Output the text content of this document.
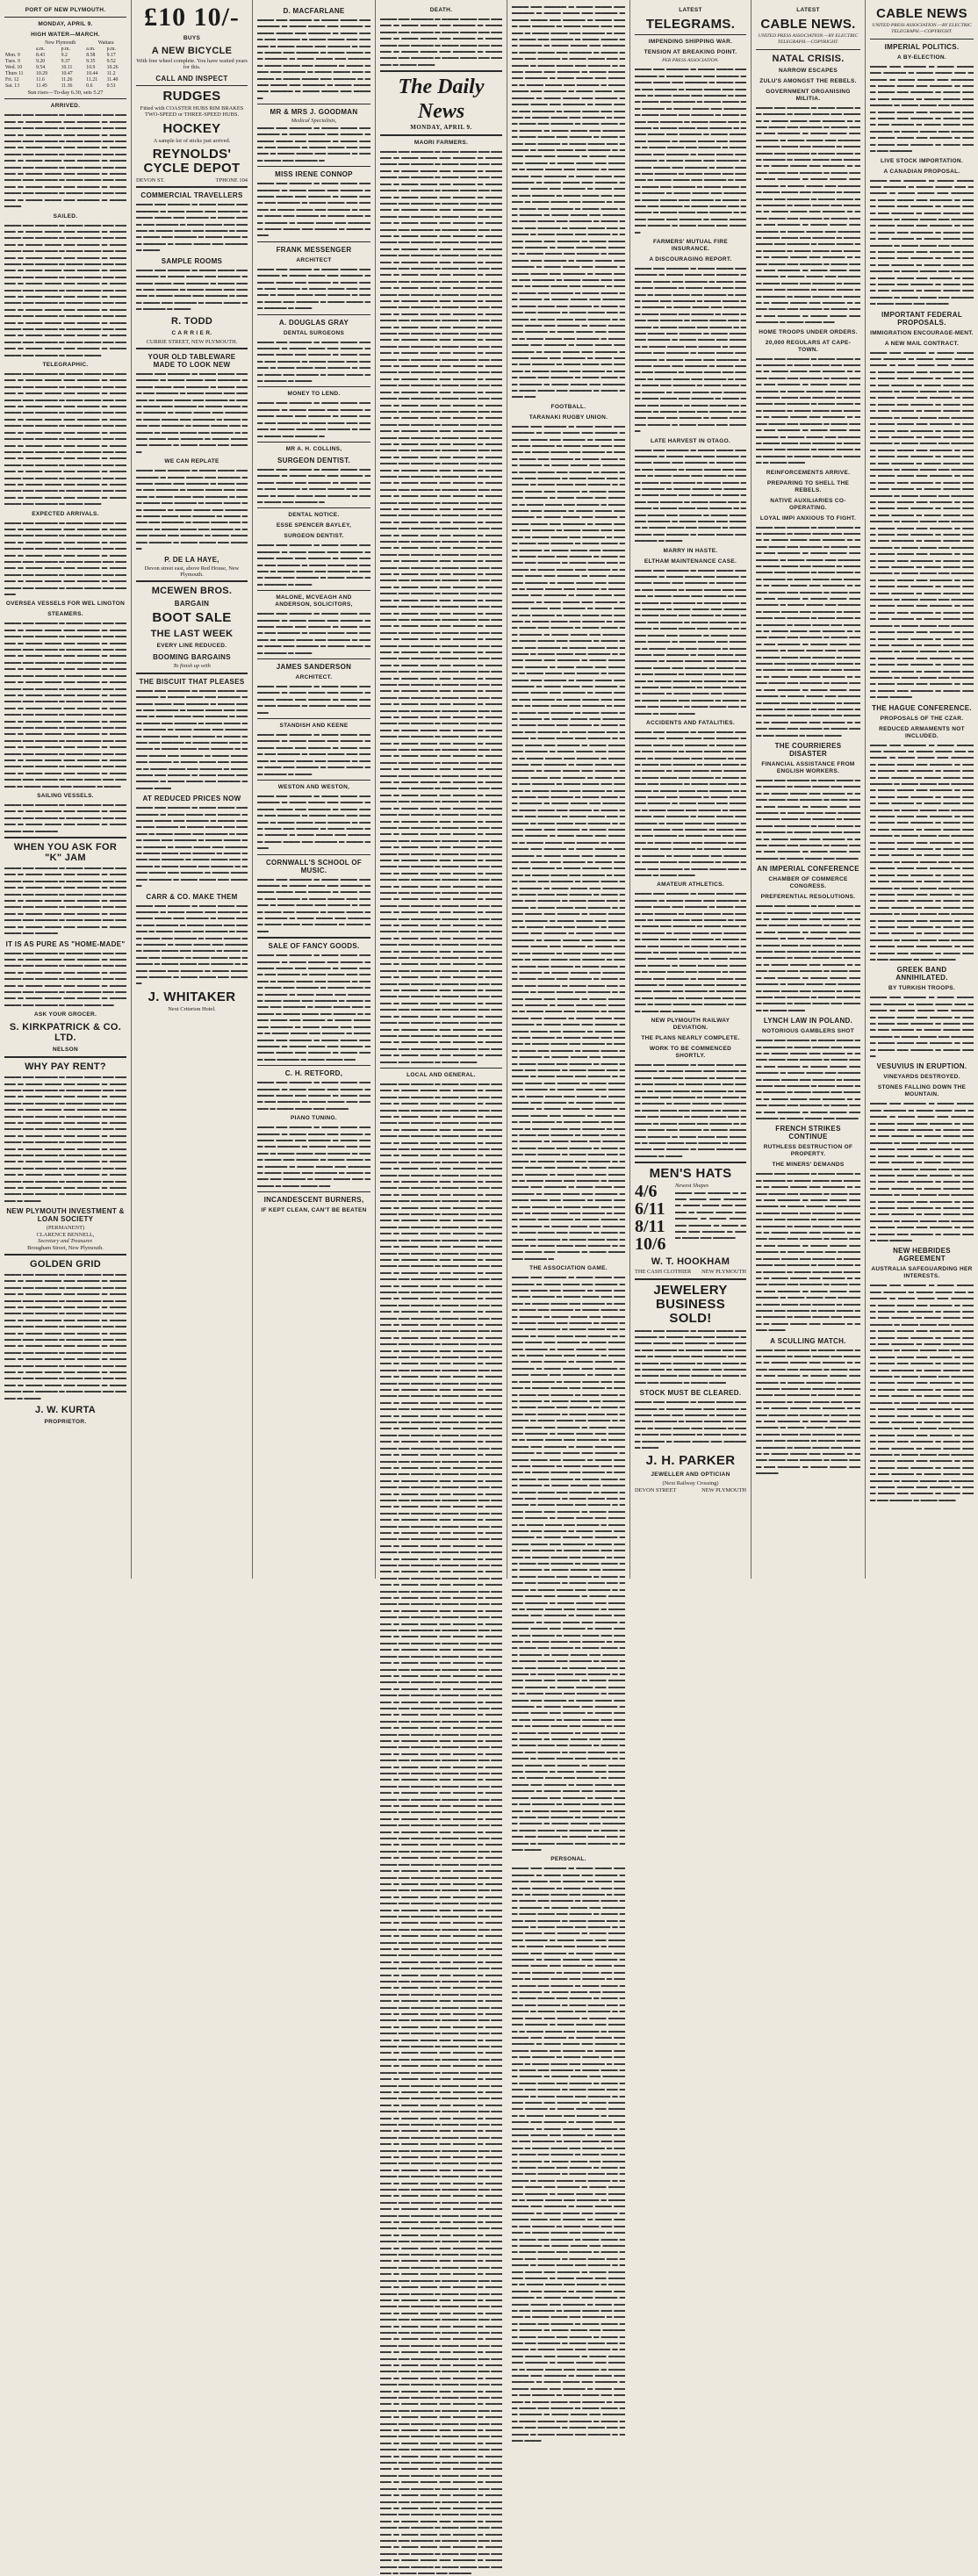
PORT OF NEW PLYMOUTH.
MONDAY, APRIL 9.
HIGH WATER—MARCH.
	New Plymouth		Waitara	
	a.m.	p.m.	a.m.	p.m.
Mon. 9	8.43	9.2	8.58	9.17
Tues. 9	9.20	9.37	9.35	9.52
Wed. 10	9.54	10.11	10.9	10.26
Thurs 11	10.29	10.47	10.44	11.2
Fri. 12	11.6	11.26	11.21	11.40
Sat. 13	11.45	11.36	0.6	0.51
Sun rises—To-day 6.30, sets 5.27
ARRIVED.

▬▬▬ ▬▬ ▬▬▬▬ ▬ ▬▬▬ ▬▬▬ ▬▬ ▬▬▬▬ ▬ ▬▬▬ ▬▬▬ ▬▬ ▬▬▬▬ ▬ ▬▬▬ ▬▬▬ ▬▬ ▬▬▬▬ ▬ ▬▬▬ ▬▬▬ ▬▬ ▬▬▬▬ ▬ ▬▬▬ ▬▬▬ ▬▬ ▬▬▬▬ ▬ ▬▬▬ ▬▬▬ ▬▬ ▬▬▬▬ ▬ ▬▬▬ ▬▬▬ ▬▬ ▬▬▬▬ ▬ ▬▬▬ ▬▬▬ ▬▬ ▬▬▬▬ ▬ ▬▬▬ ▬▬▬ ▬▬ ▬▬▬▬ ▬ ▬▬▬ ▬▬▬ ▬▬ ▬▬▬▬ ▬ ▬▬▬ ▬▬▬ ▬▬ ▬▬▬▬ ▬ ▬▬▬ ▬▬▬ ▬▬ ▬▬▬▬ ▬ ▬▬▬ ▬▬▬ ▬▬ ▬▬▬▬ ▬ ▬▬▬ ▬▬▬ ▬▬ ▬▬▬▬ ▬ ▬▬▬ ▬▬▬ ▬▬ ▬▬▬▬ ▬ ▬▬▬ ▬▬▬ ▬▬ ▬▬▬▬ ▬ ▬▬▬ ▬▬▬ ▬▬ ▬▬▬▬ ▬ ▬▬▬ ▬▬▬ ▬▬ ▬▬▬▬ ▬ ▬▬▬ ▬▬▬ ▬▬ ▬▬▬▬ ▬ ▬▬▬ ▬▬▬ ▬▬ ▬▬▬▬ ▬ ▬▬▬ ▬▬▬

SAILED.

▬▬▬ ▬▬ ▬▬▬▬ ▬ ▬▬▬ ▬▬▬ ▬▬ ▬▬▬▬ ▬ ▬▬▬ ▬▬▬ ▬▬ ▬▬▬▬ ▬ ▬▬▬ ▬▬▬ ▬▬ ▬▬▬▬ ▬ ▬▬▬ ▬▬▬ ▬▬ ▬▬▬▬ ▬ ▬▬▬ ▬▬▬ ▬▬ ▬▬▬▬ ▬ ▬▬▬ ▬▬▬ ▬▬ ▬▬▬▬ ▬ ▬▬▬ ▬▬▬ ▬▬ ▬▬▬▬ ▬ ▬▬▬ ▬▬▬ ▬▬ ▬▬▬▬ ▬ ▬▬▬ ▬▬▬ ▬▬ ▬▬▬▬ ▬ ▬▬▬ ▬▬▬ ▬▬ ▬▬▬▬ ▬ ▬▬▬ ▬▬▬ ▬▬ ▬▬▬▬ ▬ ▬▬▬ ▬▬▬ ▬▬ ▬▬▬▬ ▬ ▬▬▬ ▬▬▬ ▬▬ ▬▬▬▬ ▬ ▬▬▬ ▬▬▬ ▬▬ ▬▬▬▬ ▬ ▬▬▬ ▬▬▬ ▬▬ ▬▬▬▬ ▬ ▬▬▬ ▬▬▬ ▬▬ ▬▬▬▬ ▬ ▬▬▬ ▬▬▬ ▬▬ ▬▬▬▬ ▬ ▬▬▬ ▬▬▬ ▬▬ ▬▬▬▬ ▬ ▬▬▬ ▬▬▬ ▬▬ ▬▬▬▬ ▬ ▬▬▬ ▬▬▬ ▬▬ ▬▬▬▬ ▬ ▬▬▬ ▬▬▬ ▬▬ ▬▬▬▬ ▬ ▬▬▬ ▬▬▬ ▬▬ ▬▬▬▬ ▬ ▬▬▬ ▬▬▬ ▬▬ ▬▬▬▬ ▬ ▬▬▬ ▬▬▬ ▬▬ ▬▬▬▬ ▬ ▬▬▬ ▬▬▬ ▬▬ ▬▬▬▬ ▬ ▬▬▬ ▬▬▬ ▬▬ ▬▬▬▬ ▬ ▬▬▬ ▬▬▬ ▬▬ ▬▬▬▬ ▬ ▬▬▬ ▬▬▬ ▬▬ ▬▬▬▬ ▬ ▬▬▬ ▬▬▬ ▬▬ ▬▬▬▬ ▬ ▬▬▬ ▬▬▬ ▬▬ ▬▬▬▬ ▬ ▬▬▬ ▬▬▬

TELEGRAPHIC.

▬▬▬ ▬▬ ▬▬▬▬ ▬ ▬▬▬ ▬▬▬ ▬▬ ▬▬▬▬ ▬ ▬▬▬ ▬▬▬ ▬▬ ▬▬▬▬ ▬ ▬▬▬ ▬▬▬ ▬▬ ▬▬▬▬ ▬ ▬▬▬ ▬▬▬ ▬▬ ▬▬▬▬ ▬ ▬▬▬ ▬▬▬ ▬▬ ▬▬▬▬ ▬ ▬▬▬ ▬▬▬ ▬▬ ▬▬▬▬ ▬ ▬▬▬ ▬▬▬ ▬▬ ▬▬▬▬ ▬ ▬▬▬ ▬▬▬ ▬▬ ▬▬▬▬ ▬ ▬▬▬ ▬▬▬ ▬▬ ▬▬▬▬ ▬ ▬▬▬ ▬▬▬ ▬▬ ▬▬▬▬ ▬ ▬▬▬ ▬▬▬ ▬▬ ▬▬▬▬ ▬ ▬▬▬ ▬▬▬ ▬▬ ▬▬▬▬ ▬ ▬▬▬ ▬▬▬ ▬▬ ▬▬▬▬ ▬ ▬▬▬ ▬▬▬ ▬▬ ▬▬▬▬ ▬ ▬▬▬ ▬▬▬ ▬▬ ▬▬▬▬ ▬ ▬▬▬ ▬▬▬ ▬▬ ▬▬▬▬ ▬ ▬▬▬ ▬▬▬ ▬▬ ▬▬▬▬ ▬ ▬▬▬ ▬▬▬ ▬▬ ▬▬▬▬ ▬ ▬▬▬ ▬▬▬ ▬▬ ▬▬▬▬ ▬ ▬▬▬ ▬▬▬ ▬▬ ▬▬▬▬ ▬ ▬▬▬ ▬▬▬ ▬▬ ▬▬▬▬ ▬ ▬▬▬ ▬▬▬ ▬▬ ▬▬▬▬ ▬ ▬▬▬ ▬▬▬ ▬▬ ▬▬▬▬ ▬ ▬▬▬ ▬▬▬ ▬▬ ▬▬▬▬ ▬ ▬▬▬ ▬▬▬ ▬▬ ▬▬▬▬ ▬ ▬▬▬ ▬▬▬ ▬▬ ▬▬▬▬ ▬ ▬▬▬ ▬▬▬ ▬▬ ▬▬▬▬ ▬ ▬▬▬ ▬▬▬ ▬▬ ▬▬▬▬ ▬ ▬▬▬ ▬▬▬ ▬▬ ▬▬▬▬ ▬ ▬▬▬ ▬▬▬ ▬▬ ▬▬▬▬ ▬ ▬▬▬ ▬▬▬

EXPECTED ARRIVALS.

▬▬▬ ▬▬ ▬▬▬▬ ▬ ▬▬▬ ▬▬▬ ▬▬ ▬▬▬▬ ▬ ▬▬▬ ▬▬▬ ▬▬ ▬▬▬▬ ▬ ▬▬▬ ▬▬▬ ▬▬ ▬▬▬▬ ▬ ▬▬▬ ▬▬▬ ▬▬ ▬▬▬▬ ▬ ▬▬▬ ▬▬▬ ▬▬ ▬▬▬▬ ▬ ▬▬▬ ▬▬▬ ▬▬ ▬▬▬▬ ▬ ▬▬▬ ▬▬▬ ▬▬ ▬▬▬▬ ▬ ▬▬▬ ▬▬▬ ▬▬ ▬▬▬▬ ▬ ▬▬▬ ▬▬▬ ▬▬ ▬▬▬▬ ▬ ▬▬▬ ▬▬▬ ▬▬ ▬▬▬▬ ▬ ▬▬▬ ▬▬▬ ▬▬ ▬▬▬▬ ▬ ▬▬▬ ▬▬▬ ▬▬ ▬▬▬▬ ▬ ▬▬▬ ▬▬▬ ▬▬ ▬▬▬▬ ▬ ▬▬▬ ▬▬▬ ▬▬ ▬▬▬▬ ▬ ▬▬▬ ▬▬▬ ▬▬ ▬▬▬▬ ▬ ▬▬▬ ▬▬▬ ▬▬ ▬▬▬▬

OVERSEA VESSELS FOR WEL LINGTON
STEAMERS.

▬▬▬ ▬▬ ▬▬▬▬ ▬ ▬▬▬ ▬▬▬ ▬▬ ▬▬▬▬ ▬ ▬▬▬ ▬▬▬ ▬▬ ▬▬▬▬ ▬ ▬▬▬ ▬▬▬ ▬▬ ▬▬▬▬ ▬ ▬▬▬ ▬▬▬ ▬▬ ▬▬▬▬ ▬ ▬▬▬ ▬▬▬ ▬▬ ▬▬▬▬ ▬ ▬▬▬ ▬▬▬ ▬▬ ▬▬▬▬ ▬ ▬▬▬ ▬▬▬ ▬▬ ▬▬▬▬ ▬ ▬▬▬ ▬▬▬ ▬▬ ▬▬▬▬ ▬ ▬▬▬ ▬▬▬ ▬▬ ▬▬▬▬ ▬ ▬▬▬ ▬▬▬ ▬▬ ▬▬▬▬ ▬ ▬▬▬ ▬▬▬ ▬▬ ▬▬▬▬ ▬ ▬▬▬ ▬▬▬ ▬▬ ▬▬▬▬ ▬ ▬▬▬ ▬▬▬ ▬▬ ▬▬▬▬ ▬ ▬▬▬ ▬▬▬ ▬▬ ▬▬▬▬ ▬ ▬▬▬ ▬▬▬ ▬▬ ▬▬▬▬ ▬ ▬▬▬ ▬▬▬ ▬▬ ▬▬▬▬ ▬ ▬▬▬ ▬▬▬ ▬▬ ▬▬▬▬ ▬ ▬▬▬ ▬▬▬ ▬▬ ▬▬▬▬ ▬ ▬▬▬ ▬▬▬ ▬▬ ▬▬▬▬ ▬ ▬▬▬ ▬▬▬ ▬▬ ▬▬▬▬ ▬ ▬▬▬ ▬▬▬ ▬▬ ▬▬▬▬ ▬ ▬▬▬ ▬▬▬ ▬▬ ▬▬▬▬ ▬ ▬▬▬ ▬▬▬ ▬▬ ▬▬▬▬ ▬ ▬▬▬ ▬▬▬ ▬▬ ▬▬▬▬ ▬ ▬▬▬ ▬▬▬ ▬▬ ▬▬▬▬ ▬ ▬▬▬ ▬▬▬ ▬▬ ▬▬▬▬ ▬ ▬▬▬ ▬▬▬ ▬▬ ▬▬▬▬ ▬ ▬▬▬ ▬▬▬ ▬▬ ▬▬▬▬ ▬ ▬▬▬ ▬▬▬ ▬▬ ▬▬▬▬ ▬ ▬▬▬ ▬▬▬ ▬▬ ▬▬▬▬ ▬ ▬▬▬ ▬▬▬ ▬▬ ▬▬▬▬ ▬ ▬▬▬ ▬▬▬ ▬▬ ▬▬▬▬ ▬ ▬▬▬ ▬▬▬ ▬▬ ▬▬▬▬ ▬ ▬▬▬ ▬▬▬ ▬▬ ▬▬▬▬ ▬ ▬▬▬ ▬▬▬ ▬▬ ▬▬▬▬ ▬ ▬▬▬ ▬▬▬ ▬▬ ▬▬▬▬ ▬ ▬▬▬ ▬▬▬ ▬▬ ▬▬▬▬ ▬ ▬▬▬ ▬▬▬ ▬▬ ▬▬▬▬ ▬ ▬▬▬

SAILING VESSELS.

▬▬▬ ▬▬ ▬▬▬▬ ▬ ▬▬▬ ▬▬▬ ▬▬ ▬▬▬▬ ▬ ▬▬▬ ▬▬▬ ▬▬ ▬▬▬▬ ▬ ▬▬▬ ▬▬▬ ▬▬ ▬▬▬▬ ▬ ▬▬▬ ▬▬▬ ▬▬ ▬▬▬▬ ▬ ▬▬▬ ▬▬▬ ▬▬ ▬▬▬▬ ▬ ▬▬▬ ▬▬▬ ▬▬ ▬▬▬▬

WHEN YOU ASK FOR "K" JAM

▬▬▬ ▬▬ ▬▬▬▬ ▬ ▬▬▬ ▬▬▬ ▬▬ ▬▬▬▬ ▬ ▬▬▬ ▬▬▬ ▬▬ ▬▬▬▬ ▬ ▬▬▬ ▬▬▬ ▬▬ ▬▬▬▬ ▬ ▬▬▬ ▬▬▬ ▬▬ ▬▬▬▬ ▬ ▬▬▬ ▬▬▬ ▬▬ ▬▬▬▬ ▬ ▬▬▬ ▬▬▬ ▬▬ ▬▬▬▬ ▬ ▬▬▬ ▬▬▬ ▬▬ ▬▬▬▬ ▬ ▬▬▬ ▬▬▬ ▬▬ ▬▬▬▬ ▬ ▬▬▬ ▬▬▬ ▬▬ ▬▬▬▬ ▬ ▬▬▬ ▬▬▬ ▬▬ ▬▬▬▬ ▬ ▬▬▬ ▬▬▬ ▬▬ ▬▬▬▬ ▬ ▬▬▬ ▬▬▬ ▬▬ ▬▬▬▬ ▬ ▬▬▬ ▬▬▬ ▬▬ ▬▬▬▬ ▬ ▬▬▬ ▬▬▬ ▬▬ ▬▬▬▬ ▬ ▬▬▬ ▬▬▬ ▬▬ ▬▬▬▬

IT IS AS PURE AS "HOME-MADE"

▬▬▬ ▬▬ ▬▬▬▬ ▬ ▬▬▬ ▬▬▬ ▬▬ ▬▬▬▬ ▬ ▬▬▬ ▬▬▬ ▬▬ ▬▬▬▬ ▬ ▬▬▬ ▬▬▬ ▬▬ ▬▬▬▬ ▬ ▬▬▬ ▬▬▬ ▬▬ ▬▬▬▬ ▬ ▬▬▬ ▬▬▬ ▬▬ ▬▬▬▬ ▬ ▬▬▬ ▬▬▬ ▬▬ ▬▬▬▬ ▬ ▬▬▬ ▬▬▬ ▬▬ ▬▬▬▬ ▬ ▬▬▬ ▬▬▬ ▬▬ ▬▬▬▬ ▬ ▬▬▬ ▬▬▬ ▬▬ ▬▬▬▬ ▬ ▬▬▬ ▬▬▬ ▬▬ ▬▬▬▬ ▬ ▬▬▬ ▬▬▬ ▬▬ ▬▬▬▬ ▬ ▬▬▬ ▬▬▬ ▬▬ ▬▬▬▬ ▬ ▬▬▬ ▬▬▬ ▬▬

ASK YOUR GROCER.
S. KIRKPATRICK & CO. LTD.
NELSON
WHY PAY RENT?

▬▬▬ ▬▬ ▬▬▬▬ ▬ ▬▬▬ ▬▬▬ ▬▬ ▬▬▬▬ ▬ ▬▬▬ ▬▬▬ ▬▬ ▬▬▬▬ ▬ ▬▬▬ ▬▬▬ ▬▬ ▬▬▬▬ ▬ ▬▬▬ ▬▬▬ ▬▬ ▬▬▬▬ ▬ ▬▬▬ ▬▬▬ ▬▬ ▬▬▬▬ ▬ ▬▬▬ ▬▬▬ ▬▬ ▬▬▬▬ ▬ ▬▬▬ ▬▬▬ ▬▬ ▬▬▬▬ ▬ ▬▬▬ ▬▬▬ ▬▬ ▬▬▬▬ ▬ ▬▬▬ ▬▬▬ ▬▬ ▬▬▬▬ ▬ ▬▬▬ ▬▬▬ ▬▬ ▬▬▬▬ ▬ ▬▬▬ ▬▬▬ ▬▬ ▬▬▬▬ ▬ ▬▬▬ ▬▬▬ ▬▬ ▬▬▬▬ ▬ ▬▬▬ ▬▬▬ ▬▬ ▬▬▬▬ ▬ ▬▬▬ ▬▬▬ ▬▬ ▬▬▬▬ ▬ ▬▬▬ ▬▬▬ ▬▬ ▬▬▬▬ ▬ ▬▬▬ ▬▬▬ ▬▬ ▬▬▬▬ ▬ ▬▬▬ ▬▬▬ ▬▬ ▬▬▬▬ ▬ ▬▬▬ ▬▬▬ ▬▬ ▬▬▬▬ ▬ ▬▬▬ ▬▬▬ ▬▬ ▬▬▬▬ ▬ ▬▬▬ ▬▬▬ ▬▬ ▬▬▬▬ ▬ ▬▬▬ ▬▬▬ ▬▬ ▬▬▬▬ ▬ ▬▬▬ ▬▬▬ ▬▬ ▬▬▬▬ ▬ ▬▬▬ ▬▬▬ ▬▬ ▬▬▬▬ ▬ ▬▬▬ ▬▬▬ ▬▬ ▬▬▬▬ ▬ ▬▬▬ ▬▬▬ ▬▬ ▬▬▬▬ ▬ ▬▬▬ ▬▬▬ ▬▬ ▬▬▬▬ ▬ ▬▬▬ ▬▬▬ ▬▬ ▬▬▬▬ ▬ ▬▬▬ ▬▬▬ ▬▬ ▬▬▬▬ ▬ ▬▬▬

NEW PLYMOUTH INVESTMENT & LOAN SOCIETY
(PERMANENT)
CLARENCE BENNELL,
Secretary and Treasurer.
Brougham Street, New Plymouth.
GOLDEN GRID

▬▬▬ ▬▬ ▬▬▬▬ ▬ ▬▬▬ ▬▬▬ ▬▬ ▬▬▬▬ ▬ ▬▬▬ ▬▬▬ ▬▬ ▬▬▬▬ ▬ ▬▬▬ ▬▬▬ ▬▬ ▬▬▬▬ ▬ ▬▬▬ ▬▬▬ ▬▬ ▬▬▬▬ ▬ ▬▬▬ ▬▬▬ ▬▬ ▬▬▬▬ ▬ ▬▬▬ ▬▬▬ ▬▬ ▬▬▬▬ ▬ ▬▬▬ ▬▬▬ ▬▬ ▬▬▬▬ ▬ ▬▬▬ ▬▬▬ ▬▬ ▬▬▬▬ ▬ ▬▬▬ ▬▬▬ ▬▬ ▬▬▬▬ ▬ ▬▬▬ ▬▬▬ ▬▬ ▬▬▬▬ ▬ ▬▬▬ ▬▬▬ ▬▬ ▬▬▬▬ ▬ ▬▬▬ ▬▬▬ ▬▬ ▬▬▬▬ ▬ ▬▬▬ ▬▬▬ ▬▬ ▬▬▬▬ ▬ ▬▬▬ ▬▬▬ ▬▬ ▬▬▬▬ ▬ ▬▬▬ ▬▬▬ ▬▬ ▬▬▬▬ ▬ ▬▬▬ ▬▬▬ ▬▬ ▬▬▬▬ ▬ ▬▬▬ ▬▬▬ ▬▬ ▬▬▬▬ ▬ ▬▬▬ ▬▬▬ ▬▬ ▬▬▬▬ ▬ ▬▬▬ ▬▬▬ ▬▬ ▬▬▬▬ ▬ ▬▬▬ ▬▬▬ ▬▬ ▬▬▬▬ ▬ ▬▬▬ ▬▬▬ ▬▬ ▬▬▬▬ ▬ ▬▬▬ ▬▬▬ ▬▬ ▬▬▬▬ ▬ ▬▬▬ ▬▬▬ ▬▬ ▬▬▬▬ ▬ ▬▬▬ ▬▬▬ ▬▬ ▬▬▬▬ ▬ ▬▬▬ ▬▬▬ ▬▬ ▬▬▬▬ ▬ ▬▬▬ ▬▬▬ ▬▬ ▬▬▬▬ ▬ ▬▬▬ ▬▬▬ ▬▬ ▬▬▬▬ ▬ ▬▬▬ ▬▬▬ ▬▬ ▬▬▬▬ ▬ ▬▬▬

J. W. KURTA
PROPRIETOR.
£10 10/-
BUYS
A NEW BICYCLE
With free wheel complete. You have waited years for this.
CALL AND INSPECT
RUDGES
Fitted with COASTER HUBS RIM BRAKES TWO-SPEED or THREE-SPEED HUBS.
HOCKEY
A sample lot of sticks just arrived.
REYNOLDS' CYCLE DEPOT
DEVON ST.	TPHONE 104
COMMERCIAL TRAVELLERS

▬▬▬ ▬▬ ▬▬▬▬ ▬ ▬▬▬ ▬▬▬ ▬▬ ▬▬▬▬ ▬ ▬▬▬ ▬▬▬ ▬▬ ▬▬▬▬ ▬ ▬▬▬ ▬▬▬ ▬▬ ▬▬▬▬ ▬ ▬▬▬ ▬▬▬ ▬▬ ▬▬▬▬ ▬ ▬▬▬ ▬▬▬ ▬▬ ▬▬▬▬ ▬ ▬▬▬ ▬▬▬ ▬▬ ▬▬▬▬ ▬ ▬▬▬ ▬▬▬ ▬▬ ▬▬▬▬ ▬ ▬▬▬ ▬▬▬ ▬▬ ▬▬▬▬ ▬ ▬▬▬ ▬▬▬ ▬▬ ▬▬▬▬ ▬ ▬▬▬

SAMPLE ROOMS

▬▬▬ ▬▬ ▬▬▬▬ ▬ ▬▬▬ ▬▬▬ ▬▬ ▬▬▬▬ ▬ ▬▬▬ ▬▬▬ ▬▬ ▬▬▬▬ ▬ ▬▬▬ ▬▬▬ ▬▬ ▬▬▬▬ ▬ ▬▬▬ ▬▬▬ ▬▬ ▬▬▬▬ ▬ ▬▬▬ ▬▬▬ ▬▬ ▬▬▬▬ ▬ ▬▬▬ ▬▬▬ ▬▬ ▬▬▬▬ ▬ ▬▬▬ ▬▬▬ ▬▬ ▬▬▬▬ ▬ ▬▬▬ ▬▬▬ ▬▬ ▬▬▬▬ ▬ ▬▬▬

R. TODD
C A R R I E R.
CURRIE STREET, NEW PLYMOUTH.
YOUR OLD TABLEWARE MADE TO LOOK NEW

▬▬▬ ▬▬ ▬▬▬▬ ▬ ▬▬▬ ▬▬▬ ▬▬ ▬▬▬▬ ▬ ▬▬▬ ▬▬▬ ▬▬ ▬▬▬▬ ▬ ▬▬▬ ▬▬▬ ▬▬ ▬▬▬▬ ▬ ▬▬▬ ▬▬▬ ▬▬ ▬▬▬▬ ▬ ▬▬▬ ▬▬▬ ▬▬ ▬▬▬▬ ▬ ▬▬▬ ▬▬▬ ▬▬ ▬▬▬▬ ▬ ▬▬▬ ▬▬▬ ▬▬ ▬▬▬▬ ▬ ▬▬▬ ▬▬▬ ▬▬ ▬▬▬▬ ▬ ▬▬▬ ▬▬▬ ▬▬ ▬▬▬▬ ▬ ▬▬▬ ▬▬▬ ▬▬ ▬▬▬▬ ▬ ▬▬▬ ▬▬▬ ▬▬ ▬▬▬▬ ▬ ▬▬▬ ▬▬▬ ▬▬ ▬▬▬▬ ▬ ▬▬▬ ▬▬▬ ▬▬ ▬▬▬▬ ▬ ▬▬▬ ▬▬▬ ▬▬ ▬▬▬▬ ▬ ▬▬▬ ▬▬▬ ▬▬ ▬▬▬▬ ▬ ▬▬▬ ▬▬▬ ▬▬ ▬▬▬▬

WE CAN REPLATE

▬▬▬ ▬▬ ▬▬▬▬ ▬ ▬▬▬ ▬▬▬ ▬▬ ▬▬▬▬ ▬ ▬▬▬ ▬▬▬ ▬▬ ▬▬▬▬ ▬ ▬▬▬ ▬▬▬ ▬▬ ▬▬▬▬ ▬ ▬▬▬ ▬▬▬ ▬▬ ▬▬▬▬ ▬ ▬▬▬ ▬▬▬ ▬▬ ▬▬▬▬ ▬ ▬▬▬ ▬▬▬ ▬▬ ▬▬▬▬ ▬ ▬▬▬ ▬▬▬ ▬▬ ▬▬▬▬ ▬ ▬▬▬ ▬▬▬ ▬▬ ▬▬▬▬ ▬ ▬▬▬ ▬▬▬ ▬▬ ▬▬▬▬ ▬ ▬▬▬ ▬▬▬ ▬▬ ▬▬▬▬ ▬ ▬▬▬ ▬▬▬ ▬▬ ▬▬▬▬ ▬ ▬▬▬ ▬▬▬ ▬▬ ▬▬▬▬ ▬ ▬▬▬ ▬▬▬ ▬▬ ▬▬▬▬ ▬ ▬▬▬ ▬▬▬ ▬▬ ▬▬▬▬ ▬ ▬▬▬ ▬▬▬ ▬▬ ▬▬▬▬ ▬ ▬▬▬ ▬▬▬ ▬▬ ▬▬▬▬

P. DE LA HAYE,
Devon street east, above Red House, New Plymouth.
MCEWEN BROS.
BARGAIN
BOOT SALE
THE LAST WEEK
EVERY LINE REDUCED.
BOOMING BARGAINS
To finish up with
THE BISCUIT THAT PLEASES

▬▬▬ ▬▬ ▬▬▬▬ ▬ ▬▬▬ ▬▬▬ ▬▬ ▬▬▬▬ ▬ ▬▬▬ ▬▬▬ ▬▬ ▬▬▬▬ ▬ ▬▬▬ ▬▬▬ ▬▬ ▬▬▬▬ ▬ ▬▬▬ ▬▬▬ ▬▬ ▬▬▬▬ ▬ ▬▬▬ ▬▬▬ ▬▬ ▬▬▬▬ ▬ ▬▬▬ ▬▬▬ ▬▬ ▬▬▬▬ ▬ ▬▬▬ ▬▬▬ ▬▬ ▬▬▬▬ ▬ ▬▬▬ ▬▬▬ ▬▬ ▬▬▬▬ ▬ ▬▬▬ ▬▬▬ ▬▬ ▬▬▬▬ ▬ ▬▬▬ ▬▬▬ ▬▬ ▬▬▬▬ ▬ ▬▬▬ ▬▬▬ ▬▬ ▬▬▬▬ ▬ ▬▬▬ ▬▬▬ ▬▬ ▬▬▬▬ ▬ ▬▬▬ ▬▬▬ ▬▬ ▬▬▬▬ ▬ ▬▬▬ ▬▬▬ ▬▬ ▬▬▬▬ ▬ ▬▬▬ ▬▬▬ ▬▬ ▬▬▬▬ ▬ ▬▬▬ ▬▬▬ ▬▬ ▬▬▬▬ ▬ ▬▬▬ ▬▬▬ ▬▬ ▬▬▬▬ ▬ ▬▬▬ ▬▬▬ ▬▬ ▬▬▬▬ ▬ ▬▬▬ ▬▬▬ ▬▬ ▬▬▬▬ ▬ ▬▬▬ ▬▬▬ ▬▬ ▬▬▬▬ ▬ ▬▬▬ ▬▬▬

AT REDUCED PRICES NOW

▬▬▬ ▬▬ ▬▬▬▬ ▬ ▬▬▬ ▬▬▬ ▬▬ ▬▬▬▬ ▬ ▬▬▬ ▬▬▬ ▬▬ ▬▬▬▬ ▬ ▬▬▬ ▬▬▬ ▬▬ ▬▬▬▬ ▬ ▬▬▬ ▬▬▬ ▬▬ ▬▬▬▬ ▬ ▬▬▬ ▬▬▬ ▬▬ ▬▬▬▬ ▬ ▬▬▬ ▬▬▬ ▬▬ ▬▬▬▬ ▬ ▬▬▬ ▬▬▬ ▬▬ ▬▬▬▬ ▬ ▬▬▬ ▬▬▬ ▬▬ ▬▬▬▬ ▬ ▬▬▬ ▬▬▬ ▬▬ ▬▬▬▬ ▬ ▬▬▬ ▬▬▬ ▬▬ ▬▬▬▬ ▬ ▬▬▬ ▬▬▬ ▬▬ ▬▬▬▬ ▬ ▬▬▬ ▬▬▬ ▬▬ ▬▬▬▬ ▬ ▬▬▬ ▬▬▬ ▬▬ ▬▬▬▬ ▬ ▬▬▬ ▬▬▬ ▬▬ ▬▬▬▬ ▬ ▬▬▬ ▬▬▬ ▬▬ ▬▬▬▬ ▬ ▬▬▬ ▬▬▬ ▬▬ ▬▬▬▬

CARR & CO. MAKE THEM

▬▬▬ ▬▬ ▬▬▬▬ ▬ ▬▬▬ ▬▬▬ ▬▬ ▬▬▬▬ ▬ ▬▬▬ ▬▬▬ ▬▬ ▬▬▬▬ ▬ ▬▬▬ ▬▬▬ ▬▬ ▬▬▬▬ ▬ ▬▬▬ ▬▬▬ ▬▬ ▬▬▬▬ ▬ ▬▬▬ ▬▬▬ ▬▬ ▬▬▬▬ ▬ ▬▬▬ ▬▬▬ ▬▬ ▬▬▬▬ ▬ ▬▬▬ ▬▬▬ ▬▬ ▬▬▬▬ ▬ ▬▬▬ ▬▬▬ ▬▬ ▬▬▬▬ ▬ ▬▬▬ ▬▬▬ ▬▬ ▬▬▬▬ ▬ ▬▬▬ ▬▬▬ ▬▬ ▬▬▬▬ ▬ ▬▬▬ ▬▬▬ ▬▬ ▬▬▬▬ ▬ ▬▬▬ ▬▬▬ ▬▬ ▬▬▬▬ ▬ ▬▬▬ ▬▬▬ ▬▬ ▬▬▬▬ ▬ ▬▬▬ ▬▬▬ ▬▬ ▬▬▬▬ ▬ ▬▬▬ ▬▬▬ ▬▬ ▬▬▬▬ ▬ ▬▬▬ ▬▬▬ ▬▬ ▬▬▬▬

J. WHITAKER
Next Criterion Hotel.
D. MACFARLANE

▬▬▬ ▬▬ ▬▬▬▬ ▬ ▬▬▬ ▬▬▬ ▬▬ ▬▬▬▬ ▬ ▬▬▬ ▬▬▬ ▬▬ ▬▬▬▬ ▬ ▬▬▬ ▬▬▬ ▬▬ ▬▬▬▬ ▬ ▬▬▬ ▬▬▬ ▬▬ ▬▬▬▬ ▬ ▬▬▬ ▬▬▬ ▬▬ ▬▬▬▬ ▬ ▬▬▬ ▬▬▬ ▬▬ ▬▬▬▬ ▬ ▬▬▬ ▬▬▬ ▬▬ ▬▬▬▬ ▬ ▬▬▬ ▬▬▬ ▬▬ ▬▬▬▬ ▬ ▬▬▬ ▬▬▬ ▬▬ ▬▬▬▬ ▬ ▬▬▬ ▬▬▬ ▬▬ ▬▬▬▬ ▬ ▬▬▬ ▬▬▬ ▬▬ ▬▬▬▬ ▬ ▬▬▬ ▬▬▬ ▬▬ ▬▬▬▬ ▬ ▬▬▬ ▬▬▬ ▬▬ ▬▬▬▬ ▬ ▬▬▬ ▬▬▬ ▬▬ ▬▬▬▬ ▬ ▬▬▬ ▬▬▬ ▬▬ ▬▬▬▬ ▬ ▬▬▬ ▬▬▬ ▬▬ ▬▬▬▬

MR & MRS J. GOODMAN
Medical Specialists,

▬▬▬ ▬▬ ▬▬▬▬ ▬ ▬▬▬ ▬▬▬ ▬▬ ▬▬▬▬ ▬ ▬▬▬ ▬▬▬ ▬▬ ▬▬▬▬ ▬ ▬▬▬ ▬▬▬ ▬▬ ▬▬▬▬ ▬ ▬▬▬ ▬▬▬ ▬▬ ▬▬▬▬ ▬ ▬▬▬ ▬▬▬ ▬▬ ▬▬▬▬ ▬ ▬▬▬ ▬▬▬ ▬▬ ▬▬▬▬ ▬ ▬▬▬ ▬▬▬ ▬▬ ▬▬▬▬ ▬

MISS IRENE CONNOP

▬▬▬ ▬▬ ▬▬▬▬ ▬ ▬▬▬ ▬▬▬ ▬▬ ▬▬▬▬ ▬ ▬▬▬ ▬▬▬ ▬▬ ▬▬▬▬ ▬ ▬▬▬ ▬▬▬ ▬▬ ▬▬▬▬ ▬ ▬▬▬ ▬▬▬ ▬▬ ▬▬▬▬ ▬ ▬▬▬ ▬▬▬ ▬▬ ▬▬▬▬ ▬ ▬▬▬ ▬▬▬ ▬▬ ▬▬▬▬ ▬ ▬▬▬ ▬▬▬ ▬▬ ▬▬▬▬ ▬ ▬▬▬ ▬▬▬ ▬▬ ▬▬▬▬ ▬ ▬▬▬ ▬▬▬ ▬▬ ▬▬▬▬ ▬ ▬▬▬ ▬▬▬ ▬▬ ▬▬▬▬ ▬ ▬▬▬ ▬▬▬

FRANK MESSENGER
ARCHITECT

▬▬▬ ▬▬ ▬▬▬▬ ▬ ▬▬▬ ▬▬▬ ▬▬ ▬▬▬▬ ▬ ▬▬▬ ▬▬▬ ▬▬ ▬▬▬▬ ▬ ▬▬▬ ▬▬▬ ▬▬ ▬▬▬▬ ▬ ▬▬▬ ▬▬▬ ▬▬ ▬▬▬▬ ▬ ▬▬▬ ▬▬▬ ▬▬ ▬▬▬▬ ▬ ▬▬▬ ▬▬▬ ▬▬ ▬▬▬▬ ▬ ▬▬▬ ▬▬▬ ▬▬ ▬▬▬▬ ▬ ▬▬▬ ▬▬▬ ▬▬ ▬▬▬▬ ▬ ▬▬▬

A. DOUGLAS GRAY
DENTAL SURGEONS

▬▬▬ ▬▬ ▬▬▬▬ ▬ ▬▬▬ ▬▬▬ ▬▬ ▬▬▬▬ ▬ ▬▬▬ ▬▬▬ ▬▬ ▬▬▬▬ ▬ ▬▬▬ ▬▬▬ ▬▬ ▬▬▬▬ ▬ ▬▬▬ ▬▬▬ ▬▬ ▬▬▬▬ ▬ ▬▬▬ ▬▬▬ ▬▬ ▬▬▬▬ ▬ ▬▬▬ ▬▬▬ ▬▬ ▬▬▬▬ ▬ ▬▬▬ ▬▬▬ ▬▬ ▬▬▬▬ ▬ ▬▬▬ ▬▬▬ ▬▬ ▬▬▬▬ ▬ ▬▬▬

MONEY TO LEND.

▬▬▬ ▬▬ ▬▬▬▬ ▬ ▬▬▬ ▬▬▬ ▬▬ ▬▬▬▬ ▬ ▬▬▬ ▬▬▬ ▬▬ ▬▬▬▬ ▬ ▬▬▬ ▬▬▬ ▬▬ ▬▬▬▬ ▬ ▬▬▬ ▬▬▬ ▬▬ ▬▬▬▬ ▬ ▬▬▬ ▬▬▬ ▬▬ ▬▬▬▬ ▬ ▬▬▬ ▬▬▬ ▬▬ ▬▬▬▬ ▬ ▬▬▬ ▬▬▬ ▬▬ ▬▬▬▬ ▬

MR A. H. COLLINS,
SURGEON DENTIST.

▬▬▬ ▬▬ ▬▬▬▬ ▬ ▬▬▬ ▬▬▬ ▬▬ ▬▬▬▬ ▬ ▬▬▬ ▬▬▬ ▬▬ ▬▬▬▬ ▬ ▬▬▬ ▬▬▬ ▬▬ ▬▬▬▬ ▬ ▬▬▬ ▬▬▬ ▬▬ ▬▬▬▬ ▬ ▬▬▬ ▬▬▬ ▬▬ ▬▬▬▬ ▬ ▬▬▬ ▬▬▬ ▬▬ ▬▬▬▬ ▬ ▬▬▬ ▬▬▬ ▬▬ ▬▬▬▬ ▬

DENTAL NOTICE.
ESSE SPENCER BAYLEY,
SURGEON DENTIST.

▬▬▬ ▬▬ ▬▬▬▬ ▬ ▬▬▬ ▬▬▬ ▬▬ ▬▬▬▬ ▬ ▬▬▬ ▬▬▬ ▬▬ ▬▬▬▬ ▬ ▬▬▬ ▬▬▬ ▬▬ ▬▬▬▬ ▬ ▬▬▬ ▬▬▬ ▬▬ ▬▬▬▬ ▬ ▬▬▬ ▬▬▬ ▬▬ ▬▬▬▬ ▬ ▬▬▬ ▬▬▬ ▬▬ ▬▬▬▬ ▬ ▬▬▬ ▬▬▬ ▬▬ ▬▬▬▬ ▬ ▬▬▬ ▬▬▬ ▬▬ ▬▬▬▬ ▬ ▬▬▬

MALONE, MCVEAGH AND ANDERSON, SOLICITORS,

▬▬▬ ▬▬ ▬▬▬▬ ▬ ▬▬▬ ▬▬▬ ▬▬ ▬▬▬▬ ▬ ▬▬▬ ▬▬▬ ▬▬ ▬▬▬▬ ▬ ▬▬▬ ▬▬▬ ▬▬ ▬▬▬▬ ▬ ▬▬▬ ▬▬▬ ▬▬ ▬▬▬▬ ▬ ▬▬▬ ▬▬▬ ▬▬ ▬▬▬▬ ▬ ▬▬▬ ▬▬▬ ▬▬ ▬▬▬▬ ▬ ▬▬▬ ▬▬▬ ▬▬ ▬▬▬▬ ▬ ▬▬▬ ▬▬▬ ▬▬ ▬▬▬▬ ▬ ▬▬▬

JAMES SANDERSON
ARCHITECT.

▬▬▬ ▬▬ ▬▬▬▬ ▬ ▬▬▬ ▬▬▬ ▬▬ ▬▬▬▬ ▬ ▬▬▬ ▬▬▬ ▬▬ ▬▬▬▬ ▬ ▬▬▬ ▬▬▬ ▬▬ ▬▬▬▬ ▬ ▬▬▬ ▬▬▬ ▬▬ ▬▬▬▬ ▬ ▬▬▬ ▬▬▬ ▬▬ ▬▬▬▬

STANDISH AND KEENE

▬▬▬ ▬▬ ▬▬▬▬ ▬ ▬▬▬ ▬▬▬ ▬▬ ▬▬▬▬ ▬ ▬▬▬ ▬▬▬ ▬▬ ▬▬▬▬ ▬ ▬▬▬ ▬▬▬ ▬▬ ▬▬▬▬ ▬ ▬▬▬ ▬▬▬ ▬▬ ▬▬▬▬ ▬ ▬▬▬ ▬▬▬ ▬▬ ▬▬▬▬ ▬ ▬▬▬ ▬▬▬ ▬▬ ▬▬▬▬ ▬ ▬▬▬ ▬▬▬ ▬▬ ▬▬▬▬ ▬ ▬▬▬ ▬▬▬ ▬▬ ▬▬▬▬ ▬ ▬▬▬

WESTON AND WESTON,

▬▬▬ ▬▬ ▬▬▬▬ ▬ ▬▬▬ ▬▬▬ ▬▬ ▬▬▬▬ ▬ ▬▬▬ ▬▬▬ ▬▬ ▬▬▬▬ ▬ ▬▬▬ ▬▬▬ ▬▬ ▬▬▬▬ ▬ ▬▬▬ ▬▬▬ ▬▬ ▬▬▬▬ ▬ ▬▬▬ ▬▬▬ ▬▬ ▬▬▬▬ ▬ ▬▬▬ ▬▬▬ ▬▬ ▬▬▬▬ ▬ ▬▬▬ ▬▬▬ ▬▬ ▬▬▬▬ ▬ ▬▬▬ ▬▬▬ ▬▬ ▬▬▬▬ ▬ ▬▬▬ ▬▬▬ ▬▬ ▬▬▬▬ ▬ ▬▬▬ ▬▬▬ ▬▬ ▬▬▬▬ ▬ ▬▬▬ ▬▬▬

CORNWALL'S SCHOOL OF MUSIC.

▬▬▬ ▬▬ ▬▬▬▬ ▬ ▬▬▬ ▬▬▬ ▬▬ ▬▬▬▬ ▬ ▬▬▬ ▬▬▬ ▬▬ ▬▬▬▬ ▬ ▬▬▬ ▬▬▬ ▬▬ ▬▬▬▬ ▬ ▬▬▬ ▬▬▬ ▬▬ ▬▬▬▬ ▬ ▬▬▬ ▬▬▬ ▬▬ ▬▬▬▬ ▬ ▬▬▬ ▬▬▬ ▬▬ ▬▬▬▬ ▬ ▬▬▬ ▬▬▬ ▬▬ ▬▬▬▬ ▬ ▬▬▬ ▬▬▬ ▬▬ ▬▬▬▬ ▬ ▬▬▬ ▬▬▬ ▬▬ ▬▬▬▬ ▬ ▬▬▬ ▬▬▬ ▬▬ ▬▬▬▬ ▬ ▬▬▬ ▬▬▬

SALE OF FANCY GOODS.

▬▬▬ ▬▬ ▬▬▬▬ ▬ ▬▬▬ ▬▬▬ ▬▬ ▬▬▬▬ ▬ ▬▬▬ ▬▬▬ ▬▬ ▬▬▬▬ ▬ ▬▬▬ ▬▬▬ ▬▬ ▬▬▬▬ ▬ ▬▬▬ ▬▬▬ ▬▬ ▬▬▬▬ ▬ ▬▬▬ ▬▬▬ ▬▬ ▬▬▬▬ ▬ ▬▬▬ ▬▬▬ ▬▬ ▬▬▬▬ ▬ ▬▬▬ ▬▬▬ ▬▬ ▬▬▬▬ ▬ ▬▬▬ ▬▬▬ ▬▬ ▬▬▬▬ ▬ ▬▬▬ ▬▬▬ ▬▬ ▬▬▬▬ ▬ ▬▬▬ ▬▬▬ ▬▬ ▬▬▬▬ ▬ ▬▬▬ ▬▬▬ ▬▬ ▬▬▬▬ ▬ ▬▬▬ ▬▬▬ ▬▬ ▬▬▬▬ ▬ ▬▬▬ ▬▬▬ ▬▬ ▬▬▬▬ ▬ ▬▬▬ ▬▬▬ ▬▬ ▬▬▬▬ ▬ ▬▬▬ ▬▬▬ ▬▬ ▬▬▬▬ ▬ ▬▬▬ ▬▬▬ ▬▬ ▬▬▬▬ ▬ ▬▬▬ ▬▬▬ ▬▬ ▬▬▬▬ ▬ ▬▬▬ ▬▬▬ ▬▬ ▬▬▬▬ ▬ ▬▬▬ ▬▬▬ ▬▬ ▬▬▬▬ ▬ ▬▬▬ ▬▬▬ ▬▬ ▬▬▬▬ ▬ ▬▬▬ ▬▬▬ ▬▬ ▬▬▬▬ ▬ ▬▬▬ ▬▬▬ ▬▬ ▬▬▬▬ ▬ ▬▬▬ ▬▬▬ ▬▬

C. H. RETFORD,

▬▬▬ ▬▬ ▬▬▬▬ ▬ ▬▬▬ ▬▬▬ ▬▬ ▬▬▬▬ ▬ ▬▬▬ ▬▬▬ ▬▬ ▬▬▬▬ ▬ ▬▬▬ ▬▬▬ ▬▬ ▬▬▬▬ ▬ ▬▬▬ ▬▬▬ ▬▬ ▬▬▬▬ ▬ ▬▬▬ ▬▬▬ ▬▬ ▬▬▬▬ ▬ ▬▬▬ ▬▬▬ ▬▬ ▬▬▬▬

PIANO TUNING.

▬▬▬ ▬▬ ▬▬▬▬ ▬ ▬▬▬ ▬▬▬ ▬▬ ▬▬▬▬ ▬ ▬▬▬ ▬▬▬ ▬▬ ▬▬▬▬ ▬ ▬▬▬ ▬▬▬ ▬▬ ▬▬▬▬ ▬ ▬▬▬ ▬▬▬ ▬▬ ▬▬▬▬ ▬ ▬▬▬ ▬▬▬ ▬▬ ▬▬▬▬ ▬ ▬▬▬ ▬▬▬ ▬▬ ▬▬▬▬ ▬ ▬▬▬ ▬▬▬ ▬▬ ▬▬▬▬ ▬ ▬▬▬ ▬▬▬ ▬▬ ▬▬▬▬ ▬ ▬▬▬ ▬▬▬ ▬▬ ▬▬▬▬ ▬ ▬▬▬ ▬▬▬ ▬▬ ▬▬▬▬ ▬ ▬▬▬ ▬▬▬ ▬▬ ▬▬▬▬ ▬ ▬▬▬ ▬▬▬ ▬▬ ▬▬▬▬ ▬ ▬▬▬ ▬▬▬ ▬▬

INCANDESCENT BURNERS,
IF KEPT CLEAN, CAN'T BE BEATEN
DEATH.

▬▬▬ ▬▬ ▬▬▬▬ ▬ ▬▬▬ ▬▬▬ ▬▬ ▬▬▬▬ ▬ ▬▬▬ ▬▬▬ ▬▬ ▬▬▬▬ ▬ ▬▬▬ ▬▬▬ ▬▬ ▬▬▬▬ ▬ ▬▬▬ ▬▬▬ ▬▬ ▬▬▬▬ ▬ ▬▬▬ ▬▬▬ ▬▬ ▬▬▬▬ ▬ ▬▬▬ ▬▬▬ ▬▬ ▬▬▬▬ ▬ ▬▬▬ ▬▬▬ ▬▬ ▬▬▬▬ ▬ ▬▬▬ ▬▬▬ ▬▬ ▬▬▬▬ ▬ ▬▬▬ ▬▬▬ ▬▬ ▬▬▬▬ ▬ ▬▬▬ ▬▬▬ ▬▬ ▬▬▬▬ ▬ ▬▬▬ ▬▬▬

The Daily News
MONDAY, APRIL 9.
MAORI FARMERS.

▬▬▬ ▬▬ ▬▬▬▬ ▬ ▬▬▬ ▬▬▬ ▬▬ ▬▬▬▬ ▬ ▬▬▬ ▬▬▬ ▬▬ ▬▬▬▬ ▬ ▬▬▬ ▬▬▬ ▬▬ ▬▬▬▬ ▬ ▬▬▬ ▬▬▬ ▬▬ ▬▬▬▬ ▬ ▬▬▬ ▬▬▬ ▬▬ ▬▬▬▬ ▬ ▬▬▬ ▬▬▬ ▬▬ ▬▬▬▬ ▬ ▬▬▬ ▬▬▬ ▬▬ ▬▬▬▬ ▬ ▬▬▬ ▬▬▬ ▬▬ ▬▬▬▬ ▬ ▬▬▬ ▬▬▬ ▬▬ ▬▬▬▬ ▬ ▬▬▬ ▬▬▬ ▬▬ ▬▬▬▬ ▬ ▬▬▬ ▬▬▬ ▬▬ ▬▬▬▬ ▬ ▬▬▬ ▬▬▬ ▬▬ ▬▬▬▬ ▬ ▬▬▬ ▬▬▬ ▬▬ ▬▬▬▬ ▬ ▬▬▬ ▬▬▬ ▬▬ ▬▬▬▬ ▬ ▬▬▬ ▬▬▬ ▬▬ ▬▬▬▬ ▬ ▬▬▬ ▬▬▬ ▬▬ ▬▬▬▬ ▬ ▬▬▬ ▬▬▬ ▬▬ ▬▬▬▬ ▬ ▬▬▬ ▬▬▬ ▬▬ ▬▬▬▬ ▬ ▬▬▬ ▬▬▬ ▬▬ ▬▬▬▬ ▬ ▬▬▬ ▬▬▬ ▬▬ ▬▬▬▬ ▬ ▬▬▬ ▬▬▬ ▬▬ ▬▬▬▬ ▬ ▬▬▬ ▬▬▬ ▬▬ ▬▬▬▬ ▬ ▬▬▬ ▬▬▬ ▬▬ ▬▬▬▬ ▬ ▬▬▬ ▬▬▬ ▬▬ ▬▬▬▬ ▬ ▬▬▬ ▬▬▬ ▬▬ ▬▬▬▬ ▬ ▬▬▬ ▬▬▬ ▬▬ ▬▬▬▬ ▬ ▬▬▬ ▬▬▬ ▬▬ ▬▬▬▬ ▬ ▬▬▬ ▬▬▬ ▬▬ ▬▬▬▬ ▬ ▬▬▬ ▬▬▬ ▬▬ ▬▬▬▬ ▬ ▬▬▬ ▬▬▬ ▬▬ ▬▬▬▬ ▬ ▬▬▬ ▬▬▬ ▬▬ ▬▬▬▬ ▬ ▬▬▬ ▬▬▬ ▬▬ ▬▬▬▬ ▬ ▬▬▬ ▬▬▬ ▬▬ ▬▬▬▬ ▬ ▬▬▬ ▬▬▬ ▬▬ ▬▬▬▬ ▬ ▬▬▬ ▬▬▬ ▬▬ ▬▬▬▬ ▬ ▬▬▬ ▬▬▬ ▬▬ ▬▬▬▬ ▬ ▬▬▬ ▬▬▬ ▬▬ ▬▬▬▬ ▬ ▬▬▬ ▬▬▬ ▬▬ ▬▬▬▬ ▬ ▬▬▬ ▬▬▬ ▬▬ ▬▬▬▬ ▬ ▬▬▬ ▬▬▬ ▬▬ ▬▬▬▬ ▬ ▬▬▬ ▬▬▬ ▬▬ ▬▬▬▬ ▬ ▬▬▬ ▬▬▬ ▬▬ ▬▬▬▬ ▬ ▬▬▬ ▬▬▬ ▬▬ ▬▬▬▬ ▬ ▬▬▬ ▬▬▬ ▬▬ ▬▬▬▬ ▬ ▬▬▬ ▬▬▬ ▬▬ ▬▬▬▬ ▬ ▬▬▬ ▬▬▬ ▬▬ ▬▬▬▬ ▬ ▬▬▬ ▬▬▬ ▬▬ ▬▬▬▬ ▬ ▬▬▬ ▬▬▬ ▬▬ ▬▬▬▬ ▬ ▬▬▬ ▬▬▬ ▬▬ ▬▬▬▬ ▬ ▬▬▬ ▬▬▬ ▬▬ ▬▬▬▬ ▬ ▬▬▬ ▬▬▬ ▬▬ ▬▬▬▬ ▬ ▬▬▬ ▬▬▬ ▬▬ ▬▬▬▬ ▬ ▬▬▬ ▬▬▬ ▬▬ ▬▬▬▬ ▬ ▬▬▬ ▬▬▬ ▬▬ ▬▬▬▬ ▬ ▬▬▬ ▬▬▬ ▬▬ ▬▬▬▬ ▬ ▬▬▬ ▬▬▬ ▬▬ ▬▬▬▬ ▬ ▬▬▬ ▬▬▬ ▬▬ ▬▬▬▬ ▬ ▬▬▬ ▬▬▬ ▬▬ ▬▬▬▬ ▬ ▬▬▬ ▬▬▬ ▬▬ ▬▬▬▬ ▬ ▬▬▬ ▬▬▬ ▬▬ ▬▬▬▬ ▬ ▬▬▬ ▬▬▬ ▬▬ ▬▬▬▬ ▬ ▬▬▬ ▬▬▬ ▬▬ ▬▬▬▬ ▬ ▬▬▬ ▬▬▬ ▬▬ ▬▬▬▬ ▬ ▬▬▬ ▬▬▬ ▬▬ ▬▬▬▬ ▬ ▬▬▬ ▬▬▬ ▬▬ ▬▬▬▬ ▬ ▬▬▬ ▬▬▬ ▬▬ ▬▬▬▬ ▬ ▬▬▬ ▬▬▬ ▬▬ ▬▬▬▬ ▬ ▬▬▬ ▬▬▬ ▬▬ ▬▬▬▬ ▬ ▬▬▬ ▬▬▬ ▬▬ ▬▬▬▬ ▬ ▬▬▬ ▬▬▬ ▬▬ ▬▬▬▬ ▬ ▬▬▬ ▬▬▬ ▬▬ ▬▬▬▬ ▬ ▬▬▬ ▬▬▬ ▬▬ ▬▬▬▬ ▬ ▬▬▬ ▬▬▬ ▬▬ ▬▬▬▬ ▬ ▬▬▬ ▬▬▬ ▬▬ ▬▬▬▬ ▬ ▬▬▬ ▬▬▬ ▬▬ ▬▬▬▬ ▬ ▬▬▬ ▬▬▬ ▬▬ ▬▬▬▬ ▬ ▬▬▬ ▬▬▬ ▬▬ ▬▬▬▬ ▬ ▬▬▬ ▬▬▬ ▬▬ ▬▬▬▬ ▬ ▬▬▬ ▬▬▬ ▬▬ ▬▬▬▬ ▬ ▬▬▬ ▬▬▬ ▬▬ ▬▬▬▬ ▬ ▬▬▬ ▬▬▬ ▬▬ ▬▬▬▬ ▬ ▬▬▬ ▬▬▬ ▬▬ ▬▬▬▬ ▬ ▬▬▬ ▬▬▬ ▬▬ ▬▬▬▬ ▬ ▬▬▬ ▬▬▬ ▬▬ ▬▬▬▬ ▬ ▬▬▬ ▬▬▬ ▬▬ ▬▬▬▬ ▬ ▬▬▬ ▬▬▬ ▬▬ ▬▬▬▬ ▬ ▬▬▬ ▬▬▬ ▬▬ ▬▬▬▬ ▬ ▬▬▬ ▬▬▬ ▬▬ ▬▬▬▬ ▬ ▬▬▬ ▬▬▬ ▬▬ ▬▬▬▬ ▬ ▬▬▬ ▬▬▬ ▬▬ ▬▬▬▬ ▬ ▬▬▬ ▬▬▬ ▬▬ ▬▬▬▬ ▬ ▬▬▬ ▬▬▬ ▬▬ ▬▬▬▬ ▬ ▬▬▬ ▬▬▬ ▬▬ ▬▬▬▬ ▬ ▬▬▬ ▬▬▬ ▬▬ ▬▬▬▬ ▬ ▬▬▬ ▬▬▬ ▬▬ ▬▬▬▬ ▬ ▬▬▬ ▬▬▬ ▬▬ ▬▬▬▬ ▬ ▬▬▬ ▬▬▬ ▬▬ ▬▬▬▬ ▬ ▬▬▬ ▬▬▬ ▬▬ ▬▬▬▬ ▬ ▬▬▬ ▬▬▬ ▬▬ ▬▬▬▬ ▬ ▬▬▬ ▬▬▬ ▬▬ ▬▬▬▬ ▬ ▬▬▬ ▬▬▬ ▬▬ ▬▬▬▬ ▬ ▬▬▬ ▬▬▬ ▬▬ ▬▬▬▬ ▬ ▬▬▬ ▬▬▬ ▬▬ ▬▬▬▬ ▬ ▬▬▬ ▬▬▬ ▬▬ ▬▬▬▬ ▬ ▬▬▬ ▬▬▬ ▬▬ ▬▬▬▬ ▬ ▬▬▬ ▬▬▬ ▬▬ ▬▬▬▬ ▬ ▬▬▬ ▬▬▬ ▬▬ ▬▬▬▬ ▬ ▬▬▬ ▬▬▬ ▬▬ ▬▬▬▬ ▬ ▬▬▬ ▬▬▬ ▬▬ ▬▬▬▬ ▬ ▬▬▬ ▬▬▬ ▬▬ ▬▬▬▬ ▬ ▬▬▬ ▬▬▬ ▬▬ ▬▬▬▬ ▬ ▬▬▬ ▬▬▬ ▬▬ ▬▬▬▬ ▬ ▬▬▬ ▬▬▬ ▬▬ ▬▬▬▬ ▬ ▬▬▬ ▬▬▬ ▬▬ ▬▬▬▬ ▬ ▬▬▬ ▬▬▬ ▬▬ ▬▬▬▬ ▬ ▬▬▬ ▬▬▬ ▬▬ ▬▬▬▬ ▬ ▬▬▬ ▬▬▬ ▬▬ ▬▬▬▬ ▬ ▬▬▬ ▬▬▬ ▬▬ ▬▬▬▬ ▬ ▬▬▬ ▬▬▬ ▬▬ ▬▬▬▬ ▬ ▬▬▬ ▬▬▬ ▬▬ ▬▬▬▬ ▬ ▬▬▬ ▬▬▬ ▬▬ ▬▬▬▬ ▬ ▬▬▬ ▬▬▬ ▬▬ ▬▬▬▬ ▬ ▬▬▬ ▬▬▬ ▬▬ ▬▬▬▬ ▬ ▬▬▬ ▬▬▬ ▬▬ ▬▬▬▬ ▬ ▬▬▬ ▬▬▬ ▬▬ ▬▬▬▬ ▬ ▬▬▬ ▬▬▬ ▬▬ ▬▬▬▬ ▬ ▬▬▬ ▬▬▬ ▬▬ ▬▬▬▬ ▬ ▬▬▬ ▬▬▬ ▬▬ ▬▬▬▬ ▬ ▬▬▬ ▬▬▬ ▬▬ ▬▬▬▬ ▬ ▬▬▬ ▬▬▬ ▬▬ ▬▬▬▬ ▬ ▬▬▬ ▬▬▬ ▬▬ ▬▬▬▬ ▬ ▬▬▬ ▬▬▬ ▬▬ ▬▬▬▬ ▬ ▬▬▬ ▬▬▬ ▬▬ ▬▬▬▬ ▬ ▬▬▬ ▬▬▬ ▬▬ ▬▬▬▬ ▬ ▬▬▬ ▬▬▬ ▬▬ ▬▬▬▬ ▬ ▬▬▬ ▬▬▬ ▬▬ ▬▬▬▬ ▬ ▬▬▬ ▬▬▬ ▬▬ ▬▬▬▬ ▬ ▬▬▬ ▬▬▬ ▬▬ ▬▬▬▬ ▬ ▬▬▬ ▬▬▬ ▬▬ ▬▬▬▬ ▬ ▬▬▬ ▬▬▬ ▬▬ ▬▬▬▬ ▬ ▬▬▬ ▬▬▬ ▬▬ ▬▬▬▬ ▬ ▬▬▬ ▬▬▬ ▬▬ ▬▬▬▬ ▬ ▬▬▬ ▬▬▬ ▬▬ ▬▬▬▬ ▬ ▬▬▬ ▬▬▬ ▬▬ ▬▬▬▬ ▬ ▬▬▬ ▬▬▬ ▬▬ ▬▬▬▬ ▬ ▬▬▬ ▬▬▬ ▬▬ ▬▬▬▬ ▬ ▬▬▬ ▬▬▬ ▬▬ ▬▬▬▬ ▬ ▬▬▬ ▬▬▬ ▬▬ ▬▬▬▬ ▬ ▬▬▬ ▬▬▬ ▬▬ ▬▬▬▬ ▬ ▬▬▬ ▬▬▬ ▬▬ ▬▬▬▬ ▬ ▬▬▬ ▬▬▬ ▬▬ ▬▬▬▬ ▬ ▬▬▬ ▬▬▬ ▬▬ ▬▬▬▬ ▬ ▬▬▬ ▬▬▬ ▬▬ ▬▬▬▬ ▬ ▬▬▬ ▬▬▬ ▬▬ ▬▬▬▬ ▬ ▬▬▬ ▬▬▬ ▬▬ ▬▬▬▬ ▬ ▬▬▬ ▬▬▬ ▬▬ ▬▬▬▬ ▬ ▬▬▬ ▬▬▬ ▬▬ ▬▬▬▬ ▬ ▬▬▬ ▬▬▬ ▬▬ ▬▬▬▬ ▬ ▬▬▬ ▬▬▬ ▬▬ ▬▬▬▬ ▬ ▬▬▬ ▬▬▬ ▬▬ ▬▬▬▬ ▬ ▬▬▬ ▬▬▬ ▬▬ ▬▬▬▬ ▬ ▬▬▬ ▬▬▬ ▬▬ ▬▬▬▬ ▬ ▬▬▬ ▬▬▬ ▬▬ ▬▬▬▬ ▬ ▬▬▬ ▬▬▬ ▬▬ ▬▬▬▬ ▬ ▬▬▬ ▬▬▬ ▬▬ ▬▬▬▬ ▬ ▬▬▬ ▬▬▬ ▬▬ ▬▬▬▬ ▬ ▬▬▬ ▬▬▬ ▬▬ ▬▬▬▬ ▬ ▬▬▬ ▬▬▬ ▬▬ ▬▬▬▬ ▬ ▬▬▬ ▬▬▬ ▬▬ ▬▬▬▬ ▬ ▬▬▬ ▬▬▬ ▬▬ ▬▬▬▬ ▬ ▬▬▬ ▬▬▬ ▬▬ ▬▬▬▬ ▬ ▬▬▬ ▬▬▬ ▬▬ ▬▬▬▬ ▬ ▬▬▬ ▬▬▬ ▬▬ ▬▬▬▬ ▬ ▬▬▬ ▬▬▬ ▬▬ ▬▬▬▬ ▬ ▬▬▬ ▬▬▬ ▬▬ ▬▬▬▬ ▬ ▬▬▬ ▬▬▬ ▬▬ ▬▬▬▬ ▬ ▬▬▬ ▬▬▬ ▬▬ ▬▬▬▬ ▬ ▬▬▬ ▬▬▬ ▬▬ ▬▬▬▬ ▬ ▬▬▬ ▬▬▬ ▬▬ ▬▬▬▬ ▬ ▬▬▬ ▬▬▬ ▬▬ ▬▬▬▬ ▬ ▬▬▬ ▬▬▬ ▬▬ ▬▬▬▬ ▬ ▬▬▬ ▬▬▬ ▬▬ ▬▬▬▬ ▬ ▬▬▬ ▬▬▬ ▬▬ ▬▬▬▬ ▬ ▬▬▬ ▬▬▬ ▬▬ ▬▬▬▬ ▬ ▬▬▬ ▬▬▬ ▬▬ ▬▬▬▬ ▬ ▬▬▬ ▬▬▬ ▬▬ ▬▬▬▬ ▬ ▬▬▬ ▬▬▬ ▬▬ ▬▬▬▬ ▬ ▬▬▬ ▬▬▬ ▬▬ ▬▬▬▬ ▬ ▬▬▬ ▬▬▬ ▬▬ ▬▬▬▬ ▬ ▬▬▬ ▬▬▬ ▬▬ ▬▬▬▬ ▬ ▬▬▬ ▬▬▬ ▬▬ ▬▬▬▬ ▬ ▬▬▬ ▬▬▬ ▬▬ ▬▬▬▬ ▬ ▬▬▬ ▬▬▬ ▬▬ ▬▬▬▬ ▬ ▬▬▬ ▬▬▬ ▬▬ ▬▬▬▬ ▬ ▬▬▬ ▬▬▬ ▬▬ ▬▬▬▬ ▬ ▬▬▬ ▬▬▬ ▬▬ ▬▬▬▬ ▬ ▬▬▬ ▬▬▬ ▬▬ ▬▬▬▬ ▬ ▬▬▬ ▬▬▬ ▬▬ ▬▬▬▬ ▬ ▬▬▬ ▬▬▬ ▬▬ ▬▬▬▬ ▬ ▬▬▬ ▬▬▬ ▬▬ ▬▬▬▬ ▬ ▬▬▬ ▬▬▬ ▬▬ ▬▬▬▬ ▬ ▬▬▬ ▬▬▬ ▬▬ ▬▬▬▬ ▬ ▬▬▬ ▬▬▬ ▬▬ ▬▬▬▬ ▬ ▬▬▬ ▬▬▬ ▬▬ ▬▬▬▬ ▬ ▬▬▬ ▬▬▬ ▬▬ ▬▬▬▬ ▬ ▬▬▬ ▬▬▬ ▬▬ ▬▬▬▬ ▬ ▬▬▬ ▬▬▬ ▬▬ ▬▬▬▬ ▬ ▬▬▬ ▬▬▬ ▬▬ ▬▬▬▬ ▬ ▬▬▬ ▬▬▬ ▬▬ ▬▬▬▬ ▬ ▬▬▬ ▬▬▬ ▬▬ ▬▬▬▬ ▬ ▬▬▬ ▬▬▬

LOCAL AND GENERAL.

▬▬▬ ▬▬ ▬▬▬▬ ▬ ▬▬▬ ▬▬▬ ▬▬ ▬▬▬▬ ▬ ▬▬▬ ▬▬▬ ▬▬ ▬▬▬▬ ▬ ▬▬▬ ▬▬▬ ▬▬ ▬▬▬▬ ▬ ▬▬▬ ▬▬▬ ▬▬ ▬▬▬▬ ▬ ▬▬▬ ▬▬▬ ▬▬ ▬▬▬▬ ▬ ▬▬▬ ▬▬▬ ▬▬ ▬▬▬▬ ▬ ▬▬▬ ▬▬▬ ▬▬ ▬▬▬▬ ▬ ▬▬▬ ▬▬▬ ▬▬ ▬▬▬▬ ▬ ▬▬▬ ▬▬▬ ▬▬ ▬▬▬▬ ▬ ▬▬▬ ▬▬▬ ▬▬ ▬▬▬▬ ▬ ▬▬▬ ▬▬▬ ▬▬ ▬▬▬▬ ▬ ▬▬▬ ▬▬▬ ▬▬ ▬▬▬▬ ▬ ▬▬▬ ▬▬▬ ▬▬ ▬▬▬▬ ▬ ▬▬▬ ▬▬▬ ▬▬ ▬▬▬▬ ▬ ▬▬▬ ▬▬▬ ▬▬ ▬▬▬▬ ▬ ▬▬▬ ▬▬▬ ▬▬ ▬▬▬▬ ▬ ▬▬▬ ▬▬▬ ▬▬ ▬▬▬▬ ▬ ▬▬▬ ▬▬▬ ▬▬ ▬▬▬▬ ▬ ▬▬▬ ▬▬▬ ▬▬ ▬▬▬▬ ▬ ▬▬▬ ▬▬▬ ▬▬ ▬▬▬▬ ▬ ▬▬▬ ▬▬▬ ▬▬ ▬▬▬▬ ▬ ▬▬▬ ▬▬▬ ▬▬ ▬▬▬▬ ▬ ▬▬▬ ▬▬▬ ▬▬ ▬▬▬▬ ▬ ▬▬▬ ▬▬▬ ▬▬ ▬▬▬▬ ▬ ▬▬▬ ▬▬▬ ▬▬ ▬▬▬▬ ▬ ▬▬▬ ▬▬▬ ▬▬ ▬▬▬▬ ▬ ▬▬▬ ▬▬▬ ▬▬ ▬▬▬▬ ▬ ▬▬▬ ▬▬▬ ▬▬ ▬▬▬▬ ▬ ▬▬▬ ▬▬▬ ▬▬ ▬▬▬▬ ▬ ▬▬▬ ▬▬▬ ▬▬ ▬▬▬▬ ▬ ▬▬▬ ▬▬▬ ▬▬ ▬▬▬▬ ▬ ▬▬▬ ▬▬▬ ▬▬ ▬▬▬▬ ▬ ▬▬▬ ▬▬▬ ▬▬ ▬▬▬▬ ▬ ▬▬▬ ▬▬▬ ▬▬ ▬▬▬▬ ▬ ▬▬▬ ▬▬▬ ▬▬ ▬▬▬▬ ▬ ▬▬▬ ▬▬▬ ▬▬ ▬▬▬▬ ▬ ▬▬▬ ▬▬▬ ▬▬ ▬▬▬▬ ▬ ▬▬▬ ▬▬▬ ▬▬ ▬▬▬▬ ▬ ▬▬▬ ▬▬▬ ▬▬ ▬▬▬▬ ▬ ▬▬▬ ▬▬▬ ▬▬ ▬▬▬▬ ▬ ▬▬▬ ▬▬▬ ▬▬ ▬▬▬▬ ▬ ▬▬▬ ▬▬▬ ▬▬ ▬▬▬▬ ▬ ▬▬▬ ▬▬▬ ▬▬ ▬▬▬▬ ▬ ▬▬▬ ▬▬▬ ▬▬ ▬▬▬▬ ▬ ▬▬▬ ▬▬▬ ▬▬ ▬▬▬▬ ▬ ▬▬▬ ▬▬▬ ▬▬ ▬▬▬▬ ▬ ▬▬▬ ▬▬▬ ▬▬ ▬▬▬▬ ▬ ▬▬▬ ▬▬▬ ▬▬ ▬▬▬▬ ▬ ▬▬▬ ▬▬▬ ▬▬ ▬▬▬▬ ▬ ▬▬▬ ▬▬▬ ▬▬ ▬▬▬▬ ▬ ▬▬▬ ▬▬▬ ▬▬ ▬▬▬▬ ▬ ▬▬▬ ▬▬▬ ▬▬ ▬▬▬▬ ▬ ▬▬▬ ▬▬▬ ▬▬ ▬▬▬▬ ▬ ▬▬▬ ▬▬▬ ▬▬ ▬▬▬▬ ▬ ▬▬▬ ▬▬▬ ▬▬ ▬▬▬▬ ▬ ▬▬▬ ▬▬▬ ▬▬ ▬▬▬▬ ▬ ▬▬▬ ▬▬▬ ▬▬ ▬▬▬▬ ▬ ▬▬▬ ▬▬▬ ▬▬ ▬▬▬▬ ▬ ▬▬▬ ▬▬▬ ▬▬ ▬▬▬▬ ▬ ▬▬▬ ▬▬▬ ▬▬ ▬▬▬▬ ▬ ▬▬▬ ▬▬▬ ▬▬ ▬▬▬▬ ▬ ▬▬▬ ▬▬▬ ▬▬ ▬▬▬▬ ▬ ▬▬▬ ▬▬▬ ▬▬ ▬▬▬▬ ▬ ▬▬▬ ▬▬▬ ▬▬ ▬▬▬▬ ▬ ▬▬▬ ▬▬▬ ▬▬ ▬▬▬▬ ▬ ▬▬▬ ▬▬▬ ▬▬ ▬▬▬▬ ▬ ▬▬▬ ▬▬▬ ▬▬ ▬▬▬▬ ▬ ▬▬▬ ▬▬▬ ▬▬ ▬▬▬▬ ▬ ▬▬▬ ▬▬▬ ▬▬ ▬▬▬▬ ▬ ▬▬▬ ▬▬▬ ▬▬ ▬▬▬▬ ▬ ▬▬▬ ▬▬▬ ▬▬ ▬▬▬▬ ▬ ▬▬▬ ▬▬▬ ▬▬ ▬▬▬▬ ▬ ▬▬▬ ▬▬▬ ▬▬ ▬▬▬▬ ▬ ▬▬▬ ▬▬▬ ▬▬ ▬▬▬▬ ▬ ▬▬▬ ▬▬▬ ▬▬ ▬▬▬▬ ▬ ▬▬▬ ▬▬▬ ▬▬ ▬▬▬▬ ▬ ▬▬▬ ▬▬▬ ▬▬ ▬▬▬▬ ▬ ▬▬▬ ▬▬▬ ▬▬ ▬▬▬▬ ▬ ▬▬▬ ▬▬▬ ▬▬ ▬▬▬▬ ▬ ▬▬▬ ▬▬▬ ▬▬ ▬▬▬▬ ▬ ▬▬▬ ▬▬▬ ▬▬ ▬▬▬▬ ▬ ▬▬▬ ▬▬▬ ▬▬ ▬▬▬▬ ▬ ▬▬▬ ▬▬▬ ▬▬ ▬▬▬▬ ▬ ▬▬▬ ▬▬▬ ▬▬ ▬▬▬▬ ▬ ▬▬▬ ▬▬▬ ▬▬ ▬▬▬▬ ▬ ▬▬▬ ▬▬▬ ▬▬ ▬▬▬▬ ▬ ▬▬▬ ▬▬▬ ▬▬ ▬▬▬▬ ▬ ▬▬▬ ▬▬▬ ▬▬ ▬▬▬▬ ▬ ▬▬▬ ▬▬▬ ▬▬ ▬▬▬▬ ▬ ▬▬▬ ▬▬▬ ▬▬ ▬▬▬▬ ▬ ▬▬▬ ▬▬▬ ▬▬ ▬▬▬▬ ▬ ▬▬▬ ▬▬▬ ▬▬ ▬▬▬▬ ▬ ▬▬▬ ▬▬▬ ▬▬ ▬▬▬▬ ▬ ▬▬▬ ▬▬▬ ▬▬ ▬▬▬▬ ▬ ▬▬▬ ▬▬▬ ▬▬ ▬▬▬▬ ▬ ▬▬▬ ▬▬▬ ▬▬ ▬▬▬▬ ▬ ▬▬▬ ▬▬▬ ▬▬ ▬▬▬▬ ▬ ▬▬▬ ▬▬▬ ▬▬ ▬▬▬▬ ▬ ▬▬▬ ▬▬▬ ▬▬ ▬▬▬▬ ▬ ▬▬▬ ▬▬▬ ▬▬ ▬▬▬▬ ▬ ▬▬▬ ▬▬▬ ▬▬ ▬▬▬▬ ▬ ▬▬▬ ▬▬▬ ▬▬ ▬▬▬▬ ▬ ▬▬▬ ▬▬▬ ▬▬ ▬▬▬▬ ▬ ▬▬▬ ▬▬▬ ▬▬ ▬▬▬▬ ▬ ▬▬▬ ▬▬▬ ▬▬ ▬▬▬▬ ▬ ▬▬▬ ▬▬▬ ▬▬ ▬▬▬▬ ▬ ▬▬▬ ▬▬▬ ▬▬ ▬▬▬▬ ▬ ▬▬▬ ▬▬▬ ▬▬ ▬▬▬▬ ▬ ▬▬▬ ▬▬▬ ▬▬ ▬▬▬▬ ▬ ▬▬▬ ▬▬▬ ▬▬ ▬▬▬▬ ▬ ▬▬▬ ▬▬▬ ▬▬ ▬▬▬▬ ▬ ▬▬▬ ▬▬▬ ▬▬ ▬▬▬▬ ▬ ▬▬▬ ▬▬▬ ▬▬ ▬▬▬▬ ▬ ▬▬▬ ▬▬▬ ▬▬ ▬▬▬▬ ▬ ▬▬▬ ▬▬▬ ▬▬ ▬▬▬▬ ▬ ▬▬▬ ▬▬▬ ▬▬ ▬▬▬▬ ▬ ▬▬▬ ▬▬▬ ▬▬ ▬▬▬▬ ▬ ▬▬▬ ▬▬▬ ▬▬ ▬▬▬▬ ▬ ▬▬▬ ▬▬▬ ▬▬ ▬▬▬▬ ▬ ▬▬▬ ▬▬▬ ▬▬ ▬▬▬▬ ▬ ▬▬▬ ▬▬▬ ▬▬ ▬▬▬▬ ▬ ▬▬▬ ▬▬▬ ▬▬ ▬▬▬▬ ▬ ▬▬▬ ▬▬▬ ▬▬ ▬▬▬▬ ▬ ▬▬▬ ▬▬▬ ▬▬ ▬▬▬▬ ▬ ▬▬▬ ▬▬▬ ▬▬ ▬▬▬▬ ▬ ▬▬▬ ▬▬▬ ▬▬ ▬▬▬▬ ▬ ▬▬▬ ▬▬▬ ▬▬ ▬▬▬▬ ▬ ▬▬▬ ▬▬▬ ▬▬ ▬▬▬▬ ▬ ▬▬▬ ▬▬▬ ▬▬ ▬▬▬▬ ▬ ▬▬▬ ▬▬▬ ▬▬ ▬▬▬▬ ▬ ▬▬▬ ▬▬▬ ▬▬ ▬▬▬▬ ▬ ▬▬▬ ▬▬▬ ▬▬ ▬▬▬▬ ▬ ▬▬▬ ▬▬▬ ▬▬ ▬▬▬▬ ▬ ▬▬▬ ▬▬▬ ▬▬ ▬▬▬▬ ▬ ▬▬▬ ▬▬▬ ▬▬ ▬▬▬▬ ▬ ▬▬▬ ▬▬▬ ▬▬ ▬▬▬▬ ▬ ▬▬▬ ▬▬▬ ▬▬ ▬▬▬▬ ▬ ▬▬▬ ▬▬▬ ▬▬ ▬▬▬▬ ▬ ▬▬▬ ▬▬▬ ▬▬ ▬▬▬▬ ▬ ▬▬▬ ▬▬▬ ▬▬ ▬▬▬▬ ▬ ▬▬▬ ▬▬▬ ▬▬ ▬▬▬▬ ▬ ▬▬▬ ▬▬▬ ▬▬ ▬▬▬▬ ▬ ▬▬▬ ▬▬▬ ▬▬ ▬▬▬▬ ▬ ▬▬▬ ▬▬▬ ▬▬ ▬▬▬▬ ▬ ▬▬▬ ▬▬▬ ▬▬ ▬▬▬▬ ▬ ▬▬▬ ▬▬▬ ▬▬ ▬▬▬▬ ▬ ▬▬▬ ▬▬▬ ▬▬ ▬▬▬▬ ▬ ▬▬▬ ▬▬▬ ▬▬ ▬▬▬▬ ▬ ▬▬▬ ▬▬▬ ▬▬ ▬▬▬▬ ▬ ▬▬▬ ▬▬▬ ▬▬ ▬▬▬▬ ▬ ▬▬▬ ▬▬▬ ▬▬ ▬▬▬▬ ▬ ▬▬▬ ▬▬▬ ▬▬ ▬▬▬▬ ▬ ▬▬▬ ▬▬▬ ▬▬ ▬▬▬▬ ▬ ▬▬▬ ▬▬▬ ▬▬ ▬▬▬▬ ▬ ▬▬▬ ▬▬▬ ▬▬ ▬▬▬▬ ▬ ▬▬▬ ▬▬▬ ▬▬ ▬▬▬▬ ▬ ▬▬▬ ▬▬▬ ▬▬ ▬▬▬▬ ▬ ▬▬▬ ▬▬▬ ▬▬ ▬▬▬▬ ▬ ▬▬▬ ▬▬▬ ▬▬ ▬▬▬▬ ▬ ▬▬▬ ▬▬▬ ▬▬ ▬▬▬▬ ▬ ▬▬▬ ▬▬▬ ▬▬ ▬▬▬▬ ▬ ▬▬▬ ▬▬▬ ▬▬ ▬▬▬▬ ▬ ▬▬▬ ▬▬▬ ▬▬ ▬▬▬▬ ▬ ▬▬▬ ▬▬▬ ▬▬ ▬▬▬▬ ▬ ▬▬▬ ▬▬▬ ▬▬ ▬▬▬▬ ▬ ▬▬▬ ▬▬▬ ▬▬ ▬▬▬▬ ▬ ▬▬▬ ▬▬▬ ▬▬ ▬▬▬▬ ▬ ▬▬▬ ▬▬▬ ▬▬ ▬▬▬▬ ▬ ▬▬▬ ▬▬▬ ▬▬ ▬▬▬▬ ▬ ▬▬▬ ▬▬▬ ▬▬ ▬▬▬▬ ▬ ▬▬▬ ▬▬▬ ▬▬ ▬▬▬▬ ▬ ▬▬▬ ▬▬▬ ▬▬ ▬▬▬▬ ▬ ▬▬▬ ▬▬▬ ▬▬ ▬▬▬▬ ▬ ▬▬▬ ▬▬▬ ▬▬ ▬▬▬▬ ▬ ▬▬▬ ▬▬▬ ▬▬ ▬▬▬▬ ▬ ▬▬▬ ▬▬▬ ▬▬ ▬▬▬▬ ▬ ▬▬▬ ▬▬▬ ▬▬ ▬▬▬▬ ▬ ▬▬▬ ▬▬▬ ▬▬ ▬▬▬▬ ▬ ▬▬▬ ▬▬▬ ▬▬ ▬▬▬▬ ▬ ▬▬▬ ▬▬▬ ▬▬ ▬▬▬▬ ▬ ▬▬▬ ▬▬▬ ▬▬ ▬▬▬▬ ▬ ▬▬▬ ▬▬▬ ▬▬ ▬▬▬▬ ▬ ▬▬▬ ▬▬▬ ▬▬ ▬▬▬▬ ▬ ▬▬▬ ▬▬▬ ▬▬ ▬▬▬▬ ▬ ▬▬▬ ▬▬▬ ▬▬ ▬▬▬▬ ▬ ▬▬▬ ▬▬▬ ▬▬ ▬▬▬▬ ▬ ▬▬▬ ▬▬▬ ▬▬ ▬▬▬▬ ▬ ▬▬▬ ▬▬▬ ▬▬ ▬▬▬▬ ▬ ▬▬▬ ▬▬▬ ▬▬ ▬▬▬▬ ▬ ▬▬▬ ▬▬▬ ▬▬ ▬▬▬▬ ▬ ▬▬▬ ▬▬▬ ▬▬ ▬▬▬▬ ▬ ▬▬▬ ▬▬▬ ▬▬ ▬▬▬▬ ▬ ▬▬▬ ▬▬▬ ▬▬ ▬▬▬▬ ▬ ▬▬▬ ▬▬▬ ▬▬ ▬▬▬▬ ▬ ▬▬▬ ▬▬▬ ▬▬ ▬▬▬▬ ▬ ▬▬▬ ▬▬▬ ▬▬ ▬▬▬▬ ▬ ▬▬▬ ▬▬▬ ▬▬ ▬▬▬▬ ▬ ▬▬▬ ▬▬▬ ▬▬ ▬▬▬▬ ▬ ▬▬▬ ▬▬▬ ▬▬ ▬▬▬▬ ▬ ▬▬▬ ▬▬▬ ▬▬ ▬▬▬▬ ▬ ▬▬▬ ▬▬▬ ▬▬ ▬▬▬▬ ▬ ▬▬▬ ▬▬▬ ▬▬ ▬▬▬▬ ▬ ▬▬▬ ▬▬▬ ▬▬ ▬▬▬▬ ▬ ▬▬▬ ▬▬▬ ▬▬ ▬▬▬▬ ▬ ▬▬▬ ▬▬▬ ▬▬ ▬▬▬▬ ▬ ▬▬▬ ▬▬▬ ▬▬ ▬▬▬▬ ▬ ▬▬▬ ▬▬▬ ▬▬ ▬▬▬▬ ▬ ▬▬▬ ▬▬▬ ▬▬ ▬▬▬▬ ▬ ▬▬▬ ▬▬▬ ▬▬ ▬▬▬▬ ▬ ▬▬▬ ▬▬▬ ▬▬ ▬▬▬▬ ▬ ▬▬▬ ▬▬▬ ▬▬ ▬▬▬▬ ▬ ▬▬▬ ▬▬▬ ▬▬ ▬▬▬▬ ▬ ▬▬▬ ▬▬▬ ▬▬ ▬▬▬▬ ▬ ▬▬▬ ▬▬▬ ▬▬ ▬▬▬▬ ▬ ▬▬▬ ▬▬▬ ▬▬ ▬▬▬▬ ▬ ▬▬▬ ▬▬▬ ▬▬ ▬▬▬▬ ▬ ▬▬▬ ▬▬▬ ▬▬ ▬▬▬▬ ▬ ▬▬▬ ▬▬▬ ▬▬ ▬▬▬▬ ▬ ▬▬▬ ▬▬▬ ▬▬ ▬▬▬▬ ▬ ▬▬▬ ▬▬▬ ▬▬ ▬▬▬▬ ▬ ▬▬▬ ▬▬▬ ▬▬ ▬▬▬▬ ▬ ▬▬▬ ▬▬▬ ▬▬ ▬▬▬▬ ▬ ▬▬▬ ▬▬▬ ▬▬ ▬▬▬▬ ▬ ▬▬▬ ▬▬▬ ▬▬ ▬▬▬▬ ▬ ▬▬▬ ▬▬▬ ▬▬ ▬▬▬▬ ▬ ▬▬▬ ▬▬▬ ▬▬ ▬▬▬▬ ▬ ▬▬▬ ▬▬▬ ▬▬ ▬▬▬▬ ▬ ▬▬▬ ▬▬▬ ▬▬ ▬▬▬▬ ▬ ▬▬▬ ▬▬▬ ▬▬ ▬▬▬▬ ▬ ▬▬▬ ▬▬▬ ▬▬ ▬▬▬▬ ▬ ▬▬▬ ▬▬▬ ▬▬ ▬▬▬▬ ▬ ▬▬▬ ▬▬▬ ▬▬ ▬▬▬▬ ▬ ▬▬▬ ▬▬▬ ▬▬ ▬▬▬▬ ▬ ▬▬▬ ▬▬▬ ▬▬ ▬▬▬▬ ▬ ▬▬▬ ▬▬▬ ▬▬ ▬▬▬▬ ▬ ▬▬▬ ▬▬▬ ▬▬ ▬▬▬▬ ▬ ▬▬▬ ▬▬▬ ▬▬ ▬▬▬▬ ▬ ▬▬▬ ▬▬▬ ▬▬ ▬▬▬▬ ▬ ▬▬▬ ▬▬▬ ▬▬ ▬▬▬▬ ▬ ▬▬▬ ▬▬▬ ▬▬ ▬▬▬▬ ▬ ▬▬▬ ▬▬▬ ▬▬ ▬▬▬▬ ▬ ▬▬▬ ▬▬▬ ▬▬ ▬▬▬▬ ▬ ▬▬▬ ▬▬▬ ▬▬ ▬▬▬▬ ▬ ▬▬▬ ▬▬▬ ▬▬ ▬▬▬▬ ▬ ▬▬▬ ▬▬▬ ▬▬ ▬▬▬▬ ▬ ▬▬▬ ▬▬▬ ▬▬ ▬▬▬▬ ▬ ▬▬▬ ▬▬▬ ▬▬ ▬▬▬▬ ▬ ▬▬▬ ▬▬▬ ▬▬ ▬▬▬▬ ▬ ▬▬▬ ▬▬▬ ▬▬ ▬▬▬▬ ▬ ▬▬▬ ▬▬▬ ▬▬ ▬▬▬▬ ▬ ▬▬▬ ▬▬▬ ▬▬ ▬▬▬▬ ▬ ▬▬▬ ▬▬▬ ▬▬ ▬▬▬▬ ▬ ▬▬▬ ▬▬▬ ▬▬ ▬▬▬▬ ▬ ▬▬▬ ▬▬▬ ▬▬ ▬▬▬▬ ▬ ▬▬▬ ▬▬▬ ▬▬ ▬▬▬▬ ▬ ▬▬▬ ▬▬▬ ▬▬ ▬▬▬▬ ▬ ▬▬▬ ▬▬▬ ▬▬ ▬▬▬▬ ▬ ▬▬▬ ▬▬▬ ▬▬ ▬▬▬▬ ▬ ▬▬▬ ▬▬▬ ▬▬ ▬▬▬▬ ▬ ▬▬▬ ▬▬▬ ▬▬ ▬▬▬▬ ▬ ▬▬▬ ▬▬▬ ▬▬ ▬▬▬▬ ▬ ▬▬▬ ▬▬▬ ▬▬ ▬▬▬▬ ▬ ▬▬▬ ▬▬▬ ▬▬ ▬▬▬▬ ▬ ▬▬▬ ▬▬▬ ▬▬ ▬▬▬▬ ▬ ▬▬▬ ▬▬▬ ▬▬ ▬▬▬▬ ▬ ▬▬▬ ▬▬▬ ▬▬ ▬▬▬▬ ▬ ▬▬▬ ▬▬▬ ▬▬ ▬▬▬▬ ▬ ▬▬▬ ▬▬▬ ▬▬ ▬▬▬▬ ▬ ▬▬▬ ▬▬▬ ▬▬ ▬▬▬▬ ▬ ▬▬▬ ▬▬▬ ▬▬ ▬▬▬▬ ▬ ▬▬▬ ▬▬▬ ▬▬ ▬▬▬▬ ▬ ▬▬▬ ▬▬▬ ▬▬ ▬▬▬▬ ▬ ▬▬▬ ▬▬▬ ▬▬ ▬▬▬▬ ▬ ▬▬▬ ▬▬▬ ▬▬ ▬▬▬▬ ▬ ▬▬▬ ▬▬▬ ▬▬ ▬▬▬▬ ▬ ▬▬▬ ▬▬▬ ▬▬ ▬▬▬▬ ▬ ▬▬▬ ▬▬▬ ▬▬ ▬▬▬▬ ▬ ▬▬▬ ▬▬▬ ▬▬ ▬▬▬▬ ▬ ▬▬▬ ▬▬▬ ▬▬ ▬▬▬▬ ▬ ▬▬▬ ▬▬▬ ▬▬ ▬▬▬▬ ▬ ▬▬▬ ▬▬▬ ▬▬ ▬▬▬▬ ▬ ▬▬▬ ▬▬▬ ▬▬ ▬▬▬▬ ▬ ▬▬▬ ▬▬▬ ▬▬ ▬▬▬▬ ▬ ▬▬▬ ▬▬▬ ▬▬ ▬▬▬▬ ▬ ▬▬▬ ▬▬▬ ▬▬ ▬▬▬▬ ▬ ▬▬▬ ▬▬▬ ▬▬ ▬▬▬▬ ▬ ▬▬▬ ▬▬▬ ▬▬ ▬▬▬▬ ▬ ▬▬▬ ▬▬▬ ▬▬ ▬▬▬▬ ▬ ▬▬▬ ▬▬▬ ▬▬ ▬▬▬▬ ▬ ▬▬▬ ▬▬▬ ▬▬ ▬▬▬▬ ▬ ▬▬▬ ▬▬▬ ▬▬ ▬▬▬▬ ▬ ▬▬▬ ▬▬▬ ▬▬ ▬▬▬▬ ▬ ▬▬▬ ▬▬▬ ▬▬ ▬▬▬▬ ▬ ▬▬▬ ▬▬▬ ▬▬ ▬▬▬▬ ▬ ▬▬▬ ▬▬▬ ▬▬ ▬▬▬▬ ▬ ▬▬▬ ▬▬▬ ▬▬ ▬▬▬▬ ▬ ▬▬▬ ▬▬▬ ▬▬ ▬▬▬▬ ▬ ▬▬▬ ▬▬▬ ▬▬ ▬▬▬▬ ▬ ▬▬▬ ▬▬▬ ▬▬ ▬▬▬▬ ▬ ▬▬▬ ▬▬▬ ▬▬ ▬▬▬▬ ▬ ▬▬▬ ▬▬▬ ▬▬ ▬▬▬▬ ▬ ▬▬▬ ▬▬▬ ▬▬ ▬▬▬▬ ▬ ▬▬▬ ▬▬▬ ▬▬ ▬▬▬▬ ▬ ▬▬▬ ▬▬▬ ▬▬ ▬▬▬▬ ▬ ▬▬▬ ▬▬▬ ▬▬ ▬▬▬▬ ▬ ▬▬▬ ▬▬▬ ▬▬ ▬▬▬▬ ▬ ▬▬▬ ▬▬▬ ▬▬ ▬▬▬▬ ▬ ▬▬▬ ▬▬▬ ▬▬ ▬▬▬▬ ▬ ▬▬▬ ▬▬▬ ▬▬ ▬▬▬▬ ▬ ▬▬▬ ▬▬▬ ▬▬ ▬▬▬▬ ▬ ▬▬▬ ▬▬▬ ▬▬ ▬▬▬▬ ▬ ▬▬▬ ▬▬▬ ▬▬ ▬▬▬▬ ▬ ▬▬▬ ▬▬▬ ▬▬ ▬▬▬▬ ▬ ▬▬▬ ▬▬▬ ▬▬ ▬▬▬▬ ▬ ▬▬▬ ▬▬▬ ▬▬ ▬▬▬▬ ▬ ▬▬▬ ▬▬▬ ▬▬ ▬▬▬▬ ▬ ▬▬▬ ▬▬▬ ▬▬ ▬▬▬▬ ▬ ▬▬▬ ▬▬▬ ▬▬ ▬▬▬▬ ▬ ▬▬▬ ▬▬▬ ▬▬ ▬▬▬▬ ▬ ▬▬▬ ▬▬▬ ▬▬ ▬▬▬▬ ▬ ▬▬▬ ▬▬▬ ▬▬ ▬▬▬▬ ▬ ▬▬▬ ▬▬▬ ▬▬ ▬▬▬▬ ▬ ▬▬▬ ▬▬▬ ▬▬ ▬▬▬▬ ▬ ▬▬▬ ▬▬▬ ▬▬ ▬▬▬▬ ▬ ▬▬▬ ▬▬▬ ▬▬ ▬▬▬▬ ▬ ▬▬▬ ▬▬▬ ▬▬ ▬▬▬▬ ▬ ▬▬▬ ▬▬▬ ▬▬ ▬▬▬▬ ▬ ▬▬▬ ▬▬▬ ▬▬ ▬▬▬▬ ▬ ▬▬▬ ▬▬▬ ▬▬ ▬▬▬▬ ▬ ▬▬▬ ▬▬▬ ▬▬ ▬▬▬▬ ▬ ▬▬▬ ▬▬▬ ▬▬ ▬▬▬▬ ▬ ▬▬▬ ▬▬▬ ▬▬ ▬▬▬▬ ▬ ▬▬▬ ▬▬▬ ▬▬ ▬▬▬▬ ▬ ▬▬▬ ▬▬▬ ▬▬ ▬▬▬▬ ▬ ▬▬▬ ▬▬▬ ▬▬ ▬▬▬▬ ▬ ▬▬▬ ▬▬▬ ▬▬ ▬▬▬▬ ▬ ▬▬▬ ▬▬▬ ▬▬ ▬▬▬▬ ▬ ▬▬▬ ▬▬▬ ▬▬ ▬▬▬▬ ▬ ▬▬▬ ▬▬▬ ▬▬ ▬▬▬▬ ▬ ▬▬▬ ▬▬▬ ▬▬ ▬▬▬▬ ▬ ▬▬▬ ▬▬▬ ▬▬ ▬▬▬▬ ▬ ▬▬▬ ▬▬▬ ▬▬ ▬▬▬▬ ▬ ▬▬▬ ▬▬▬ ▬▬ ▬▬▬▬ ▬ ▬▬▬ ▬▬▬ ▬▬ ▬▬▬▬

▬▬▬ ▬▬ ▬▬▬▬ ▬ ▬▬▬ ▬▬▬ ▬▬ ▬▬▬▬ ▬ ▬▬▬ ▬▬▬ ▬▬ ▬▬▬▬ ▬ ▬▬▬ ▬▬▬ ▬▬ ▬▬▬▬ ▬ ▬▬▬ ▬▬▬ ▬▬ ▬▬▬▬ ▬ ▬▬▬ ▬▬▬ ▬▬ ▬▬▬▬ ▬ ▬▬▬ ▬▬▬ ▬▬ ▬▬▬▬ ▬ ▬▬▬ ▬▬▬ ▬▬ ▬▬▬▬ ▬ ▬▬▬ ▬▬▬ ▬▬ ▬▬▬▬ ▬ ▬▬▬ ▬▬▬ ▬▬ ▬▬▬▬ ▬ ▬▬▬ ▬▬▬ ▬▬ ▬▬▬▬ ▬ ▬▬▬ ▬▬▬ ▬▬ ▬▬▬▬ ▬ ▬▬▬ ▬▬▬ ▬▬ ▬▬▬▬ ▬ ▬▬▬ ▬▬▬ ▬▬ ▬▬▬▬ ▬ ▬▬▬ ▬▬▬ ▬▬ ▬▬▬▬ ▬ ▬▬▬ ▬▬▬ ▬▬ ▬▬▬▬ ▬ ▬▬▬ ▬▬▬ ▬▬ ▬▬▬▬ ▬ ▬▬▬ ▬▬▬ ▬▬ ▬▬▬▬ ▬ ▬▬▬ ▬▬▬ ▬▬ ▬▬▬▬ ▬ ▬▬▬ ▬▬▬ ▬▬ ▬▬▬▬ ▬ ▬▬▬ ▬▬▬ ▬▬ ▬▬▬▬ ▬ ▬▬▬ ▬▬▬ ▬▬ ▬▬▬▬ ▬ ▬▬▬ ▬▬▬ ▬▬ ▬▬▬▬ ▬ ▬▬▬ ▬▬▬ ▬▬ ▬▬▬▬ ▬ ▬▬▬ ▬▬▬ ▬▬ ▬▬▬▬ ▬ ▬▬▬ ▬▬▬ ▬▬ ▬▬▬▬ ▬ ▬▬▬ ▬▬▬ ▬▬ ▬▬▬▬ ▬ ▬▬▬ ▬▬▬ ▬▬ ▬▬▬▬ ▬ ▬▬▬ ▬▬▬ ▬▬ ▬▬▬▬ ▬ ▬▬▬ ▬▬▬ ▬▬ ▬▬▬▬ ▬ ▬▬▬ ▬▬▬ ▬▬ ▬▬▬▬ ▬ ▬▬▬ ▬▬▬ ▬▬ ▬▬▬▬ ▬ ▬▬▬ ▬▬▬ ▬▬ ▬▬▬▬ ▬ ▬▬▬ ▬▬▬ ▬▬ ▬▬▬▬ ▬ ▬▬▬ ▬▬▬ ▬▬ ▬▬▬▬ ▬ ▬▬▬ ▬▬▬ ▬▬ ▬▬▬▬ ▬ ▬▬▬ ▬▬▬ ▬▬ ▬▬▬▬ ▬ ▬▬▬ ▬▬▬ ▬▬ ▬▬▬▬ ▬ ▬▬▬ ▬▬▬ ▬▬ ▬▬▬▬ ▬ ▬▬▬ ▬▬▬ ▬▬ ▬▬▬▬ ▬ ▬▬▬ ▬▬▬ ▬▬ ▬▬▬▬ ▬ ▬▬▬ ▬▬▬ ▬▬ ▬▬▬▬ ▬ ▬▬▬ ▬▬▬ ▬▬ ▬▬▬▬ ▬ ▬▬▬ ▬▬▬ ▬▬ ▬▬▬▬ ▬ ▬▬▬ ▬▬▬ ▬▬ ▬▬▬▬ ▬ ▬▬▬ ▬▬▬ ▬▬ ▬▬▬▬ ▬ ▬▬▬ ▬▬▬ ▬▬ ▬▬▬▬ ▬ ▬▬▬ ▬▬▬ ▬▬ ▬▬▬▬ ▬ ▬▬▬ ▬▬▬ ▬▬ ▬▬▬▬ ▬ ▬▬▬ ▬▬▬ ▬▬ ▬▬▬▬ ▬ ▬▬▬ ▬▬▬ ▬▬ ▬▬▬▬ ▬ ▬▬▬ ▬▬▬ ▬▬ ▬▬▬▬ ▬ ▬▬▬ ▬▬▬ ▬▬ ▬▬▬▬ ▬ ▬▬▬ ▬▬▬ ▬▬ ▬▬▬▬ ▬ ▬▬▬ ▬▬▬ ▬▬ ▬▬▬▬ ▬ ▬▬▬ ▬▬▬ ▬▬ ▬▬▬▬ ▬ ▬▬▬ ▬▬▬ ▬▬ ▬▬▬▬ ▬ ▬▬▬ ▬▬▬ ▬▬ ▬▬▬▬ ▬ ▬▬▬ ▬▬▬ ▬▬ ▬▬▬▬ ▬ ▬▬▬ ▬▬▬ ▬▬ ▬▬▬▬ ▬ ▬▬▬ ▬▬▬ ▬▬ ▬▬▬▬ ▬ ▬▬▬ ▬▬▬ ▬▬ ▬▬▬▬ ▬ ▬▬▬ ▬▬▬ ▬▬ ▬▬▬▬ ▬ ▬▬▬ ▬▬▬ ▬▬ ▬▬▬▬ ▬ ▬▬▬ ▬▬▬ ▬▬ ▬▬▬▬ ▬ ▬▬▬ ▬▬▬ ▬▬ ▬▬▬▬ ▬ ▬▬▬ ▬▬▬ ▬▬ ▬▬▬▬ ▬ ▬▬▬ ▬▬▬ ▬▬ ▬▬▬▬ ▬ ▬▬▬ ▬▬▬ ▬▬ ▬▬▬▬ ▬ ▬▬▬ ▬▬▬ ▬▬ ▬▬▬▬ ▬ ▬▬▬ ▬▬▬ ▬▬ ▬▬▬▬ ▬ ▬▬▬ ▬▬▬ ▬▬ ▬▬▬▬ ▬ ▬▬▬ ▬▬▬ ▬▬ ▬▬▬▬ ▬ ▬▬▬ ▬▬▬ ▬▬ ▬▬▬▬ ▬ ▬▬▬ ▬▬▬ ▬▬ ▬▬▬▬ ▬ ▬▬▬ ▬▬▬ ▬▬ ▬▬▬▬ ▬ ▬▬▬ ▬▬▬ ▬▬ ▬▬▬▬ ▬ ▬▬▬ ▬▬▬ ▬▬ ▬▬▬▬ ▬ ▬▬▬ ▬▬▬ ▬▬ ▬▬▬▬ ▬ ▬▬▬ ▬▬▬ ▬▬ ▬▬▬▬ ▬ ▬▬▬ ▬▬▬ ▬▬ ▬▬▬▬ ▬ ▬▬▬ ▬▬▬ ▬▬ ▬▬▬▬ ▬ ▬▬▬ ▬▬▬ ▬▬ ▬▬▬▬ ▬ ▬▬▬ ▬▬▬ ▬▬

FOOTBALL.
TARANAKI RUGBY UNION.

▬▬▬ ▬▬ ▬▬▬▬ ▬ ▬▬▬ ▬▬▬ ▬▬ ▬▬▬▬ ▬ ▬▬▬ ▬▬▬ ▬▬ ▬▬▬▬ ▬ ▬▬▬ ▬▬▬ ▬▬ ▬▬▬▬ ▬ ▬▬▬ ▬▬▬ ▬▬ ▬▬▬▬ ▬ ▬▬▬ ▬▬▬ ▬▬ ▬▬▬▬ ▬ ▬▬▬ ▬▬▬ ▬▬ ▬▬▬▬ ▬ ▬▬▬ ▬▬▬ ▬▬ ▬▬▬▬ ▬ ▬▬▬ ▬▬▬ ▬▬ ▬▬▬▬ ▬ ▬▬▬ ▬▬▬ ▬▬ ▬▬▬▬ ▬ ▬▬▬ ▬▬▬ ▬▬ ▬▬▬▬ ▬ ▬▬▬ ▬▬▬ ▬▬ ▬▬▬▬ ▬ ▬▬▬ ▬▬▬ ▬▬ ▬▬▬▬ ▬ ▬▬▬ ▬▬▬ ▬▬ ▬▬▬▬ ▬ ▬▬▬ ▬▬▬ ▬▬ ▬▬▬▬ ▬ ▬▬▬ ▬▬▬ ▬▬ ▬▬▬▬ ▬ ▬▬▬ ▬▬▬ ▬▬ ▬▬▬▬ ▬ ▬▬▬ ▬▬▬ ▬▬ ▬▬▬▬ ▬ ▬▬▬ ▬▬▬ ▬▬ ▬▬▬▬ ▬ ▬▬▬ ▬▬▬ ▬▬ ▬▬▬▬ ▬ ▬▬▬ ▬▬▬ ▬▬ ▬▬▬▬ ▬ ▬▬▬ ▬▬▬ ▬▬ ▬▬▬▬ ▬ ▬▬▬ ▬▬▬ ▬▬ ▬▬▬▬ ▬ ▬▬▬ ▬▬▬ ▬▬ ▬▬▬▬ ▬ ▬▬▬ ▬▬▬ ▬▬ ▬▬▬▬ ▬ ▬▬▬ ▬▬▬ ▬▬ ▬▬▬▬ ▬ ▬▬▬ ▬▬▬ ▬▬ ▬▬▬▬ ▬ ▬▬▬ ▬▬▬ ▬▬ ▬▬▬▬ ▬ ▬▬▬ ▬▬▬ ▬▬ ▬▬▬▬ ▬ ▬▬▬ ▬▬▬ ▬▬ ▬▬▬▬ ▬ ▬▬▬ ▬▬▬ ▬▬ ▬▬▬▬ ▬ ▬▬▬ ▬▬▬ ▬▬ ▬▬▬▬ ▬ ▬▬▬ ▬▬▬ ▬▬ ▬▬▬▬ ▬ ▬▬▬ ▬▬▬ ▬▬ ▬▬▬▬ ▬ ▬▬▬ ▬▬▬ ▬▬ ▬▬▬▬ ▬ ▬▬▬ ▬▬▬ ▬▬ ▬▬▬▬ ▬ ▬▬▬ ▬▬▬ ▬▬ ▬▬▬▬ ▬ ▬▬▬ ▬▬▬ ▬▬ ▬▬▬▬ ▬ ▬▬▬ ▬▬▬ ▬▬ ▬▬▬▬ ▬ ▬▬▬ ▬▬▬ ▬▬ ▬▬▬▬ ▬ ▬▬▬ ▬▬▬ ▬▬ ▬▬▬▬ ▬ ▬▬▬ ▬▬▬ ▬▬ ▬▬▬▬ ▬ ▬▬▬ ▬▬▬ ▬▬ ▬▬▬▬ ▬ ▬▬▬ ▬▬▬ ▬▬ ▬▬▬▬ ▬ ▬▬▬ ▬▬▬ ▬▬ ▬▬▬▬ ▬ ▬▬▬ ▬▬▬ ▬▬ ▬▬▬▬ ▬ ▬▬▬ ▬▬▬ ▬▬ ▬▬▬▬ ▬ ▬▬▬ ▬▬▬ ▬▬ ▬▬▬▬ ▬ ▬▬▬ ▬▬▬ ▬▬ ▬▬▬▬ ▬ ▬▬▬ ▬▬▬ ▬▬ ▬▬▬▬ ▬ ▬▬▬ ▬▬▬ ▬▬ ▬▬▬▬ ▬ ▬▬▬ ▬▬▬ ▬▬ ▬▬▬▬ ▬ ▬▬▬ ▬▬▬ ▬▬ ▬▬▬▬ ▬ ▬▬▬ ▬▬▬ ▬▬ ▬▬▬▬ ▬ ▬▬▬ ▬▬▬ ▬▬ ▬▬▬▬ ▬ ▬▬▬ ▬▬▬ ▬▬ ▬▬▬▬ ▬ ▬▬▬ ▬▬▬ ▬▬ ▬▬▬▬ ▬ ▬▬▬ ▬▬▬ ▬▬ ▬▬▬▬ ▬ ▬▬▬ ▬▬▬ ▬▬ ▬▬▬▬ ▬ ▬▬▬ ▬▬▬ ▬▬ ▬▬▬▬ ▬ ▬▬▬ ▬▬▬ ▬▬ ▬▬▬▬ ▬ ▬▬▬ ▬▬▬ ▬▬ ▬▬▬▬ ▬ ▬▬▬ ▬▬▬ ▬▬ ▬▬▬▬ ▬ ▬▬▬ ▬▬▬ ▬▬ ▬▬▬▬ ▬ ▬▬▬ ▬▬▬ ▬▬ ▬▬▬▬ ▬ ▬▬▬ ▬▬▬ ▬▬ ▬▬▬▬ ▬ ▬▬▬ ▬▬▬ ▬▬ ▬▬▬▬ ▬ ▬▬▬ ▬▬▬ ▬▬ ▬▬▬▬ ▬ ▬▬▬ ▬▬▬ ▬▬ ▬▬▬▬ ▬ ▬▬▬ ▬▬▬ ▬▬ ▬▬▬▬ ▬ ▬▬▬ ▬▬▬ ▬▬ ▬▬▬▬ ▬ ▬▬▬ ▬▬▬ ▬▬ ▬▬▬▬ ▬ ▬▬▬ ▬▬▬ ▬▬ ▬▬▬▬ ▬ ▬▬▬ ▬▬▬ ▬▬ ▬▬▬▬ ▬ ▬▬▬ ▬▬▬ ▬▬ ▬▬▬▬ ▬ ▬▬▬ ▬▬▬ ▬▬ ▬▬▬▬ ▬ ▬▬▬ ▬▬▬ ▬▬ ▬▬▬▬ ▬ ▬▬▬ ▬▬▬ ▬▬ ▬▬▬▬ ▬ ▬▬▬ ▬▬▬ ▬▬ ▬▬▬▬ ▬ ▬▬▬ ▬▬▬ ▬▬ ▬▬▬▬ ▬ ▬▬▬ ▬▬▬ ▬▬ ▬▬▬▬ ▬ ▬▬▬ ▬▬▬ ▬▬ ▬▬▬▬ ▬ ▬▬▬ ▬▬▬ ▬▬ ▬▬▬▬ ▬ ▬▬▬ ▬▬▬ ▬▬ ▬▬▬▬ ▬ ▬▬▬ ▬▬▬ ▬▬ ▬▬▬▬ ▬ ▬▬▬ ▬▬▬ ▬▬ ▬▬▬▬ ▬ ▬▬▬ ▬▬▬ ▬▬ ▬▬▬▬ ▬ ▬▬▬ ▬▬▬ ▬▬ ▬▬▬▬ ▬ ▬▬▬ ▬▬▬ ▬▬ ▬▬▬▬ ▬ ▬▬▬ ▬▬▬ ▬▬ ▬▬▬▬ ▬ ▬▬▬ ▬▬▬ ▬▬ ▬▬▬▬ ▬ ▬▬▬ ▬▬▬ ▬▬ ▬▬▬▬ ▬ ▬▬▬ ▬▬▬ ▬▬ ▬▬▬▬ ▬ ▬▬▬ ▬▬▬ ▬▬ ▬▬▬▬ ▬ ▬▬▬ ▬▬▬ ▬▬ ▬▬▬▬ ▬ ▬▬▬ ▬▬▬ ▬▬ ▬▬▬▬ ▬ ▬▬▬ ▬▬▬ ▬▬ ▬▬▬▬ ▬ ▬▬▬ ▬▬▬ ▬▬ ▬▬▬▬ ▬ ▬▬▬ ▬▬▬ ▬▬ ▬▬▬▬ ▬ ▬▬▬ ▬▬▬ ▬▬ ▬▬▬▬ ▬ ▬▬▬ ▬▬▬ ▬▬ ▬▬▬▬ ▬ ▬▬▬ ▬▬▬ ▬▬ ▬▬▬▬ ▬ ▬▬▬ ▬▬▬ ▬▬ ▬▬▬▬ ▬ ▬▬▬ ▬▬▬ ▬▬ ▬▬▬▬ ▬ ▬▬▬ ▬▬▬ ▬▬ ▬▬▬▬ ▬ ▬▬▬ ▬▬▬ ▬▬ ▬▬▬▬ ▬ ▬▬▬ ▬▬▬ ▬▬ ▬▬▬▬ ▬ ▬▬▬ ▬▬▬ ▬▬ ▬▬▬▬ ▬ ▬▬▬ ▬▬▬ ▬▬ ▬▬▬▬ ▬ ▬▬▬ ▬▬▬ ▬▬ ▬▬▬▬ ▬ ▬▬▬ ▬▬▬ ▬▬ ▬▬▬▬ ▬ ▬▬▬ ▬▬▬ ▬▬ ▬▬▬▬ ▬ ▬▬▬ ▬▬▬ ▬▬ ▬▬▬▬ ▬ ▬▬▬ ▬▬▬ ▬▬ ▬▬▬▬ ▬ ▬▬▬ ▬▬▬ ▬▬ ▬▬▬▬ ▬ ▬▬▬ ▬▬▬ ▬▬ ▬▬▬▬ ▬ ▬▬▬ ▬▬▬ ▬▬ ▬▬▬▬ ▬ ▬▬▬ ▬▬▬ ▬▬ ▬▬▬▬ ▬ ▬▬▬ ▬▬▬ ▬▬ ▬▬▬▬ ▬ ▬▬▬ ▬▬▬ ▬▬ ▬▬▬▬ ▬ ▬▬▬ ▬▬▬ ▬▬ ▬▬▬▬ ▬ ▬▬▬ ▬▬▬ ▬▬ ▬▬▬▬ ▬ ▬▬▬ ▬▬▬ ▬▬ ▬▬▬▬ ▬ ▬▬▬ ▬▬▬ ▬▬ ▬▬▬▬ ▬ ▬▬▬ ▬▬▬ ▬▬ ▬▬▬▬ ▬ ▬▬▬ ▬▬▬ ▬▬ ▬▬▬▬ ▬ ▬▬▬ ▬▬▬ ▬▬ ▬▬▬▬ ▬ ▬▬▬ ▬▬▬ ▬▬ ▬▬▬▬ ▬ ▬▬▬ ▬▬▬ ▬▬ ▬▬▬▬ ▬ ▬▬▬ ▬▬▬ ▬▬ ▬▬▬▬ ▬ ▬▬▬ ▬▬▬ ▬▬ ▬▬▬▬ ▬ ▬▬▬ ▬▬▬ ▬▬ ▬▬▬▬ ▬ ▬▬▬ ▬▬▬ ▬▬ ▬▬▬▬ ▬ ▬▬▬ ▬▬▬ ▬▬ ▬▬▬▬ ▬ ▬▬▬ ▬▬▬ ▬▬ ▬▬▬▬ ▬ ▬▬▬ ▬▬▬ ▬▬ ▬▬▬▬ ▬ ▬▬▬ ▬▬▬ ▬▬ ▬▬▬▬ ▬ ▬▬▬ ▬▬▬ ▬▬ ▬▬▬▬ ▬ ▬▬▬ ▬▬▬ ▬▬ ▬▬▬▬ ▬ ▬▬▬ ▬▬▬ ▬▬ ▬▬▬▬ ▬ ▬▬▬ ▬▬▬ ▬▬ ▬▬▬▬ ▬ ▬▬▬ ▬▬▬ ▬▬ ▬▬▬▬ ▬ ▬▬▬ ▬▬▬ ▬▬ ▬▬▬▬ ▬ ▬▬▬ ▬▬▬ ▬▬ ▬▬▬▬ ▬ ▬▬▬ ▬▬▬ ▬▬ ▬▬▬▬ ▬ ▬▬▬ ▬▬▬ ▬▬ ▬▬▬▬ ▬ ▬▬▬ ▬▬▬ ▬▬ ▬▬▬▬ ▬ ▬▬▬ ▬▬▬ ▬▬ ▬▬▬▬ ▬ ▬▬▬ ▬▬▬ ▬▬ ▬▬▬▬ ▬ ▬▬▬ ▬▬▬ ▬▬ ▬▬▬▬ ▬ ▬▬▬ ▬▬▬ ▬▬ ▬▬▬▬ ▬ ▬▬▬ ▬▬▬ ▬▬ ▬▬▬▬ ▬ ▬▬▬ ▬▬▬ ▬▬ ▬▬▬▬ ▬ ▬▬▬ ▬▬▬ ▬▬ ▬▬▬▬ ▬ ▬▬▬ ▬▬▬ ▬▬ ▬▬▬▬ ▬ ▬▬▬ ▬▬▬ ▬▬ ▬▬▬▬ ▬ ▬▬▬ ▬▬▬ ▬▬ ▬▬▬▬ ▬ ▬▬▬ ▬▬▬ ▬▬ ▬▬▬▬ ▬ ▬▬▬ ▬▬▬ ▬▬ ▬▬▬▬ ▬ ▬▬▬ ▬▬▬ ▬▬ ▬▬▬▬ ▬ ▬▬▬ ▬▬▬ ▬▬ ▬▬▬▬ ▬ ▬▬▬ ▬▬▬ ▬▬ ▬▬▬▬ ▬ ▬▬▬ ▬▬▬ ▬▬ ▬▬▬▬ ▬ ▬▬▬ ▬▬▬ ▬▬ ▬▬▬▬ ▬ ▬▬▬ ▬▬▬ ▬▬ ▬▬▬▬ ▬ ▬▬▬ ▬▬▬ ▬▬ ▬▬▬▬ ▬ ▬▬▬ ▬▬▬ ▬▬ ▬▬▬▬ ▬ ▬▬▬ ▬▬▬ ▬▬ ▬▬▬▬ ▬ ▬▬▬ ▬▬▬ ▬▬ ▬▬▬▬ ▬ ▬▬▬ ▬▬▬ ▬▬ ▬▬▬▬ ▬ ▬▬▬ ▬▬▬ ▬▬ ▬▬▬▬ ▬ ▬▬▬ ▬▬▬ ▬▬ ▬▬▬▬ ▬ ▬▬▬ ▬▬▬ ▬▬ ▬▬▬▬ ▬ ▬▬▬ ▬▬▬ ▬▬ ▬▬▬▬ ▬ ▬▬▬ ▬▬▬ ▬▬ ▬▬▬▬ ▬ ▬▬▬ ▬▬▬ ▬▬ ▬▬▬▬ ▬ ▬▬▬ ▬▬▬ ▬▬ ▬▬▬▬ ▬ ▬▬▬ ▬▬▬ ▬▬ ▬▬▬▬ ▬

THE ASSOCIATION GAME.

▬▬▬ ▬▬ ▬▬▬▬ ▬ ▬▬▬ ▬▬▬ ▬▬ ▬▬▬▬ ▬ ▬▬▬ ▬▬▬ ▬▬ ▬▬▬▬ ▬ ▬▬▬ ▬▬▬ ▬▬ ▬▬▬▬ ▬ ▬▬▬ ▬▬▬ ▬▬ ▬▬▬▬ ▬ ▬▬▬ ▬▬▬ ▬▬ ▬▬▬▬ ▬ ▬▬▬ ▬▬▬ ▬▬ ▬▬▬▬ ▬ ▬▬▬ ▬▬▬ ▬▬ ▬▬▬▬ ▬ ▬▬▬ ▬▬▬ ▬▬ ▬▬▬▬ ▬ ▬▬▬ ▬▬▬ ▬▬ ▬▬▬▬ ▬ ▬▬▬ ▬▬▬ ▬▬ ▬▬▬▬ ▬ ▬▬▬ ▬▬▬ ▬▬ ▬▬▬▬ ▬ ▬▬▬ ▬▬▬ ▬▬ ▬▬▬▬ ▬ ▬▬▬ ▬▬▬ ▬▬ ▬▬▬▬ ▬ ▬▬▬ ▬▬▬ ▬▬ ▬▬▬▬ ▬ ▬▬▬ ▬▬▬ ▬▬ ▬▬▬▬ ▬ ▬▬▬ ▬▬▬ ▬▬ ▬▬▬▬ ▬ ▬▬▬ ▬▬▬ ▬▬ ▬▬▬▬ ▬ ▬▬▬ ▬▬▬ ▬▬ ▬▬▬▬ ▬ ▬▬▬ ▬▬▬ ▬▬ ▬▬▬▬ ▬ ▬▬▬ ▬▬▬ ▬▬ ▬▬▬▬ ▬ ▬▬▬ ▬▬▬ ▬▬ ▬▬▬▬ ▬ ▬▬▬ ▬▬▬ ▬▬ ▬▬▬▬ ▬ ▬▬▬ ▬▬▬ ▬▬ ▬▬▬▬ ▬ ▬▬▬ ▬▬▬ ▬▬ ▬▬▬▬ ▬ ▬▬▬ ▬▬▬ ▬▬ ▬▬▬▬ ▬ ▬▬▬ ▬▬▬ ▬▬ ▬▬▬▬ ▬ ▬▬▬ ▬▬▬ ▬▬ ▬▬▬▬ ▬ ▬▬▬ ▬▬▬ ▬▬ ▬▬▬▬ ▬ ▬▬▬ ▬▬▬ ▬▬ ▬▬▬▬ ▬ ▬▬▬ ▬▬▬ ▬▬ ▬▬▬▬ ▬ ▬▬▬ ▬▬▬ ▬▬ ▬▬▬▬ ▬ ▬▬▬ ▬▬▬ ▬▬ ▬▬▬▬ ▬ ▬▬▬ ▬▬▬ ▬▬ ▬▬▬▬ ▬ ▬▬▬ ▬▬▬ ▬▬ ▬▬▬▬ ▬ ▬▬▬ ▬▬▬ ▬▬ ▬▬▬▬ ▬ ▬▬▬ ▬▬▬ ▬▬ ▬▬▬▬ ▬ ▬▬▬ ▬▬▬ ▬▬ ▬▬▬▬ ▬ ▬▬▬ ▬▬▬ ▬▬ ▬▬▬▬ ▬ ▬▬▬ ▬▬▬ ▬▬ ▬▬▬▬ ▬ ▬▬▬ ▬▬▬ ▬▬ ▬▬▬▬ ▬ ▬▬▬ ▬▬▬ ▬▬ ▬▬▬▬ ▬ ▬▬▬ ▬▬▬ ▬▬ ▬▬▬▬ ▬ ▬▬▬ ▬▬▬ ▬▬ ▬▬▬▬ ▬ ▬▬▬ ▬▬▬ ▬▬ ▬▬▬▬ ▬ ▬▬▬ ▬▬▬ ▬▬ ▬▬▬▬ ▬ ▬▬▬ ▬▬▬ ▬▬ ▬▬▬▬ ▬ ▬▬▬ ▬▬▬ ▬▬ ▬▬▬▬ ▬ ▬▬▬ ▬▬▬ ▬▬ ▬▬▬▬ ▬ ▬▬▬ ▬▬▬ ▬▬ ▬▬▬▬ ▬ ▬▬▬ ▬▬▬ ▬▬ ▬▬▬▬ ▬ ▬▬▬ ▬▬▬ ▬▬ ▬▬▬▬ ▬ ▬▬▬ ▬▬▬ ▬▬ ▬▬▬▬ ▬ ▬▬▬ ▬▬▬ ▬▬ ▬▬▬▬ ▬ ▬▬▬ ▬▬▬ ▬▬ ▬▬▬▬ ▬ ▬▬▬ ▬▬▬ ▬▬ ▬▬▬▬ ▬ ▬▬▬ ▬▬▬ ▬▬ ▬▬▬▬ ▬ ▬▬▬ ▬▬▬ ▬▬ ▬▬▬▬ ▬ ▬▬▬ ▬▬▬ ▬▬ ▬▬▬▬ ▬ ▬▬▬ ▬▬▬ ▬▬ ▬▬▬▬ ▬ ▬▬▬ ▬▬▬ ▬▬ ▬▬▬▬ ▬ ▬▬▬ ▬▬▬ ▬▬ ▬▬▬▬ ▬ ▬▬▬ ▬▬▬ ▬▬ ▬▬▬▬ ▬ ▬▬▬ ▬▬▬ ▬▬ ▬▬▬▬ ▬ ▬▬▬ ▬▬▬ ▬▬ ▬▬▬▬ ▬ ▬▬▬ ▬▬▬ ▬▬ ▬▬▬▬ ▬ ▬▬▬ ▬▬▬ ▬▬ ▬▬▬▬ ▬ ▬▬▬ ▬▬▬ ▬▬ ▬▬▬▬ ▬ ▬▬▬ ▬▬▬ ▬▬ ▬▬▬▬ ▬ ▬▬▬ ▬▬▬ ▬▬ ▬▬▬▬ ▬ ▬▬▬ ▬▬▬ ▬▬ ▬▬▬▬ ▬ ▬▬▬ ▬▬▬ ▬▬ ▬▬▬▬ ▬ ▬▬▬ ▬▬▬ ▬▬ ▬▬▬▬ ▬ ▬▬▬ ▬▬▬ ▬▬ ▬▬▬▬ ▬ ▬▬▬ ▬▬▬ ▬▬ ▬▬▬▬ ▬ ▬▬▬ ▬▬▬ ▬▬ ▬▬▬▬ ▬ ▬▬▬ ▬▬▬ ▬▬ ▬▬▬▬ ▬ ▬▬▬ ▬▬▬ ▬▬ ▬▬▬▬ ▬ ▬▬▬ ▬▬▬ ▬▬ ▬▬▬▬ ▬ ▬▬▬ ▬▬▬ ▬▬ ▬▬▬▬ ▬ ▬▬▬ ▬▬▬ ▬▬ ▬▬▬▬ ▬ ▬▬▬ ▬▬▬ ▬▬ ▬▬▬▬ ▬ ▬▬▬ ▬▬▬ ▬▬ ▬▬▬▬ ▬ ▬▬▬ ▬▬▬ ▬▬ ▬▬▬▬ ▬ ▬▬▬ ▬▬▬ ▬▬ ▬▬▬▬ ▬ ▬▬▬ ▬▬▬ ▬▬ ▬▬▬▬ ▬ ▬▬▬ ▬▬▬ ▬▬ ▬▬▬▬ ▬ ▬▬▬ ▬▬▬ ▬▬ ▬▬▬▬ ▬ ▬▬▬ ▬▬▬ ▬▬ ▬▬▬▬ ▬ ▬▬▬ ▬▬▬ ▬▬ ▬▬▬▬ ▬ ▬▬▬ ▬▬▬ ▬▬ ▬▬▬▬ ▬ ▬▬▬ ▬▬▬ ▬▬ ▬▬▬▬ ▬ ▬▬▬ ▬▬▬ ▬▬ ▬▬▬▬ ▬ ▬▬▬ ▬▬▬ ▬▬ ▬▬▬▬ ▬ ▬▬▬ ▬▬▬ ▬▬ ▬▬▬▬ ▬ ▬▬▬ ▬▬▬ ▬▬ ▬▬▬▬ ▬ ▬▬▬ ▬▬▬ ▬▬ ▬▬▬▬ ▬ ▬▬▬ ▬▬▬ ▬▬ ▬▬▬▬ ▬ ▬▬▬ ▬▬▬ ▬▬ ▬▬▬▬ ▬ ▬▬▬ ▬▬▬ ▬▬ ▬▬▬▬ ▬ ▬▬▬ ▬▬▬ ▬▬ ▬▬▬▬ ▬ ▬▬▬ ▬▬▬ ▬▬ ▬▬▬▬ ▬ ▬▬▬ ▬▬▬ ▬▬ ▬▬▬▬ ▬ ▬▬▬ ▬▬▬ ▬▬ ▬▬▬▬ ▬ ▬▬▬ ▬▬▬ ▬▬ ▬▬▬▬ ▬ ▬▬▬ ▬▬▬ ▬▬ ▬▬▬▬ ▬ ▬▬▬ ▬▬▬ ▬▬ ▬▬▬▬ ▬ ▬▬▬ ▬▬▬ ▬▬ ▬▬▬▬ ▬ ▬▬▬ ▬▬▬ ▬▬ ▬▬▬▬ ▬ ▬▬▬ ▬▬▬ ▬▬ ▬▬▬▬ ▬ ▬▬▬ ▬▬▬ ▬▬ ▬▬▬▬ ▬ ▬▬▬ ▬▬▬ ▬▬ ▬▬▬▬ ▬ ▬▬▬ ▬▬▬ ▬▬ ▬▬▬▬ ▬ ▬▬▬ ▬▬▬ ▬▬ ▬▬▬▬ ▬ ▬▬▬ ▬▬▬ ▬▬ ▬▬▬▬ ▬ ▬▬▬ ▬▬▬ ▬▬ ▬▬▬▬ ▬ ▬▬▬ ▬▬▬ ▬▬ ▬▬▬▬ ▬ ▬▬▬ ▬▬▬ ▬▬ ▬▬▬▬ ▬ ▬▬▬ ▬▬▬ ▬▬ ▬▬▬▬ ▬ ▬▬▬ ▬▬▬ ▬▬ ▬▬▬▬ ▬ ▬▬▬ ▬▬▬ ▬▬ ▬▬▬▬ ▬ ▬▬▬ ▬▬▬ ▬▬ ▬▬▬▬ ▬ ▬▬▬ ▬▬▬

PERSONAL.

▬▬▬ ▬▬ ▬▬▬▬ ▬ ▬▬▬ ▬▬▬ ▬▬ ▬▬▬▬ ▬ ▬▬▬ ▬▬▬ ▬▬ ▬▬▬▬ ▬ ▬▬▬ ▬▬▬ ▬▬ ▬▬▬▬ ▬ ▬▬▬ ▬▬▬ ▬▬ ▬▬▬▬ ▬ ▬▬▬ ▬▬▬ ▬▬ ▬▬▬▬ ▬ ▬▬▬ ▬▬▬ ▬▬ ▬▬▬▬ ▬ ▬▬▬ ▬▬▬ ▬▬ ▬▬▬▬ ▬ ▬▬▬ ▬▬▬ ▬▬ ▬▬▬▬ ▬ ▬▬▬ ▬▬▬ ▬▬ ▬▬▬▬ ▬ ▬▬▬ ▬▬▬ ▬▬ ▬▬▬▬ ▬ ▬▬▬ ▬▬▬ ▬▬ ▬▬▬▬ ▬ ▬▬▬ ▬▬▬ ▬▬ ▬▬▬▬ ▬ ▬▬▬ ▬▬▬ ▬▬ ▬▬▬▬ ▬ ▬▬▬ ▬▬▬ ▬▬ ▬▬▬▬ ▬ ▬▬▬ ▬▬▬ ▬▬ ▬▬▬▬ ▬ ▬▬▬ ▬▬▬ ▬▬ ▬▬▬▬ ▬ ▬▬▬ ▬▬▬ ▬▬ ▬▬▬▬ ▬ ▬▬▬ ▬▬▬ ▬▬ ▬▬▬▬ ▬ ▬▬▬ ▬▬▬ ▬▬ ▬▬▬▬ ▬ ▬▬▬ ▬▬▬ ▬▬ ▬▬▬▬ ▬ ▬▬▬ ▬▬▬ ▬▬ ▬▬▬▬ ▬ ▬▬▬ ▬▬▬ ▬▬ ▬▬▬▬ ▬ ▬▬▬ ▬▬▬ ▬▬ ▬▬▬▬ ▬ ▬▬▬ ▬▬▬ ▬▬ ▬▬▬▬ ▬ ▬▬▬ ▬▬▬ ▬▬ ▬▬▬▬ ▬ ▬▬▬ ▬▬▬ ▬▬ ▬▬▬▬ ▬ ▬▬▬ ▬▬▬ ▬▬ ▬▬▬▬ ▬ ▬▬▬ ▬▬▬ ▬▬ ▬▬▬▬ ▬ ▬▬▬ ▬▬▬ ▬▬ ▬▬▬▬ ▬ ▬▬▬ ▬▬▬ ▬▬ ▬▬▬▬ ▬ ▬▬▬ ▬▬▬ ▬▬ ▬▬▬▬ ▬ ▬▬▬ ▬▬▬ ▬▬ ▬▬▬▬ ▬ ▬▬▬ ▬▬▬ ▬▬ ▬▬▬▬ ▬ ▬▬▬ ▬▬▬ ▬▬ ▬▬▬▬ ▬ ▬▬▬ ▬▬▬ ▬▬ ▬▬▬▬ ▬ ▬▬▬ ▬▬▬ ▬▬ ▬▬▬▬ ▬ ▬▬▬ ▬▬▬ ▬▬ ▬▬▬▬ ▬ ▬▬▬ ▬▬▬ ▬▬ ▬▬▬▬ ▬ ▬▬▬ ▬▬▬ ▬▬ ▬▬▬▬ ▬ ▬▬▬ ▬▬▬ ▬▬ ▬▬▬▬ ▬ ▬▬▬ ▬▬▬ ▬▬ ▬▬▬▬ ▬ ▬▬▬ ▬▬▬ ▬▬ ▬▬▬▬ ▬ ▬▬▬ ▬▬▬ ▬▬ ▬▬▬▬ ▬ ▬▬▬ ▬▬▬ ▬▬ ▬▬▬▬ ▬ ▬▬▬ ▬▬▬ ▬▬ ▬▬▬▬ ▬ ▬▬▬ ▬▬▬ ▬▬ ▬▬▬▬ ▬ ▬▬▬ ▬▬▬ ▬▬ ▬▬▬▬ ▬ ▬▬▬ ▬▬▬ ▬▬ ▬▬▬▬ ▬ ▬▬▬ ▬▬▬ ▬▬ ▬▬▬▬ ▬ ▬▬▬ ▬▬▬ ▬▬ ▬▬▬▬ ▬ ▬▬▬ ▬▬▬ ▬▬ ▬▬▬▬ ▬ ▬▬▬ ▬▬▬ ▬▬ ▬▬▬▬ ▬ ▬▬▬ ▬▬▬ ▬▬ ▬▬▬▬ ▬ ▬▬▬ ▬▬▬ ▬▬ ▬▬▬▬ ▬ ▬▬▬ ▬▬▬ ▬▬ ▬▬▬▬ ▬ ▬▬▬ ▬▬▬ ▬▬ ▬▬▬▬ ▬ ▬▬▬ ▬▬▬ ▬▬ ▬▬▬▬ ▬ ▬▬▬ ▬▬▬ ▬▬ ▬▬▬▬ ▬ ▬▬▬ ▬▬▬ ▬▬ ▬▬▬▬ ▬ ▬▬▬ ▬▬▬ ▬▬ ▬▬▬▬ ▬ ▬▬▬ ▬▬▬ ▬▬ ▬▬▬▬ ▬ ▬▬▬ ▬▬▬ ▬▬ ▬▬▬▬ ▬ ▬▬▬ ▬▬▬ ▬▬ ▬▬▬▬ ▬ ▬▬▬ ▬▬▬ ▬▬ ▬▬▬▬ ▬ ▬▬▬ ▬▬▬ ▬▬ ▬▬▬▬ ▬ ▬▬▬ ▬▬▬ ▬▬ ▬▬▬▬ ▬ ▬▬▬ ▬▬▬ ▬▬ ▬▬▬▬ ▬ ▬▬▬ ▬▬▬ ▬▬ ▬▬▬▬ ▬ ▬▬▬ ▬▬▬ ▬▬ ▬▬▬▬ ▬ ▬▬▬ ▬▬▬ ▬▬ ▬▬▬▬ ▬ ▬▬▬ ▬▬▬ ▬▬ ▬▬▬▬ ▬ ▬▬▬ ▬▬▬ ▬▬ ▬▬▬▬ ▬ ▬▬▬ ▬▬▬ ▬▬ ▬▬▬▬ ▬ ▬▬▬ ▬▬▬ ▬▬ ▬▬▬▬ ▬ ▬▬▬ ▬▬▬ ▬▬ ▬▬▬▬ ▬ ▬▬▬ ▬▬▬ ▬▬ ▬▬▬▬ ▬ ▬▬▬ ▬▬▬ ▬▬ ▬▬▬▬ ▬ ▬▬▬ ▬▬▬ ▬▬ ▬▬▬▬ ▬ ▬▬▬ ▬▬▬ ▬▬ ▬▬▬▬ ▬ ▬▬▬ ▬▬▬ ▬▬ ▬▬▬▬ ▬ ▬▬▬ ▬▬▬ ▬▬ ▬▬▬▬ ▬ ▬▬▬ ▬▬▬ ▬▬ ▬▬▬▬ ▬ ▬▬▬ ▬▬▬ ▬▬ ▬▬▬▬ ▬ ▬▬▬ ▬▬▬ ▬▬ ▬▬▬▬ ▬ ▬▬▬ ▬▬▬ ▬▬ ▬▬▬▬ ▬ ▬▬▬ ▬▬▬ ▬▬ ▬▬▬▬ ▬ ▬▬▬ ▬▬▬ ▬▬ ▬▬▬▬ ▬ ▬▬▬ ▬▬▬ ▬▬ ▬▬▬▬ ▬ ▬▬▬ ▬▬▬ ▬▬ ▬▬▬▬ ▬ ▬▬▬ ▬▬▬ ▬▬ ▬▬▬▬ ▬ ▬▬▬ ▬▬▬ ▬▬ ▬▬▬▬ ▬ ▬▬▬ ▬▬▬ ▬▬ ▬▬▬▬ ▬ ▬▬▬ ▬▬▬ ▬▬ ▬▬▬▬ ▬ ▬▬▬ ▬▬▬ ▬▬ ▬▬▬▬ ▬ ▬▬▬ ▬▬▬ ▬▬ ▬▬▬▬ ▬ ▬▬▬ ▬▬▬ ▬▬ ▬▬▬▬ ▬ ▬▬▬ ▬▬▬ ▬▬ ▬▬▬▬ ▬ ▬▬▬ ▬▬▬ ▬▬ ▬▬▬▬ ▬ ▬▬▬ ▬▬▬ ▬▬ ▬▬▬▬ ▬ ▬▬▬ ▬▬▬ ▬▬ ▬▬▬▬ ▬ ▬▬▬ ▬▬▬ ▬▬ ▬▬▬▬ ▬ ▬▬▬ ▬▬▬ ▬▬ ▬▬▬▬ ▬ ▬▬▬ ▬▬▬ ▬▬ ▬▬▬▬ ▬ ▬▬▬ ▬▬▬ ▬▬ ▬▬▬▬ ▬ ▬▬▬ ▬▬▬ ▬▬ ▬▬▬▬ ▬ ▬▬▬ ▬▬▬ ▬▬ ▬▬▬▬ ▬ ▬▬▬ ▬▬▬ ▬▬ ▬▬▬▬ ▬ ▬▬▬ ▬▬▬ ▬▬ ▬▬▬▬ ▬ ▬▬▬ ▬▬▬ ▬▬ ▬▬▬▬ ▬ ▬▬▬ ▬▬▬ ▬▬ ▬▬▬▬ ▬ ▬▬▬ ▬▬▬ ▬▬ ▬▬▬▬ ▬ ▬▬▬ ▬▬▬ ▬▬ ▬▬▬▬ ▬ ▬▬▬ ▬▬▬ ▬▬ ▬▬▬▬ ▬ ▬▬▬ ▬▬▬ ▬▬ ▬▬▬▬ ▬ ▬▬▬ ▬▬▬ ▬▬ ▬▬▬▬ ▬ ▬▬▬ ▬▬▬ ▬▬ ▬▬▬▬ ▬ ▬▬▬ ▬▬▬ ▬▬ ▬▬▬▬ ▬ ▬▬▬ ▬▬▬ ▬▬ ▬▬▬▬ ▬ ▬▬▬ ▬▬▬ ▬▬ ▬▬▬▬ ▬ ▬▬▬ ▬▬▬ ▬▬ ▬▬▬▬ ▬ ▬▬▬ ▬▬▬ ▬▬ ▬▬▬▬ ▬ ▬▬▬ ▬▬▬

LATEST
TELEGRAMS.
IMPENDING SHIPPING WAR.
TENSION AT BREAKING POINT.
PER PRESS ASSOCIATION.

▬▬▬ ▬▬ ▬▬▬▬ ▬ ▬▬▬ ▬▬▬ ▬▬ ▬▬▬▬ ▬ ▬▬▬ ▬▬▬ ▬▬ ▬▬▬▬ ▬ ▬▬▬ ▬▬▬ ▬▬ ▬▬▬▬ ▬ ▬▬▬ ▬▬▬ ▬▬ ▬▬▬▬ ▬ ▬▬▬ ▬▬▬ ▬▬ ▬▬▬▬ ▬ ▬▬▬ ▬▬▬ ▬▬ ▬▬▬▬ ▬ ▬▬▬ ▬▬▬ ▬▬ ▬▬▬▬ ▬ ▬▬▬ ▬▬▬ ▬▬ ▬▬▬▬ ▬ ▬▬▬ ▬▬▬ ▬▬ ▬▬▬▬ ▬ ▬▬▬ ▬▬▬ ▬▬ ▬▬▬▬ ▬ ▬▬▬ ▬▬▬ ▬▬ ▬▬▬▬ ▬ ▬▬▬ ▬▬▬ ▬▬ ▬▬▬▬ ▬ ▬▬▬ ▬▬▬ ▬▬ ▬▬▬▬ ▬ ▬▬▬ ▬▬▬ ▬▬ ▬▬▬▬ ▬ ▬▬▬ ▬▬▬ ▬▬ ▬▬▬▬ ▬ ▬▬▬ ▬▬▬ ▬▬ ▬▬▬▬ ▬ ▬▬▬ ▬▬▬ ▬▬ ▬▬▬▬ ▬ ▬▬▬ ▬▬▬ ▬▬ ▬▬▬▬ ▬ ▬▬▬ ▬▬▬ ▬▬ ▬▬▬▬ ▬ ▬▬▬ ▬▬▬ ▬▬ ▬▬▬▬ ▬ ▬▬▬ ▬▬▬ ▬▬ ▬▬▬▬ ▬ ▬▬▬ ▬▬▬ ▬▬ ▬▬▬▬ ▬ ▬▬▬ ▬▬▬ ▬▬ ▬▬▬▬ ▬ ▬▬▬ ▬▬▬ ▬▬ ▬▬▬▬ ▬ ▬▬▬ ▬▬▬ ▬▬ ▬▬▬▬ ▬ ▬▬▬ ▬▬▬ ▬▬ ▬▬▬▬ ▬ ▬▬▬ ▬▬▬ ▬▬ ▬▬▬▬ ▬ ▬▬▬ ▬▬▬ ▬▬ ▬▬▬▬ ▬ ▬▬▬ ▬▬▬ ▬▬ ▬▬▬▬ ▬ ▬▬▬ ▬▬▬ ▬▬ ▬▬▬▬ ▬ ▬▬▬ ▬▬▬ ▬▬ ▬▬▬▬ ▬ ▬▬▬ ▬▬▬ ▬▬ ▬▬▬▬ ▬ ▬▬▬ ▬▬▬ ▬▬ ▬▬▬▬ ▬ ▬▬▬ ▬▬▬ ▬▬ ▬▬▬▬

FARMERS' MUTUAL FIRE INSURANCE.
A DISCOURAGING REPORT.

▬▬▬ ▬▬ ▬▬▬▬ ▬ ▬▬▬ ▬▬▬ ▬▬ ▬▬▬▬ ▬ ▬▬▬ ▬▬▬ ▬▬ ▬▬▬▬ ▬ ▬▬▬ ▬▬▬ ▬▬ ▬▬▬▬ ▬ ▬▬▬ ▬▬▬ ▬▬ ▬▬▬▬ ▬ ▬▬▬ ▬▬▬ ▬▬ ▬▬▬▬ ▬ ▬▬▬ ▬▬▬ ▬▬ ▬▬▬▬ ▬ ▬▬▬ ▬▬▬ ▬▬ ▬▬▬▬ ▬ ▬▬▬ ▬▬▬ ▬▬ ▬▬▬▬ ▬ ▬▬▬ ▬▬▬ ▬▬ ▬▬▬▬ ▬ ▬▬▬ ▬▬▬ ▬▬ ▬▬▬▬ ▬ ▬▬▬ ▬▬▬ ▬▬ ▬▬▬▬ ▬ ▬▬▬ ▬▬▬ ▬▬ ▬▬▬▬ ▬ ▬▬▬ ▬▬▬ ▬▬ ▬▬▬▬ ▬ ▬▬▬ ▬▬▬ ▬▬ ▬▬▬▬ ▬ ▬▬▬ ▬▬▬ ▬▬ ▬▬▬▬ ▬ ▬▬▬ ▬▬▬ ▬▬ ▬▬▬▬ ▬ ▬▬▬ ▬▬▬ ▬▬ ▬▬▬▬ ▬ ▬▬▬ ▬▬▬ ▬▬ ▬▬▬▬ ▬ ▬▬▬ ▬▬▬ ▬▬ ▬▬▬▬ ▬ ▬▬▬ ▬▬▬ ▬▬ ▬▬▬▬ ▬ ▬▬▬ ▬▬▬ ▬▬ ▬▬▬▬ ▬ ▬▬▬ ▬▬▬ ▬▬ ▬▬▬▬ ▬ ▬▬▬ ▬▬▬ ▬▬ ▬▬▬▬ ▬ ▬▬▬ ▬▬▬ ▬▬ ▬▬▬▬ ▬ ▬▬▬ ▬▬▬ ▬▬ ▬▬▬▬ ▬ ▬▬▬ ▬▬▬ ▬▬ ▬▬▬▬ ▬ ▬▬▬ ▬▬▬ ▬▬ ▬▬▬▬ ▬ ▬▬▬ ▬▬▬ ▬▬ ▬▬▬▬ ▬ ▬▬▬ ▬▬▬ ▬▬ ▬▬▬▬ ▬ ▬▬▬ ▬▬▬ ▬▬ ▬▬▬▬ ▬ ▬▬▬ ▬▬▬ ▬▬ ▬▬▬▬ ▬ ▬▬▬ ▬▬▬ ▬▬ ▬▬▬▬ ▬ ▬▬▬ ▬▬▬ ▬▬ ▬▬▬▬ ▬ ▬▬▬ ▬▬▬ ▬▬ ▬▬▬▬

LATE HARVEST IN OTAGO.

▬▬▬ ▬▬ ▬▬▬▬ ▬ ▬▬▬ ▬▬▬ ▬▬ ▬▬▬▬ ▬ ▬▬▬ ▬▬▬ ▬▬ ▬▬▬▬ ▬ ▬▬▬ ▬▬▬ ▬▬ ▬▬▬▬ ▬ ▬▬▬ ▬▬▬ ▬▬ ▬▬▬▬ ▬ ▬▬▬ ▬▬▬ ▬▬ ▬▬▬▬ ▬ ▬▬▬ ▬▬▬ ▬▬ ▬▬▬▬ ▬ ▬▬▬ ▬▬▬ ▬▬ ▬▬▬▬ ▬ ▬▬▬ ▬▬▬ ▬▬ ▬▬▬▬ ▬ ▬▬▬ ▬▬▬ ▬▬ ▬▬▬▬ ▬ ▬▬▬ ▬▬▬ ▬▬ ▬▬▬▬ ▬ ▬▬▬ ▬▬▬ ▬▬ ▬▬▬▬ ▬ ▬▬▬ ▬▬▬ ▬▬ ▬▬▬▬ ▬ ▬▬▬ ▬▬▬ ▬▬ ▬▬▬▬ ▬ ▬▬▬ ▬▬▬ ▬▬ ▬▬▬▬ ▬ ▬▬▬ ▬▬▬ ▬▬ ▬▬▬▬ ▬ ▬▬▬ ▬▬▬ ▬▬ ▬▬▬▬ ▬ ▬▬▬ ▬▬▬ ▬▬ ▬▬▬▬ ▬ ▬▬▬ ▬▬▬ ▬▬ ▬▬▬▬ ▬ ▬▬▬ ▬▬▬ ▬▬ ▬▬▬▬ ▬ ▬▬▬

MARRY IN HASTE.
ELTHAM MAINTENANCE CASE.

▬▬▬ ▬▬ ▬▬▬▬ ▬ ▬▬▬ ▬▬▬ ▬▬ ▬▬▬▬ ▬ ▬▬▬ ▬▬▬ ▬▬ ▬▬▬▬ ▬ ▬▬▬ ▬▬▬ ▬▬ ▬▬▬▬ ▬ ▬▬▬ ▬▬▬ ▬▬ ▬▬▬▬ ▬ ▬▬▬ ▬▬▬ ▬▬ ▬▬▬▬ ▬ ▬▬▬ ▬▬▬ ▬▬ ▬▬▬▬ ▬ ▬▬▬ ▬▬▬ ▬▬ ▬▬▬▬ ▬ ▬▬▬ ▬▬▬ ▬▬ ▬▬▬▬ ▬ ▬▬▬ ▬▬▬ ▬▬ ▬▬▬▬ ▬ ▬▬▬ ▬▬▬ ▬▬ ▬▬▬▬ ▬ ▬▬▬ ▬▬▬ ▬▬ ▬▬▬▬ ▬ ▬▬▬ ▬▬▬ ▬▬ ▬▬▬▬ ▬ ▬▬▬ ▬▬▬ ▬▬ ▬▬▬▬ ▬ ▬▬▬ ▬▬▬ ▬▬ ▬▬▬▬ ▬ ▬▬▬ ▬▬▬ ▬▬ ▬▬▬▬ ▬ ▬▬▬ ▬▬▬ ▬▬ ▬▬▬▬ ▬ ▬▬▬ ▬▬▬ ▬▬ ▬▬▬▬ ▬ ▬▬▬ ▬▬▬ ▬▬ ▬▬▬▬ ▬ ▬▬▬ ▬▬▬ ▬▬ ▬▬▬▬ ▬ ▬▬▬ ▬▬▬ ▬▬ ▬▬▬▬ ▬ ▬▬▬ ▬▬▬ ▬▬ ▬▬▬▬ ▬ ▬▬▬ ▬▬▬ ▬▬ ▬▬▬▬ ▬ ▬▬▬ ▬▬▬ ▬▬ ▬▬▬▬ ▬ ▬▬▬ ▬▬▬ ▬▬ ▬▬▬▬ ▬ ▬▬▬ ▬▬▬ ▬▬ ▬▬▬▬ ▬ ▬▬▬ ▬▬▬ ▬▬ ▬▬▬▬ ▬ ▬▬▬ ▬▬▬ ▬▬ ▬▬▬▬ ▬ ▬▬▬ ▬▬▬ ▬▬ ▬▬▬▬ ▬ ▬▬▬ ▬▬▬ ▬▬ ▬▬▬▬ ▬ ▬▬▬ ▬▬▬ ▬▬ ▬▬▬▬ ▬ ▬▬▬ ▬▬▬

ACCIDENTS AND FATALITIES.

▬▬▬ ▬▬ ▬▬▬▬ ▬ ▬▬▬ ▬▬▬ ▬▬ ▬▬▬▬ ▬ ▬▬▬ ▬▬▬ ▬▬ ▬▬▬▬ ▬ ▬▬▬ ▬▬▬ ▬▬ ▬▬▬▬ ▬ ▬▬▬ ▬▬▬ ▬▬ ▬▬▬▬ ▬ ▬▬▬ ▬▬▬ ▬▬ ▬▬▬▬ ▬ ▬▬▬ ▬▬▬ ▬▬ ▬▬▬▬ ▬ ▬▬▬ ▬▬▬ ▬▬ ▬▬▬▬ ▬ ▬▬▬ ▬▬▬ ▬▬ ▬▬▬▬ ▬ ▬▬▬ ▬▬▬ ▬▬ ▬▬▬▬ ▬ ▬▬▬ ▬▬▬ ▬▬ ▬▬▬▬ ▬ ▬▬▬ ▬▬▬ ▬▬ ▬▬▬▬ ▬ ▬▬▬ ▬▬▬ ▬▬ ▬▬▬▬ ▬ ▬▬▬ ▬▬▬ ▬▬ ▬▬▬▬ ▬ ▬▬▬ ▬▬▬ ▬▬ ▬▬▬▬ ▬ ▬▬▬ ▬▬▬ ▬▬ ▬▬▬▬ ▬ ▬▬▬ ▬▬▬ ▬▬ ▬▬▬▬ ▬ ▬▬▬ ▬▬▬ ▬▬ ▬▬▬▬ ▬ ▬▬▬ ▬▬▬ ▬▬ ▬▬▬▬ ▬ ▬▬▬ ▬▬▬ ▬▬ ▬▬▬▬ ▬ ▬▬▬ ▬▬▬ ▬▬ ▬▬▬▬ ▬ ▬▬▬ ▬▬▬ ▬▬ ▬▬▬▬ ▬ ▬▬▬ ▬▬▬ ▬▬ ▬▬▬▬ ▬ ▬▬▬ ▬▬▬ ▬▬ ▬▬▬▬ ▬ ▬▬▬ ▬▬▬ ▬▬ ▬▬▬▬ ▬ ▬▬▬ ▬▬▬ ▬▬ ▬▬▬▬ ▬ ▬▬▬ ▬▬▬ ▬▬ ▬▬▬▬ ▬ ▬▬▬ ▬▬▬ ▬▬ ▬▬▬▬ ▬ ▬▬▬ ▬▬▬ ▬▬ ▬▬▬▬ ▬ ▬▬▬ ▬▬▬ ▬▬ ▬▬▬▬ ▬ ▬▬▬ ▬▬▬ ▬▬ ▬▬▬▬ ▬ ▬▬▬ ▬▬▬

AMATEUR ATHLETICS.

▬▬▬ ▬▬ ▬▬▬▬ ▬ ▬▬▬ ▬▬▬ ▬▬ ▬▬▬▬ ▬ ▬▬▬ ▬▬▬ ▬▬ ▬▬▬▬ ▬ ▬▬▬ ▬▬▬ ▬▬ ▬▬▬▬ ▬ ▬▬▬ ▬▬▬ ▬▬ ▬▬▬▬ ▬ ▬▬▬ ▬▬▬ ▬▬ ▬▬▬▬ ▬ ▬▬▬ ▬▬▬ ▬▬ ▬▬▬▬ ▬ ▬▬▬ ▬▬▬ ▬▬ ▬▬▬▬ ▬ ▬▬▬ ▬▬▬ ▬▬ ▬▬▬▬ ▬ ▬▬▬ ▬▬▬ ▬▬ ▬▬▬▬ ▬ ▬▬▬ ▬▬▬ ▬▬ ▬▬▬▬ ▬ ▬▬▬ ▬▬▬ ▬▬ ▬▬▬▬ ▬ ▬▬▬ ▬▬▬ ▬▬ ▬▬▬▬ ▬ ▬▬▬ ▬▬▬ ▬▬ ▬▬▬▬ ▬ ▬▬▬ ▬▬▬ ▬▬ ▬▬▬▬ ▬ ▬▬▬ ▬▬▬ ▬▬ ▬▬▬▬ ▬ ▬▬▬ ▬▬▬ ▬▬ ▬▬▬▬ ▬ ▬▬▬ ▬▬▬ ▬▬ ▬▬▬▬ ▬ ▬▬▬ ▬▬▬ ▬▬ ▬▬▬▬ ▬ ▬▬▬ ▬▬▬ ▬▬ ▬▬▬▬ ▬ ▬▬▬ ▬▬▬ ▬▬ ▬▬▬▬ ▬ ▬▬▬ ▬▬▬ ▬▬ ▬▬▬▬ ▬ ▬▬▬ ▬▬▬ ▬▬ ▬▬▬▬ ▬ ▬▬▬ ▬▬▬ ▬▬ ▬▬▬▬ ▬ ▬▬▬ ▬▬▬ ▬▬ ▬▬▬▬ ▬ ▬▬▬ ▬▬▬ ▬▬ ▬▬▬▬

NEW PLYMOUTH RAILWAY DEVIATION.
THE PLANS NEARLY COMPLETE.
WORK TO BE COMMENCED SHORTLY.

▬▬▬ ▬▬ ▬▬▬▬ ▬ ▬▬▬ ▬▬▬ ▬▬ ▬▬▬▬ ▬ ▬▬▬ ▬▬▬ ▬▬ ▬▬▬▬ ▬ ▬▬▬ ▬▬▬ ▬▬ ▬▬▬▬ ▬ ▬▬▬ ▬▬▬ ▬▬ ▬▬▬▬ ▬ ▬▬▬ ▬▬▬ ▬▬ ▬▬▬▬ ▬ ▬▬▬ ▬▬▬ ▬▬ ▬▬▬▬ ▬ ▬▬▬ ▬▬▬ ▬▬ ▬▬▬▬ ▬ ▬▬▬ ▬▬▬ ▬▬ ▬▬▬▬ ▬ ▬▬▬ ▬▬▬ ▬▬ ▬▬▬▬ ▬ ▬▬▬ ▬▬▬ ▬▬ ▬▬▬▬ ▬ ▬▬▬ ▬▬▬ ▬▬ ▬▬▬▬ ▬ ▬▬▬ ▬▬▬ ▬▬ ▬▬▬▬ ▬ ▬▬▬ ▬▬▬ ▬▬ ▬▬▬▬ ▬ ▬▬▬ ▬▬▬ ▬▬ ▬▬▬▬ ▬ ▬▬▬ ▬▬▬ ▬▬ ▬▬▬▬ ▬ ▬▬▬ ▬▬▬ ▬▬ ▬▬▬▬ ▬ ▬▬▬ ▬▬▬ ▬▬ ▬▬▬▬ ▬ ▬▬▬ ▬▬▬ ▬▬ ▬▬▬▬ ▬ ▬▬▬ ▬▬▬ ▬▬ ▬▬▬▬ ▬ ▬▬▬

MEN'S HATS
4/6
6/11
8/11
10/6
Newest Shapes

▬▬▬ ▬▬ ▬▬▬▬ ▬ ▬▬▬ ▬▬▬ ▬▬ ▬▬▬▬ ▬ ▬▬▬ ▬▬▬ ▬▬ ▬▬▬▬ ▬ ▬▬▬ ▬▬▬ ▬▬ ▬▬▬▬ ▬ ▬▬▬ ▬▬▬ ▬▬ ▬▬▬▬ ▬ ▬▬▬ ▬▬▬ ▬▬ ▬▬▬▬ ▬ ▬▬▬ ▬▬▬ ▬▬ ▬▬▬▬

W. T. HOOKHAM
THE CASH CLOTHIER NEW PLYMOUTH
JEWELERY BUSINESS SOLD!

▬▬▬ ▬▬ ▬▬▬▬ ▬ ▬▬▬ ▬▬▬ ▬▬ ▬▬▬▬ ▬ ▬▬▬ ▬▬▬ ▬▬ ▬▬▬▬ ▬ ▬▬▬ ▬▬▬ ▬▬ ▬▬▬▬ ▬ ▬▬▬ ▬▬▬ ▬▬ ▬▬▬▬ ▬ ▬▬▬ ▬▬▬ ▬▬ ▬▬▬▬ ▬ ▬▬▬ ▬▬▬ ▬▬ ▬▬▬▬ ▬ ▬▬▬ ▬▬▬ ▬▬ ▬▬▬▬ ▬ ▬▬▬ ▬▬▬ ▬▬ ▬▬▬▬ ▬ ▬▬▬ ▬▬▬ ▬▬ ▬▬▬▬ ▬ ▬▬▬ ▬▬▬ ▬▬ ▬▬▬▬ ▬ ▬▬▬ ▬▬▬ ▬▬ ▬▬▬▬ ▬ ▬▬▬ ▬▬▬

STOCK MUST BE CLEARED.

▬▬▬ ▬▬ ▬▬▬▬ ▬ ▬▬▬ ▬▬▬ ▬▬ ▬▬▬▬ ▬ ▬▬▬ ▬▬▬ ▬▬ ▬▬▬▬ ▬ ▬▬▬ ▬▬▬ ▬▬ ▬▬▬▬ ▬ ▬▬▬ ▬▬▬ ▬▬ ▬▬▬▬ ▬ ▬▬▬ ▬▬▬ ▬▬ ▬▬▬▬ ▬ ▬▬▬ ▬▬▬ ▬▬ ▬▬▬▬ ▬ ▬▬▬ ▬▬▬ ▬▬ ▬▬▬▬ ▬ ▬▬▬ ▬▬▬ ▬▬ ▬▬▬▬ ▬ ▬▬▬ ▬▬▬ ▬▬ ▬▬▬▬ ▬ ▬▬▬

J. H. PARKER
JEWELLER AND OPTICIAN
(Next Railway Crossing)
DEVON STREET	NEW PLYMOUTH
LATEST
CABLE NEWS.
UNITED PRESS ASSOCIATION.—BY ELECTRIC TELEGRAPH.—COPYRIGHT.
NATAL CRISIS.
NARROW ESCAPES
ZULU'S AMONGST THE REBELS.
GOVERNMENT ORGANISING MILITIA.

▬▬▬ ▬▬ ▬▬▬▬ ▬ ▬▬▬ ▬▬▬ ▬▬ ▬▬▬▬ ▬ ▬▬▬ ▬▬▬ ▬▬ ▬▬▬▬ ▬ ▬▬▬ ▬▬▬ ▬▬ ▬▬▬▬ ▬ ▬▬▬ ▬▬▬ ▬▬ ▬▬▬▬ ▬ ▬▬▬ ▬▬▬ ▬▬ ▬▬▬▬ ▬ ▬▬▬ ▬▬▬ ▬▬ ▬▬▬▬ ▬ ▬▬▬ ▬▬▬ ▬▬ ▬▬▬▬ ▬ ▬▬▬ ▬▬▬ ▬▬ ▬▬▬▬ ▬ ▬▬▬ ▬▬▬ ▬▬ ▬▬▬▬ ▬ ▬▬▬ ▬▬▬ ▬▬ ▬▬▬▬ ▬ ▬▬▬ ▬▬▬ ▬▬ ▬▬▬▬ ▬ ▬▬▬ ▬▬▬ ▬▬ ▬▬▬▬ ▬ ▬▬▬ ▬▬▬ ▬▬ ▬▬▬▬ ▬ ▬▬▬ ▬▬▬ ▬▬ ▬▬▬▬ ▬ ▬▬▬ ▬▬▬ ▬▬ ▬▬▬▬ ▬ ▬▬▬ ▬▬▬ ▬▬ ▬▬▬▬ ▬ ▬▬▬ ▬▬▬ ▬▬ ▬▬▬▬ ▬ ▬▬▬ ▬▬▬ ▬▬ ▬▬▬▬ ▬ ▬▬▬ ▬▬▬ ▬▬ ▬▬▬▬ ▬ ▬▬▬ ▬▬▬ ▬▬ ▬▬▬▬ ▬ ▬▬▬ ▬▬▬ ▬▬ ▬▬▬▬ ▬ ▬▬▬ ▬▬▬ ▬▬ ▬▬▬▬ ▬ ▬▬▬ ▬▬▬ ▬▬ ▬▬▬▬ ▬ ▬▬▬ ▬▬▬ ▬▬ ▬▬▬▬ ▬ ▬▬▬ ▬▬▬ ▬▬ ▬▬▬▬ ▬ ▬▬▬ ▬▬▬ ▬▬ ▬▬▬▬ ▬ ▬▬▬ ▬▬▬ ▬▬ ▬▬▬▬ ▬ ▬▬▬ ▬▬▬ ▬▬ ▬▬▬▬ ▬ ▬▬▬ ▬▬▬ ▬▬ ▬▬▬▬ ▬ ▬▬▬ ▬▬▬ ▬▬ ▬▬▬▬ ▬ ▬▬▬ ▬▬▬ ▬▬ ▬▬▬▬ ▬ ▬▬▬ ▬▬▬ ▬▬ ▬▬▬▬ ▬ ▬▬▬ ▬▬▬ ▬▬ ▬▬▬▬ ▬ ▬▬▬ ▬▬▬ ▬▬ ▬▬▬▬ ▬ ▬▬▬ ▬▬▬ ▬▬ ▬▬▬▬ ▬ ▬▬▬ ▬▬▬ ▬▬ ▬▬▬▬ ▬ ▬▬▬ ▬▬▬ ▬▬ ▬▬▬▬ ▬ ▬▬▬ ▬▬▬ ▬▬ ▬▬▬▬ ▬ ▬▬▬ ▬▬▬ ▬▬ ▬▬▬▬ ▬ ▬▬▬ ▬▬▬ ▬▬ ▬▬▬▬ ▬ ▬▬▬ ▬▬▬ ▬▬ ▬▬▬▬ ▬ ▬▬▬ ▬▬▬ ▬▬ ▬▬▬▬ ▬ ▬▬▬ ▬▬▬ ▬▬

HOME TROOPS UNDER ORDERS.
20,000 REGULARS AT CAPE-TOWN.

▬▬▬ ▬▬ ▬▬▬▬ ▬ ▬▬▬ ▬▬▬ ▬▬ ▬▬▬▬ ▬ ▬▬▬ ▬▬▬ ▬▬ ▬▬▬▬ ▬ ▬▬▬ ▬▬▬ ▬▬ ▬▬▬▬ ▬ ▬▬▬ ▬▬▬ ▬▬ ▬▬▬▬ ▬ ▬▬▬ ▬▬▬ ▬▬ ▬▬▬▬ ▬ ▬▬▬ ▬▬▬ ▬▬ ▬▬▬▬ ▬ ▬▬▬ ▬▬▬ ▬▬ ▬▬▬▬ ▬ ▬▬▬ ▬▬▬ ▬▬ ▬▬▬▬ ▬ ▬▬▬ ▬▬▬ ▬▬ ▬▬▬▬ ▬ ▬▬▬ ▬▬▬ ▬▬ ▬▬▬▬ ▬ ▬▬▬ ▬▬▬ ▬▬ ▬▬▬▬ ▬ ▬▬▬ ▬▬▬ ▬▬ ▬▬▬▬ ▬ ▬▬▬ ▬▬▬ ▬▬ ▬▬▬▬ ▬ ▬▬▬ ▬▬▬ ▬▬ ▬▬▬▬ ▬ ▬▬▬ ▬▬▬ ▬▬ ▬▬▬▬ ▬ ▬▬▬ ▬▬▬ ▬▬ ▬▬▬▬ ▬ ▬▬▬ ▬▬▬ ▬▬ ▬▬▬▬ ▬ ▬▬▬ ▬▬▬ ▬▬ ▬▬▬▬ ▬ ▬▬▬ ▬▬▬ ▬▬ ▬▬▬▬ ▬ ▬▬▬ ▬▬▬ ▬▬ ▬▬▬▬ ▬ ▬▬▬ ▬▬▬

REINFORCEMENTS ARRIVE.
PREPARING TO SHELL THE REBELS.
NATIVE AUXILIARIES CO-OPERATING.
LOYAL IMPI ANXIOUS TO FIGHT.

▬▬▬ ▬▬ ▬▬▬▬ ▬ ▬▬▬ ▬▬▬ ▬▬ ▬▬▬▬ ▬ ▬▬▬ ▬▬▬ ▬▬ ▬▬▬▬ ▬ ▬▬▬ ▬▬▬ ▬▬ ▬▬▬▬ ▬ ▬▬▬ ▬▬▬ ▬▬ ▬▬▬▬ ▬ ▬▬▬ ▬▬▬ ▬▬ ▬▬▬▬ ▬ ▬▬▬ ▬▬▬ ▬▬ ▬▬▬▬ ▬ ▬▬▬ ▬▬▬ ▬▬ ▬▬▬▬ ▬ ▬▬▬ ▬▬▬ ▬▬ ▬▬▬▬ ▬ ▬▬▬ ▬▬▬ ▬▬ ▬▬▬▬ ▬ ▬▬▬ ▬▬▬ ▬▬ ▬▬▬▬ ▬ ▬▬▬ ▬▬▬ ▬▬ ▬▬▬▬ ▬ ▬▬▬ ▬▬▬ ▬▬ ▬▬▬▬ ▬ ▬▬▬ ▬▬▬ ▬▬ ▬▬▬▬ ▬ ▬▬▬ ▬▬▬ ▬▬ ▬▬▬▬ ▬ ▬▬▬ ▬▬▬ ▬▬ ▬▬▬▬ ▬ ▬▬▬ ▬▬▬ ▬▬ ▬▬▬▬ ▬ ▬▬▬ ▬▬▬ ▬▬ ▬▬▬▬ ▬ ▬▬▬ ▬▬▬ ▬▬ ▬▬▬▬ ▬ ▬▬▬ ▬▬▬ ▬▬ ▬▬▬▬ ▬ ▬▬▬ ▬▬▬ ▬▬ ▬▬▬▬ ▬ ▬▬▬ ▬▬▬ ▬▬ ▬▬▬▬ ▬ ▬▬▬ ▬▬▬ ▬▬ ▬▬▬▬ ▬ ▬▬▬ ▬▬▬ ▬▬ ▬▬▬▬ ▬ ▬▬▬ ▬▬▬ ▬▬ ▬▬▬▬ ▬ ▬▬▬ ▬▬▬ ▬▬ ▬▬▬▬ ▬ ▬▬▬ ▬▬▬ ▬▬ ▬▬▬▬ ▬ ▬▬▬ ▬▬▬ ▬▬ ▬▬▬▬ ▬ ▬▬▬ ▬▬▬ ▬▬ ▬▬▬▬ ▬ ▬▬▬ ▬▬▬ ▬▬ ▬▬▬▬ ▬ ▬▬▬ ▬▬▬ ▬▬ ▬▬▬▬ ▬ ▬▬▬ ▬▬▬ ▬▬ ▬▬▬▬ ▬ ▬▬▬ ▬▬▬ ▬▬ ▬▬▬▬ ▬ ▬▬▬ ▬▬▬ ▬▬ ▬▬▬▬ ▬ ▬▬▬ ▬▬▬ ▬▬ ▬▬▬▬ ▬ ▬▬▬ ▬▬▬ ▬▬ ▬▬▬▬ ▬ ▬▬▬ ▬▬▬ ▬▬ ▬▬▬▬ ▬ ▬▬▬ ▬▬▬ ▬▬ ▬▬▬▬ ▬ ▬▬▬ ▬▬▬ ▬▬ ▬▬▬▬ ▬ ▬▬▬ ▬▬▬ ▬▬ ▬▬▬▬ ▬ ▬▬▬ ▬▬▬ ▬▬ ▬▬▬▬ ▬ ▬▬▬ ▬▬▬ ▬▬ ▬▬▬▬ ▬ ▬▬▬ ▬▬▬

THE COURRIERES DISASTER
FINANCIAL ASSISTANCE FROM ENGLISH WORKERS.

▬▬▬ ▬▬ ▬▬▬▬ ▬ ▬▬▬ ▬▬▬ ▬▬ ▬▬▬▬ ▬ ▬▬▬ ▬▬▬ ▬▬ ▬▬▬▬ ▬ ▬▬▬ ▬▬▬ ▬▬ ▬▬▬▬ ▬ ▬▬▬ ▬▬▬ ▬▬ ▬▬▬▬ ▬ ▬▬▬ ▬▬▬ ▬▬ ▬▬▬▬ ▬ ▬▬▬ ▬▬▬ ▬▬ ▬▬▬▬ ▬ ▬▬▬ ▬▬▬ ▬▬ ▬▬▬▬ ▬ ▬▬▬ ▬▬▬ ▬▬ ▬▬▬▬ ▬ ▬▬▬ ▬▬▬ ▬▬ ▬▬▬▬ ▬ ▬▬▬ ▬▬▬ ▬▬ ▬▬▬▬ ▬ ▬▬▬ ▬▬▬ ▬▬ ▬▬▬▬ ▬ ▬▬▬ ▬▬▬ ▬▬ ▬▬▬▬ ▬ ▬▬▬ ▬▬▬ ▬▬ ▬▬▬▬ ▬ ▬▬▬ ▬▬▬ ▬▬ ▬▬▬▬ ▬ ▬▬▬ ▬▬▬ ▬▬ ▬▬▬▬ ▬ ▬▬▬ ▬▬▬ ▬▬ ▬▬▬▬

AN IMPERIAL CONFERENCE
CHAMBER OF COMMERCE CONGRESS.
PREFERENTIAL RESOLUTIONS.

▬▬▬ ▬▬ ▬▬▬▬ ▬ ▬▬▬ ▬▬▬ ▬▬ ▬▬▬▬ ▬ ▬▬▬ ▬▬▬ ▬▬ ▬▬▬▬ ▬ ▬▬▬ ▬▬▬ ▬▬ ▬▬▬▬ ▬ ▬▬▬ ▬▬▬ ▬▬ ▬▬▬▬ ▬ ▬▬▬ ▬▬▬ ▬▬ ▬▬▬▬ ▬ ▬▬▬ ▬▬▬ ▬▬ ▬▬▬▬ ▬ ▬▬▬ ▬▬▬ ▬▬ ▬▬▬▬ ▬ ▬▬▬ ▬▬▬ ▬▬ ▬▬▬▬ ▬ ▬▬▬ ▬▬▬ ▬▬ ▬▬▬▬ ▬ ▬▬▬ ▬▬▬ ▬▬ ▬▬▬▬ ▬ ▬▬▬ ▬▬▬ ▬▬ ▬▬▬▬ ▬ ▬▬▬ ▬▬▬ ▬▬ ▬▬▬▬ ▬ ▬▬▬ ▬▬▬ ▬▬ ▬▬▬▬ ▬ ▬▬▬ ▬▬▬ ▬▬ ▬▬▬▬ ▬ ▬▬▬ ▬▬▬ ▬▬ ▬▬▬▬ ▬ ▬▬▬ ▬▬▬ ▬▬ ▬▬▬▬ ▬ ▬▬▬ ▬▬▬ ▬▬ ▬▬▬▬ ▬ ▬▬▬ ▬▬▬ ▬▬ ▬▬▬▬ ▬ ▬▬▬ ▬▬▬ ▬▬ ▬▬▬▬ ▬ ▬▬▬ ▬▬▬ ▬▬ ▬▬▬▬ ▬ ▬▬▬ ▬▬▬

LYNCH LAW IN POLAND.
NOTORIOUS GAMBLERS SHOT

▬▬▬ ▬▬ ▬▬▬▬ ▬ ▬▬▬ ▬▬▬ ▬▬ ▬▬▬▬ ▬ ▬▬▬ ▬▬▬ ▬▬ ▬▬▬▬ ▬ ▬▬▬ ▬▬▬ ▬▬ ▬▬▬▬ ▬ ▬▬▬ ▬▬▬ ▬▬ ▬▬▬▬ ▬ ▬▬▬ ▬▬▬ ▬▬ ▬▬▬▬ ▬ ▬▬▬ ▬▬▬ ▬▬ ▬▬▬▬ ▬ ▬▬▬ ▬▬▬ ▬▬ ▬▬▬▬ ▬ ▬▬▬ ▬▬▬ ▬▬ ▬▬▬▬ ▬ ▬▬▬ ▬▬▬ ▬▬ ▬▬▬▬ ▬ ▬▬▬ ▬▬▬ ▬▬ ▬▬▬▬ ▬ ▬▬▬ ▬▬▬ ▬▬ ▬▬▬▬ ▬ ▬▬▬ ▬▬▬ ▬▬ ▬▬▬▬ ▬ ▬▬▬ ▬▬▬ ▬▬ ▬▬▬▬ ▬ ▬▬▬ ▬▬▬ ▬▬ ▬▬▬▬ ▬ ▬▬▬ ▬▬▬ ▬▬ ▬▬▬▬ ▬ ▬▬▬ ▬▬▬ ▬▬ ▬▬▬▬

FRENCH STRIKES CONTINUE
RUTHLESS DESTRUCTION OF PROPERTY.
THE MINERS' DEMANDS

▬▬▬ ▬▬ ▬▬▬▬ ▬ ▬▬▬ ▬▬▬ ▬▬ ▬▬▬▬ ▬ ▬▬▬ ▬▬▬ ▬▬ ▬▬▬▬ ▬ ▬▬▬ ▬▬▬ ▬▬ ▬▬▬▬ ▬ ▬▬▬ ▬▬▬ ▬▬ ▬▬▬▬ ▬ ▬▬▬ ▬▬▬ ▬▬ ▬▬▬▬ ▬ ▬▬▬ ▬▬▬ ▬▬ ▬▬▬▬ ▬ ▬▬▬ ▬▬▬ ▬▬ ▬▬▬▬ ▬ ▬▬▬ ▬▬▬ ▬▬ ▬▬▬▬ ▬ ▬▬▬ ▬▬▬ ▬▬ ▬▬▬▬ ▬ ▬▬▬ ▬▬▬ ▬▬ ▬▬▬▬ ▬ ▬▬▬ ▬▬▬ ▬▬ ▬▬▬▬ ▬ ▬▬▬ ▬▬▬ ▬▬ ▬▬▬▬ ▬ ▬▬▬ ▬▬▬ ▬▬ ▬▬▬▬ ▬ ▬▬▬ ▬▬▬ ▬▬ ▬▬▬▬ ▬ ▬▬▬ ▬▬▬ ▬▬ ▬▬▬▬ ▬ ▬▬▬ ▬▬▬ ▬▬ ▬▬▬▬ ▬ ▬▬▬ ▬▬▬ ▬▬ ▬▬▬▬ ▬ ▬▬▬ ▬▬▬ ▬▬ ▬▬▬▬ ▬ ▬▬▬ ▬▬▬ ▬▬ ▬▬▬▬ ▬ ▬▬▬ ▬▬▬ ▬▬ ▬▬▬▬ ▬ ▬▬▬ ▬▬▬ ▬▬ ▬▬▬▬ ▬ ▬▬▬ ▬▬▬ ▬▬ ▬▬▬▬ ▬ ▬▬▬ ▬▬▬ ▬▬ ▬▬▬▬ ▬ ▬▬▬ ▬▬▬ ▬▬ ▬▬▬▬ ▬ ▬▬▬ ▬▬▬ ▬▬ ▬▬▬▬ ▬ ▬▬▬ ▬▬▬ ▬▬ ▬▬▬▬ ▬ ▬▬▬ ▬▬▬ ▬▬ ▬▬▬▬ ▬ ▬▬▬ ▬▬▬ ▬▬ ▬▬▬▬ ▬ ▬▬▬ ▬▬▬ ▬▬ ▬▬▬▬ ▬ ▬▬▬ ▬▬▬ ▬▬ ▬▬▬▬ ▬ ▬▬▬ ▬▬▬

A SCULLING MATCH.

▬▬▬ ▬▬ ▬▬▬▬ ▬ ▬▬▬ ▬▬▬ ▬▬ ▬▬▬▬ ▬ ▬▬▬ ▬▬▬ ▬▬ ▬▬▬▬ ▬ ▬▬▬ ▬▬▬ ▬▬ ▬▬▬▬ ▬ ▬▬▬ ▬▬▬ ▬▬ ▬▬▬▬ ▬ ▬▬▬ ▬▬▬ ▬▬ ▬▬▬▬ ▬ ▬▬▬ ▬▬▬ ▬▬ ▬▬▬▬ ▬ ▬▬▬ ▬▬▬ ▬▬ ▬▬▬▬ ▬ ▬▬▬ ▬▬▬ ▬▬ ▬▬▬▬ ▬ ▬▬▬ ▬▬▬ ▬▬ ▬▬▬▬ ▬ ▬▬▬ ▬▬▬ ▬▬ ▬▬▬▬ ▬ ▬▬▬ ▬▬▬ ▬▬ ▬▬▬▬ ▬ ▬▬▬ ▬▬▬ ▬▬ ▬▬▬▬ ▬ ▬▬▬ ▬▬▬ ▬▬ ▬▬▬▬ ▬ ▬▬▬ ▬▬▬ ▬▬ ▬▬▬▬ ▬ ▬▬▬ ▬▬▬ ▬▬ ▬▬▬▬ ▬ ▬▬▬ ▬▬▬ ▬▬ ▬▬▬▬ ▬ ▬▬▬ ▬▬▬ ▬▬ ▬▬▬▬ ▬ ▬▬▬ ▬▬▬ ▬▬ ▬▬▬▬ ▬ ▬▬▬ ▬▬▬ ▬▬ ▬▬▬▬ ▬ ▬▬▬ ▬▬▬ ▬▬ ▬▬▬▬ ▬ ▬▬▬ ▬▬▬ ▬▬ ▬▬▬▬ ▬ ▬▬▬ ▬▬▬ ▬▬ ▬▬▬▬ ▬ ▬▬▬ ▬▬▬ ▬▬ ▬▬▬▬ ▬ ▬▬▬ ▬▬▬ ▬▬ ▬▬▬▬

CABLE NEWS
UNITED PRESS ASSOCIATION.—BY ELECTRIC TELEGRAPH.—COPYRIGHT.
IMPERIAL POLITICS.
A BY-ELECTION.

▬▬▬ ▬▬ ▬▬▬▬ ▬ ▬▬▬ ▬▬▬ ▬▬ ▬▬▬▬ ▬ ▬▬▬ ▬▬▬ ▬▬ ▬▬▬▬ ▬ ▬▬▬ ▬▬▬ ▬▬ ▬▬▬▬ ▬ ▬▬▬ ▬▬▬ ▬▬ ▬▬▬▬ ▬ ▬▬▬ ▬▬▬ ▬▬ ▬▬▬▬ ▬ ▬▬▬ ▬▬▬ ▬▬ ▬▬▬▬ ▬ ▬▬▬ ▬▬▬ ▬▬ ▬▬▬▬ ▬ ▬▬▬ ▬▬▬ ▬▬ ▬▬▬▬ ▬ ▬▬▬ ▬▬▬ ▬▬ ▬▬▬▬ ▬ ▬▬▬ ▬▬▬ ▬▬ ▬▬▬▬ ▬ ▬▬▬ ▬▬▬ ▬▬ ▬▬▬▬ ▬ ▬▬▬ ▬▬▬ ▬▬ ▬▬▬▬ ▬ ▬▬▬ ▬▬▬ ▬▬ ▬▬▬▬ ▬ ▬▬▬ ▬▬▬ ▬▬ ▬▬▬▬ ▬ ▬▬▬ ▬▬▬ ▬▬ ▬▬▬▬ ▬ ▬▬▬ ▬▬▬ ▬▬ ▬▬▬▬

LIVE STOCK IMPORTATION.
A CANADIAN PROPOSAL.

▬▬▬ ▬▬ ▬▬▬▬ ▬ ▬▬▬ ▬▬▬ ▬▬ ▬▬▬▬ ▬ ▬▬▬ ▬▬▬ ▬▬ ▬▬▬▬ ▬ ▬▬▬ ▬▬▬ ▬▬ ▬▬▬▬ ▬ ▬▬▬ ▬▬▬ ▬▬ ▬▬▬▬ ▬ ▬▬▬ ▬▬▬ ▬▬ ▬▬▬▬ ▬ ▬▬▬ ▬▬▬ ▬▬ ▬▬▬▬ ▬ ▬▬▬ ▬▬▬ ▬▬ ▬▬▬▬ ▬ ▬▬▬ ▬▬▬ ▬▬ ▬▬▬▬ ▬ ▬▬▬ ▬▬▬ ▬▬ ▬▬▬▬ ▬ ▬▬▬ ▬▬▬ ▬▬ ▬▬▬▬ ▬ ▬▬▬ ▬▬▬ ▬▬ ▬▬▬▬ ▬ ▬▬▬ ▬▬▬ ▬▬ ▬▬▬▬ ▬ ▬▬▬ ▬▬▬ ▬▬ ▬▬▬▬ ▬ ▬▬▬ ▬▬▬ ▬▬ ▬▬▬▬ ▬ ▬▬▬ ▬▬▬ ▬▬ ▬▬▬▬ ▬ ▬▬▬ ▬▬▬ ▬▬ ▬▬▬▬ ▬ ▬▬▬ ▬▬▬ ▬▬ ▬▬▬▬ ▬ ▬▬▬ ▬▬▬ ▬▬ ▬▬▬▬ ▬ ▬▬▬ ▬▬▬ ▬▬ ▬▬▬▬ ▬ ▬▬▬ ▬▬▬ ▬▬ ▬▬▬▬ ▬ ▬▬▬ ▬▬▬ ▬▬ ▬▬▬▬ ▬ ▬▬▬ ▬▬▬ ▬▬ ▬▬▬▬ ▬ ▬▬▬ ▬▬▬ ▬▬ ▬▬▬▬ ▬ ▬▬▬ ▬▬▬ ▬▬ ▬▬▬▬

IMPORTANT FEDERAL PROPOSALS.
IMMIGRATION ENCOURAGE-MENT.
A NEW MAIL CONTRACT.

▬▬▬ ▬▬ ▬▬▬▬ ▬ ▬▬▬ ▬▬▬ ▬▬ ▬▬▬▬ ▬ ▬▬▬ ▬▬▬ ▬▬ ▬▬▬▬ ▬ ▬▬▬ ▬▬▬ ▬▬ ▬▬▬▬ ▬ ▬▬▬ ▬▬▬ ▬▬ ▬▬▬▬ ▬ ▬▬▬ ▬▬▬ ▬▬ ▬▬▬▬ ▬ ▬▬▬ ▬▬▬ ▬▬ ▬▬▬▬ ▬ ▬▬▬ ▬▬▬ ▬▬ ▬▬▬▬ ▬ ▬▬▬ ▬▬▬ ▬▬ ▬▬▬▬ ▬ ▬▬▬ ▬▬▬ ▬▬ ▬▬▬▬ ▬ ▬▬▬ ▬▬▬ ▬▬ ▬▬▬▬ ▬ ▬▬▬ ▬▬▬ ▬▬ ▬▬▬▬ ▬ ▬▬▬ ▬▬▬ ▬▬ ▬▬▬▬ ▬ ▬▬▬ ▬▬▬ ▬▬ ▬▬▬▬ ▬ ▬▬▬ ▬▬▬ ▬▬ ▬▬▬▬ ▬ ▬▬▬ ▬▬▬ ▬▬ ▬▬▬▬ ▬ ▬▬▬ ▬▬▬ ▬▬ ▬▬▬▬ ▬ ▬▬▬ ▬▬▬ ▬▬ ▬▬▬▬ ▬ ▬▬▬ ▬▬▬ ▬▬ ▬▬▬▬ ▬ ▬▬▬ ▬▬▬ ▬▬ ▬▬▬▬ ▬ ▬▬▬ ▬▬▬ ▬▬ ▬▬▬▬ ▬ ▬▬▬ ▬▬▬ ▬▬ ▬▬▬▬ ▬ ▬▬▬ ▬▬▬ ▬▬ ▬▬▬▬ ▬ ▬▬▬ ▬▬▬ ▬▬ ▬▬▬▬ ▬ ▬▬▬ ▬▬▬ ▬▬ ▬▬▬▬ ▬ ▬▬▬ ▬▬▬ ▬▬ ▬▬▬▬ ▬ ▬▬▬ ▬▬▬ ▬▬ ▬▬▬▬ ▬ ▬▬▬ ▬▬▬ ▬▬ ▬▬▬▬ ▬ ▬▬▬ ▬▬▬ ▬▬ ▬▬▬▬ ▬ ▬▬▬ ▬▬▬ ▬▬ ▬▬▬▬ ▬ ▬▬▬ ▬▬▬ ▬▬ ▬▬▬▬ ▬ ▬▬▬ ▬▬▬ ▬▬ ▬▬▬▬ ▬ ▬▬▬ ▬▬▬ ▬▬ ▬▬▬▬ ▬ ▬▬▬ ▬▬▬ ▬▬ ▬▬▬▬ ▬ ▬▬▬ ▬▬▬ ▬▬ ▬▬▬▬ ▬ ▬▬▬ ▬▬▬ ▬▬ ▬▬▬▬ ▬ ▬▬▬ ▬▬▬ ▬▬ ▬▬▬▬ ▬ ▬▬▬ ▬▬▬ ▬▬ ▬▬▬▬ ▬ ▬▬▬ ▬▬▬ ▬▬ ▬▬▬▬ ▬ ▬▬▬ ▬▬▬ ▬▬ ▬▬▬▬ ▬ ▬▬▬ ▬▬▬ ▬▬ ▬▬▬▬ ▬ ▬▬▬ ▬▬▬ ▬▬ ▬▬▬▬ ▬ ▬▬▬ ▬▬▬ ▬▬ ▬▬▬▬ ▬ ▬▬▬ ▬▬▬ ▬▬ ▬▬▬▬ ▬ ▬▬▬ ▬▬▬ ▬▬ ▬▬▬▬ ▬ ▬▬▬ ▬▬▬ ▬▬ ▬▬▬▬ ▬ ▬▬▬ ▬▬▬ ▬▬ ▬▬▬▬ ▬ ▬▬▬ ▬▬▬ ▬▬ ▬▬▬▬ ▬ ▬▬▬ ▬▬▬ ▬▬ ▬▬▬▬ ▬ ▬▬▬ ▬▬▬ ▬▬ ▬▬▬▬ ▬ ▬▬▬ ▬▬▬ ▬▬ ▬▬▬▬ ▬ ▬▬▬ ▬▬▬ ▬▬ ▬▬▬▬ ▬ ▬▬▬ ▬▬▬ ▬▬ ▬▬▬▬ ▬ ▬▬▬ ▬▬▬ ▬▬ ▬▬▬▬ ▬ ▬▬▬ ▬▬▬ ▬▬ ▬▬▬▬ ▬ ▬▬▬ ▬▬▬ ▬▬ ▬▬▬▬ ▬ ▬▬▬ ▬▬▬ ▬▬ ▬▬▬▬ ▬ ▬▬▬ ▬▬▬ ▬▬ ▬▬▬▬ ▬ ▬▬▬ ▬▬▬ ▬▬ ▬▬▬▬ ▬ ▬▬▬ ▬▬▬ ▬▬ ▬▬▬▬ ▬ ▬▬▬ ▬▬▬ ▬▬ ▬▬▬▬ ▬ ▬▬▬ ▬▬▬ ▬▬ ▬▬▬▬ ▬ ▬▬▬ ▬▬▬ ▬▬ ▬▬▬▬ ▬ ▬▬▬ ▬▬▬ ▬▬ ▬▬▬▬ ▬ ▬▬▬ ▬▬▬ ▬▬ ▬▬▬▬ ▬ ▬▬▬ ▬▬▬ ▬▬ ▬▬▬▬ ▬ ▬▬▬ ▬▬▬ ▬▬ ▬▬▬▬

THE HAGUE CONFERENCE.
PROPOSALS OF THE CZAR.
REDUCED ARMAMENTS NOT INCLUDED.

▬▬▬ ▬▬ ▬▬▬▬ ▬ ▬▬▬ ▬▬▬ ▬▬ ▬▬▬▬ ▬ ▬▬▬ ▬▬▬ ▬▬ ▬▬▬▬ ▬ ▬▬▬ ▬▬▬ ▬▬ ▬▬▬▬ ▬ ▬▬▬ ▬▬▬ ▬▬ ▬▬▬▬ ▬ ▬▬▬ ▬▬▬ ▬▬ ▬▬▬▬ ▬ ▬▬▬ ▬▬▬ ▬▬ ▬▬▬▬ ▬ ▬▬▬ ▬▬▬ ▬▬ ▬▬▬▬ ▬ ▬▬▬ ▬▬▬ ▬▬ ▬▬▬▬ ▬ ▬▬▬ ▬▬▬ ▬▬ ▬▬▬▬ ▬ ▬▬▬ ▬▬▬ ▬▬ ▬▬▬▬ ▬ ▬▬▬ ▬▬▬ ▬▬ ▬▬▬▬ ▬ ▬▬▬ ▬▬▬ ▬▬ ▬▬▬▬ ▬ ▬▬▬ ▬▬▬ ▬▬ ▬▬▬▬ ▬ ▬▬▬ ▬▬▬ ▬▬ ▬▬▬▬ ▬ ▬▬▬ ▬▬▬ ▬▬ ▬▬▬▬ ▬ ▬▬▬ ▬▬▬ ▬▬ ▬▬▬▬ ▬ ▬▬▬ ▬▬▬ ▬▬ ▬▬▬▬ ▬ ▬▬▬ ▬▬▬ ▬▬ ▬▬▬▬ ▬ ▬▬▬ ▬▬▬ ▬▬ ▬▬▬▬ ▬ ▬▬▬ ▬▬▬ ▬▬ ▬▬▬▬ ▬ ▬▬▬ ▬▬▬ ▬▬ ▬▬▬▬ ▬ ▬▬▬ ▬▬▬ ▬▬ ▬▬▬▬ ▬ ▬▬▬ ▬▬▬ ▬▬ ▬▬▬▬ ▬ ▬▬▬ ▬▬▬ ▬▬ ▬▬▬▬ ▬ ▬▬▬ ▬▬▬ ▬▬ ▬▬▬▬ ▬ ▬▬▬ ▬▬▬ ▬▬ ▬▬▬▬ ▬ ▬▬▬ ▬▬▬ ▬▬ ▬▬▬▬ ▬ ▬▬▬ ▬▬▬ ▬▬ ▬▬▬▬ ▬ ▬▬▬ ▬▬▬ ▬▬ ▬▬▬▬ ▬ ▬▬▬ ▬▬▬ ▬▬ ▬▬▬▬ ▬ ▬▬▬ ▬▬▬ ▬▬ ▬▬▬▬ ▬ ▬▬▬ ▬▬▬ ▬▬ ▬▬▬▬ ▬ ▬▬▬ ▬▬▬ ▬▬ ▬▬▬▬ ▬ ▬▬▬ ▬▬▬ ▬▬ ▬▬▬▬ ▬ ▬▬▬ ▬▬▬ ▬▬ ▬▬▬▬ ▬ ▬▬▬ ▬▬▬ ▬▬ ▬▬▬▬ ▬ ▬▬▬ ▬▬▬ ▬▬ ▬▬▬▬ ▬ ▬▬▬ ▬▬▬ ▬▬ ▬▬▬▬ ▬ ▬▬▬ ▬▬▬ ▬▬ ▬▬▬▬ ▬ ▬▬▬ ▬▬▬ ▬▬ ▬▬▬▬ ▬ ▬▬▬ ▬▬▬ ▬▬ ▬▬▬▬ ▬ ▬▬▬ ▬▬▬

GREEK BAND ANNIHILATED.
BY TURKISH TROOPS.

▬▬▬ ▬▬ ▬▬▬▬ ▬ ▬▬▬ ▬▬▬ ▬▬ ▬▬▬▬ ▬ ▬▬▬ ▬▬▬ ▬▬ ▬▬▬▬ ▬ ▬▬▬ ▬▬▬ ▬▬ ▬▬▬▬ ▬ ▬▬▬ ▬▬▬ ▬▬ ▬▬▬▬ ▬ ▬▬▬ ▬▬▬ ▬▬ ▬▬▬▬ ▬ ▬▬▬ ▬▬▬ ▬▬ ▬▬▬▬ ▬ ▬▬▬ ▬▬▬ ▬▬ ▬▬▬▬ ▬ ▬▬▬ ▬▬▬ ▬▬ ▬▬▬▬ ▬ ▬▬▬ ▬▬▬ ▬▬ ▬▬▬▬ ▬ ▬▬▬ ▬▬▬ ▬▬ ▬▬▬▬ ▬ ▬▬▬ ▬▬▬

VESUVIUS IN ERUPTION.
VINEYARDS DESTROYED.
STONES FALLING DOWN THE MOUNTAIN.

▬▬▬ ▬▬ ▬▬▬▬ ▬ ▬▬▬ ▬▬▬ ▬▬ ▬▬▬▬ ▬ ▬▬▬ ▬▬▬ ▬▬ ▬▬▬▬ ▬ ▬▬▬ ▬▬▬ ▬▬ ▬▬▬▬ ▬ ▬▬▬ ▬▬▬ ▬▬ ▬▬▬▬ ▬ ▬▬▬ ▬▬▬ ▬▬ ▬▬▬▬ ▬ ▬▬▬ ▬▬▬ ▬▬ ▬▬▬▬ ▬ ▬▬▬ ▬▬▬ ▬▬ ▬▬▬▬ ▬ ▬▬▬ ▬▬▬ ▬▬ ▬▬▬▬ ▬ ▬▬▬ ▬▬▬ ▬▬ ▬▬▬▬ ▬ ▬▬▬ ▬▬▬ ▬▬ ▬▬▬▬ ▬ ▬▬▬ ▬▬▬ ▬▬ ▬▬▬▬ ▬ ▬▬▬ ▬▬▬ ▬▬ ▬▬▬▬ ▬ ▬▬▬ ▬▬▬ ▬▬ ▬▬▬▬ ▬ ▬▬▬ ▬▬▬ ▬▬ ▬▬▬▬ ▬ ▬▬▬ ▬▬▬ ▬▬ ▬▬▬▬ ▬ ▬▬▬ ▬▬▬ ▬▬ ▬▬▬▬ ▬ ▬▬▬ ▬▬▬ ▬▬ ▬▬▬▬ ▬ ▬▬▬ ▬▬▬ ▬▬ ▬▬▬▬ ▬ ▬▬▬ ▬▬▬ ▬▬ ▬▬▬▬ ▬ ▬▬▬ ▬▬▬ ▬▬ ▬▬▬▬ ▬ ▬▬▬ ▬▬▬ ▬▬ ▬▬▬▬ ▬ ▬▬▬ ▬▬▬ ▬▬ ▬▬▬▬ ▬ ▬▬▬ ▬▬▬ ▬▬ ▬▬▬▬ ▬ ▬▬▬ ▬▬▬ ▬▬ ▬▬▬▬ ▬ ▬▬▬ ▬▬▬ ▬▬ ▬▬▬▬ ▬ ▬▬▬ ▬▬▬ ▬▬ ▬▬▬▬

NEW HEBRIDES AGREEMENT
AUSTRALIA SAFEGUARDING HER INTERESTS.

▬▬▬ ▬▬ ▬▬▬▬ ▬ ▬▬▬ ▬▬▬ ▬▬ ▬▬▬▬ ▬ ▬▬▬ ▬▬▬ ▬▬ ▬▬▬▬ ▬ ▬▬▬ ▬▬▬ ▬▬ ▬▬▬▬ ▬ ▬▬▬ ▬▬▬ ▬▬ ▬▬▬▬ ▬ ▬▬▬ ▬▬▬ ▬▬ ▬▬▬▬ ▬ ▬▬▬ ▬▬▬ ▬▬ ▬▬▬▬ ▬ ▬▬▬ ▬▬▬ ▬▬ ▬▬▬▬ ▬ ▬▬▬ ▬▬▬ ▬▬ ▬▬▬▬ ▬ ▬▬▬ ▬▬▬ ▬▬ ▬▬▬▬ ▬ ▬▬▬ ▬▬▬ ▬▬ ▬▬▬▬ ▬ ▬▬▬ ▬▬▬ ▬▬ ▬▬▬▬ ▬ ▬▬▬ ▬▬▬ ▬▬ ▬▬▬▬ ▬ ▬▬▬ ▬▬▬ ▬▬ ▬▬▬▬ ▬ ▬▬▬ ▬▬▬ ▬▬ ▬▬▬▬ ▬ ▬▬▬ ▬▬▬ ▬▬ ▬▬▬▬ ▬ ▬▬▬ ▬▬▬ ▬▬ ▬▬▬▬ ▬ ▬▬▬ ▬▬▬ ▬▬ ▬▬▬▬ ▬ ▬▬▬ ▬▬▬ ▬▬ ▬▬▬▬ ▬ ▬▬▬ ▬▬▬ ▬▬ ▬▬▬▬ ▬ ▬▬▬ ▬▬▬ ▬▬ ▬▬▬▬ ▬ ▬▬▬ ▬▬▬ ▬▬ ▬▬▬▬ ▬ ▬▬▬ ▬▬▬ ▬▬ ▬▬▬▬ ▬ ▬▬▬ ▬▬▬ ▬▬ ▬▬▬▬ ▬ ▬▬▬ ▬▬▬ ▬▬ ▬▬▬▬ ▬ ▬▬▬ ▬▬▬ ▬▬ ▬▬▬▬ ▬ ▬▬▬ ▬▬▬ ▬▬ ▬▬▬▬ ▬ ▬▬▬ ▬▬▬ ▬▬ ▬▬▬▬ ▬ ▬▬▬ ▬▬▬ ▬▬ ▬▬▬▬ ▬ ▬▬▬ ▬▬▬ ▬▬ ▬▬▬▬ ▬ ▬▬▬ ▬▬▬ ▬▬ ▬▬▬▬ ▬ ▬▬▬ ▬▬▬ ▬▬ ▬▬▬▬ ▬ ▬▬▬ ▬▬▬ ▬▬ ▬▬▬▬ ▬ ▬▬▬ ▬▬▬ ▬▬ ▬▬▬▬ ▬ ▬▬▬ ▬▬▬ ▬▬ ▬▬▬▬ ▬ ▬▬▬ ▬▬▬ ▬▬ ▬▬▬▬ ▬ ▬▬▬ ▬▬▬ ▬▬ ▬▬▬▬ ▬ ▬▬▬ ▬▬▬ ▬▬ ▬▬▬▬ ▬ ▬▬▬ ▬▬▬ ▬▬ ▬▬▬▬ ▬ ▬▬▬ ▬▬▬ ▬▬ ▬▬▬▬ ▬ ▬▬▬ ▬▬▬ ▬▬ ▬▬▬▬ ▬ ▬▬▬ ▬▬▬ ▬▬ ▬▬▬▬ ▬ ▬▬▬ ▬▬▬
